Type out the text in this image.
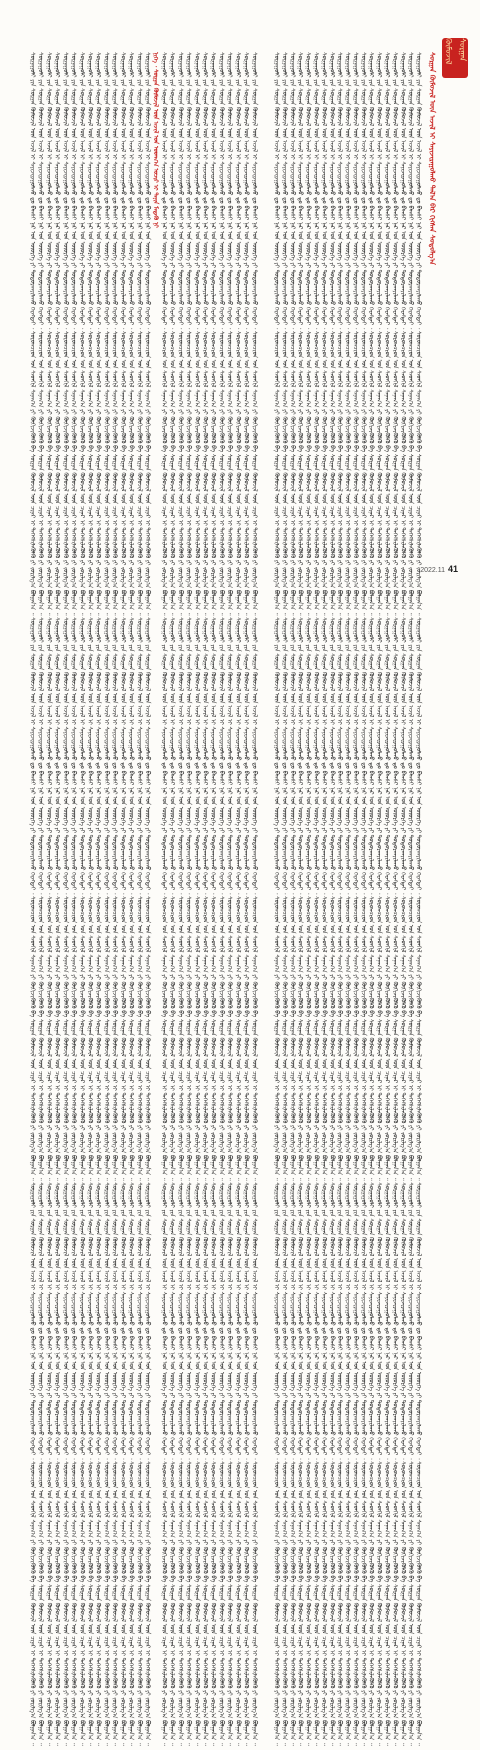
ᠰᠤᠷᠭᠠᠨ ᠬᠦᠮᠦᠵᠢᠯ
ᠰᠤᠷᠭᠠᠨ ᠬᠦᠮᠦᠵᠢᠯ ᠦᠨ ᠠᠵᠢᠯ ᠢ ᠰᠠᠶᠢᠵᠢᠷᠠᠭᠤᠯᠬᠤ ᠲᠠᠯ᠎ᠠ ᠪᠠᠷ ᠬᠢᠭᠰᠡᠨ ᠰᠤᠳᠤᠯᠭ᠎ᠠ
ᠰᠤᠷᠭᠠᠭᠤᠯᠢ ᠶᠢᠨ ᠰᠤᠷᠭᠠᠨ ᠬᠦᠮᠦᠵᠢᠯ ᠦᠨ ᠠᠵᠢᠯ ᠢ ᠰᠠᠶᠢᠵᠢᠷᠠᠭᠤᠯᠬᠤ ᠳᠤ ᠪᠠᠭᠰᠢ ᠨᠠᠷ ᠤᠨ ᠦᠦᠷᠭᠡ ᠶᠢ ᠲᠣᠳᠣᠷᠬᠠᠶᠢᠯᠠᠬᠤ ᠬᠡᠷᠡᠭᠲᠡᠢ ᠂ ᠰᠤᠷᠤᠭᠴᠢᠳ ᠤᠨ ᠰᠡᠳᠬᠢᠯ ᠰᠠᠨᠠᠭ᠎ᠠ ᠶᠢ ᠬᠥᠬᠢᠵᠢᠭᠦᠯᠬᠦ ᠪᠠ ᠰᠤᠷᠭᠠᠨ ᠬᠦᠮᠦᠵᠢᠯ ᠦᠨ ᠴᠢᠨᠠᠷ ᠢ ᠳᠡᠭᠡᠭᠰᠢᠯᠡᠭᠦᠯᠬᠦ ᠶᠢ ᠵᠣᠷᠢᠯᠭ᠎ᠠ ᠪᠣᠯᠭᠠᠨ᠎ᠠ ᠃ ᠰᠤᠷᠭᠠᠭᠤᠯᠢ ᠶᠢᠨ ᠰᠤᠷᠭᠠᠨ ᠬᠦᠮᠦᠵᠢᠯ ᠦᠨ ᠠᠵᠢᠯ ᠢ ᠰᠠᠶᠢᠵᠢᠷᠠᠭᠤᠯᠬᠤ ᠳᠤ ᠪᠠᠭᠰᠢ ᠨᠠᠷ ᠤᠨ ᠦᠦᠷᠭᠡ ᠶᠢ ᠲᠣᠳᠣᠷᠬᠠᠶᠢᠯᠠᠬᠤ ᠬᠡᠷᠡᠭᠲᠡᠢ ᠂ ᠰᠤᠷᠤᠭᠴᠢᠳ ᠤᠨ ᠰᠡᠳᠬᠢᠯ ᠰᠠᠨᠠᠭ᠎ᠠ ᠶᠢ ᠬᠥᠬᠢᠵᠢᠭᠦᠯᠬᠦ ᠪᠠ ᠰᠤᠷᠭᠠᠨ ᠬᠦᠮᠦᠵᠢᠯ ᠦᠨ ᠴᠢᠨᠠᠷ ᠢ ᠳᠡᠭᠡᠭᠰᠢᠯᠡᠭᠦᠯᠬᠦ ᠶᠢ ᠵᠣᠷᠢᠯᠭ᠎ᠠ ᠪᠣᠯᠭᠠᠨ᠎ᠠ ᠃ ᠰᠤᠷᠭᠠᠭᠤᠯᠢ ᠶᠢᠨ ᠰᠤᠷᠭᠠᠨ ᠬᠦᠮᠦᠵᠢᠯ ᠦᠨ ᠠᠵᠢᠯ ᠢ ᠰᠠᠶᠢᠵᠢᠷᠠᠭᠤᠯᠬᠤ ᠳᠤ ᠪᠠᠭᠰᠢ ᠨᠠᠷ ᠤᠨ ᠦᠦᠷᠭᠡ ᠶᠢ ᠲᠣᠳᠣᠷᠬᠠᠶᠢᠯᠠᠬᠤ ᠬᠡᠷᠡᠭᠲᠡᠢ ᠂ ᠰᠤᠷᠤᠭᠴᠢᠳ ᠤᠨ ᠰᠡᠳᠬᠢᠯ ᠰᠠᠨᠠᠭ᠎ᠠ ᠶᠢ ᠬᠥᠬᠢᠵᠢᠭᠦᠯᠬᠦ ᠪᠠ ᠰᠤᠷᠭᠠᠨ ᠬᠦᠮᠦᠵᠢᠯ ᠦᠨ ᠴᠢᠨᠠᠷ ᠢ ᠳᠡᠭᠡᠭᠰᠢᠯᠡᠭᠦᠯᠬᠦ ᠶᠢ ᠵᠣᠷᠢᠯᠭ᠎ᠠ ᠪᠣᠯᠭᠠᠨ᠎ᠠ ᠃ ᠰᠤᠷᠭᠠᠭᠤᠯᠢ ᠶᠢᠨ ᠰᠤᠷᠭᠠᠨ ᠬᠦᠮᠦᠵᠢᠯ ᠦᠨ ᠠᠵᠢᠯ ᠢ ᠰᠠᠶᠢᠵᠢᠷᠠᠭᠤᠯᠬᠤ ᠳᠤ ᠪᠠᠭᠰᠢ ᠨᠠᠷ ᠤᠨ ᠦᠦᠷᠭᠡ ᠶᠢ ᠲᠣᠳᠣᠷᠬᠠᠶᠢᠯᠠᠬᠤ ᠬᠡᠷᠡᠭᠲᠡᠢ ᠂ ᠰᠤᠷᠤᠭᠴᠢᠳ ᠤᠨ ᠰᠡᠳᠬᠢᠯ ᠰᠠᠨᠠᠭ᠎ᠠ ᠶᠢ ᠬᠥᠬᠢᠵᠢᠭᠦᠯᠬᠦ ᠪᠠ ᠰᠤᠷᠭᠠᠨ ᠬᠦᠮᠦᠵᠢᠯ ᠦᠨ ᠴᠢᠨᠠᠷ ᠢ ᠳᠡᠭᠡᠭᠰᠢᠯᠡᠭᠦᠯᠬᠦ ᠶᠢ ᠵᠣᠷᠢᠯᠭ᠎ᠠ ᠪᠣᠯᠭᠠᠨ᠎ᠠ ᠃ ᠰᠤᠷᠭᠠᠭᠤᠯᠢ ᠶᠢᠨ ᠰᠤᠷᠭᠠᠨ ᠬᠦᠮᠦᠵᠢᠯ ᠦᠨ ᠠᠵᠢᠯ ᠢ ᠰᠠᠶᠢᠵᠢᠷᠠᠭᠤᠯᠬᠤ ᠳᠤ ᠪᠠᠭᠰᠢ ᠨᠠᠷ ᠤᠨ ᠦᠦᠷᠭᠡ ᠶᠢ ᠲᠣᠳᠣᠷᠬᠠᠶᠢᠯᠠᠬᠤ ᠬᠡᠷᠡᠭᠲᠡᠢ ᠂ ᠰᠤᠷᠤᠭᠴᠢᠳ ᠤᠨ ᠰᠡᠳᠬᠢᠯ ᠰᠠᠨᠠᠭ᠎ᠠ ᠶᠢ ᠬᠥᠬᠢᠵᠢᠭᠦᠯᠬᠦ ᠪᠠ ᠰᠤᠷᠭᠠᠨ ᠬᠦᠮᠦᠵᠢᠯ ᠦᠨ ᠴᠢᠨᠠᠷ ᠢ ᠳᠡᠭᠡᠭᠰᠢᠯᠡᠭᠦᠯᠬᠦ ᠶᠢ ᠵᠣᠷᠢᠯᠭ᠎ᠠ ᠪᠣᠯᠭᠠᠨ᠎ᠠ ᠃ ᠰᠤᠷᠭᠠᠭᠤᠯᠢ ᠶᠢᠨ ᠰᠤᠷᠭᠠᠨ ᠬᠦᠮᠦᠵᠢᠯ ᠦᠨ ᠠᠵᠢᠯ ᠢ ᠰᠠᠶᠢᠵᠢᠷᠠᠭᠤᠯᠬᠤ ᠳᠤ ᠪᠠᠭᠰᠢ ᠨᠠᠷ ᠤᠨ ᠦᠦᠷᠭᠡ ᠶᠢ ᠲᠣᠳᠣᠷᠬᠠᠶᠢᠯᠠᠬᠤ ᠬᠡᠷᠡᠭᠲᠡᠢ ᠂ ᠰᠤᠷᠤᠭᠴᠢᠳ ᠤᠨ ᠰᠡᠳᠬᠢᠯ ᠰᠠᠨᠠᠭ᠎ᠠ ᠶᠢ ᠬᠥᠬᠢᠵᠢᠭᠦᠯᠬᠦ ᠪᠠ ᠰᠤᠷᠭᠠᠨ ᠬᠦᠮᠦᠵᠢᠯ ᠦᠨ ᠴᠢᠨᠠᠷ ᠢ ᠳᠡᠭᠡᠭᠰᠢᠯᠡᠭᠦᠯᠬᠦ ᠶᠢ ᠵᠣᠷᠢᠯᠭ᠎ᠠ ᠪᠣᠯᠭᠠᠨ᠎ᠠ ᠃ ᠰᠤᠷᠭᠠᠭᠤᠯᠢ ᠶᠢᠨ ᠰᠤᠷᠭᠠᠨ ᠬᠦᠮᠦᠵᠢᠯ ᠦᠨ ᠠᠵᠢᠯ ᠢ ᠰᠠᠶᠢᠵᠢᠷᠠᠭᠤᠯᠬᠤ ᠳᠤ ᠪᠠᠭᠰᠢ ᠨᠠᠷ ᠤᠨ ᠦᠦᠷᠭᠡ ᠶᠢ ᠲᠣᠳᠣᠷᠬᠠᠶᠢᠯᠠᠬᠤ ᠬᠡᠷᠡᠭᠲᠡᠢ ᠂ ᠰᠤᠷᠤᠭᠴᠢᠳ ᠤᠨ ᠰᠡᠳᠬᠢᠯ ᠰᠠᠨᠠᠭ᠎ᠠ ᠶᠢ ᠬᠥᠬᠢᠵᠢᠭᠦᠯᠬᠦ ᠪᠠ ᠰᠤᠷᠭᠠᠨ ᠬᠦᠮᠦᠵᠢᠯ ᠦᠨ ᠴᠢᠨᠠᠷ ᠢ ᠳᠡᠭᠡᠭᠰᠢᠯᠡᠭᠦᠯᠬᠦ ᠶᠢ ᠵᠣᠷᠢᠯᠭ᠎ᠠ ᠪᠣᠯᠭᠠᠨ᠎ᠠ ᠃ ᠰᠤᠷᠭᠠᠭᠤᠯᠢ ᠶᠢᠨ ᠰᠤᠷᠭᠠᠨ ᠬᠦᠮᠦᠵᠢᠯ ᠦᠨ ᠠᠵᠢᠯ ᠢ ᠰᠠᠶᠢᠵᠢᠷᠠᠭᠤᠯᠬᠤ ᠳᠤ ᠪᠠᠭᠰᠢ ᠨᠠᠷ ᠤᠨ ᠦᠦᠷᠭᠡ ᠶᠢ ᠲᠣᠳᠣᠷᠬᠠᠶᠢᠯᠠᠬᠤ ᠬᠡᠷᠡᠭᠲᠡᠢ ᠂ ᠰᠤᠷᠤᠭᠴᠢᠳ ᠤᠨ ᠰᠡᠳᠬᠢᠯ ᠰᠠᠨᠠᠭ᠎ᠠ ᠶᠢ ᠬᠥᠬᠢᠵᠢᠭᠦᠯᠬᠦ ᠪᠠ ᠰᠤᠷᠭᠠᠨ ᠬᠦᠮᠦᠵᠢᠯ ᠦᠨ ᠴᠢᠨᠠᠷ ᠢ ᠳᠡᠭᠡᠭᠰᠢᠯᠡᠭᠦᠯᠬᠦ ᠶᠢ ᠵᠣᠷᠢᠯᠭ᠎ᠠ ᠪᠣᠯᠭᠠᠨ᠎ᠠ ᠃ ᠰᠤᠷᠭᠠᠭᠤᠯᠢ ᠶᠢᠨ ᠰᠤᠷᠭᠠᠨ ᠬᠦᠮᠦᠵᠢᠯ ᠦᠨ ᠠᠵᠢᠯ ᠢ ᠰᠠᠶᠢᠵᠢᠷᠠᠭᠤᠯᠬᠤ ᠳᠤ ᠪᠠᠭᠰᠢ ᠨᠠᠷ ᠤᠨ ᠦᠦᠷᠭᠡ ᠶᠢ ᠲᠣᠳᠣᠷᠬᠠᠶᠢᠯᠠᠬᠤ ᠬᠡᠷᠡᠭᠲᠡᠢ ᠂ ᠰᠤᠷᠤᠭᠴᠢᠳ ᠤᠨ ᠰᠡᠳᠬᠢᠯ ᠰᠠᠨᠠᠭ᠎ᠠ ᠶᠢ ᠬᠥᠬᠢᠵᠢᠭᠦᠯᠬᠦ ᠪᠠ ᠰᠤᠷᠭᠠᠨ ᠬᠦᠮᠦᠵᠢᠯ ᠦᠨ ᠴᠢᠨᠠᠷ ᠢ ᠳᠡᠭᠡᠭᠰᠢᠯᠡᠭᠦᠯᠬᠦ ᠶᠢ ᠵᠣᠷᠢᠯᠭ᠎ᠠ ᠪᠣᠯᠭᠠᠨ᠎ᠠ ᠃ ᠰᠤᠷᠭᠠᠭᠤᠯᠢ ᠶᠢᠨ ᠰᠤᠷᠭᠠᠨ ᠬᠦᠮᠦᠵᠢᠯ ᠦᠨ ᠠᠵᠢᠯ ᠢ ᠰᠠᠶᠢᠵᠢᠷᠠᠭᠤᠯᠬᠤ ᠳᠤ ᠪᠠᠭᠰᠢ ᠨᠠᠷ ᠤᠨ ᠦᠦᠷᠭᠡ ᠶᠢ ᠲᠣᠳᠣᠷᠬᠠᠶᠢᠯᠠᠬᠤ ᠬᠡᠷᠡᠭᠲᠡᠢ ᠂ ᠰᠤᠷᠤᠭᠴᠢᠳ ᠤᠨ ᠰᠡᠳᠬᠢᠯ ᠰᠠᠨᠠᠭ᠎ᠠ ᠶᠢ ᠬᠥᠬᠢᠵᠢᠭᠦᠯᠬᠦ ᠪᠠ ᠰᠤᠷᠭᠠᠨ ᠬᠦᠮᠦᠵᠢᠯ ᠦᠨ ᠴᠢᠨᠠᠷ ᠢ ᠳᠡᠭᠡᠭᠰᠢᠯᠡᠭᠦᠯᠬᠦ ᠶᠢ ᠵᠣᠷᠢᠯᠭ᠎ᠠ ᠪᠣᠯᠭᠠᠨ᠎ᠠ ᠃ ᠰᠤᠷᠭᠠᠭᠤᠯᠢ ᠶᠢᠨ ᠰᠤᠷᠭᠠᠨ ᠬᠦᠮᠦᠵᠢᠯ ᠦᠨ ᠠᠵᠢᠯ ᠢ ᠰᠠᠶᠢᠵᠢᠷᠠᠭᠤᠯᠬᠤ ᠳᠤ ᠪᠠᠭᠰᠢ ᠨᠠᠷ ᠤᠨ ᠦᠦᠷᠭᠡ ᠶᠢ ᠲᠣᠳᠣᠷᠬᠠᠶᠢᠯᠠᠬᠤ ᠬᠡᠷᠡᠭᠲᠡᠢ ᠂ ᠰᠤᠷᠤᠭᠴᠢᠳ ᠤᠨ ᠰᠡᠳᠬᠢᠯ ᠰᠠᠨᠠᠭ᠎ᠠ ᠶᠢ ᠬᠥᠬᠢᠵᠢᠭᠦᠯᠬᠦ ᠪᠠ ᠰᠤᠷᠭᠠᠨ ᠬᠦᠮᠦᠵᠢᠯ ᠦᠨ ᠴᠢᠨᠠᠷ ᠢ ᠳᠡᠭᠡᠭᠰᠢᠯᠡᠭᠦᠯᠬᠦ ᠶᠢ ᠵᠣᠷᠢᠯᠭ᠎ᠠ ᠪᠣᠯᠭᠠᠨ᠎ᠠ ᠃ ᠰᠤᠷᠭᠠᠭᠤᠯᠢ ᠶᠢᠨ ᠰᠤᠷᠭᠠᠨ ᠬᠦᠮᠦᠵᠢᠯ ᠦᠨ ᠠᠵᠢᠯ ᠢ ᠰᠠᠶᠢᠵᠢᠷᠠᠭᠤᠯᠬᠤ ᠳᠤ ᠪᠠᠭᠰᠢ ᠨᠠᠷ ᠤᠨ ᠦᠦᠷᠭᠡ ᠶᠢ ᠲᠣᠳᠣᠷᠬᠠᠶᠢᠯᠠᠬᠤ ᠬᠡᠷᠡᠭᠲᠡᠢ ᠂ ᠰᠤᠷᠤᠭᠴᠢᠳ ᠤᠨ ᠰᠡᠳᠬᠢᠯ ᠰᠠᠨᠠᠭ᠎ᠠ ᠶᠢ ᠬᠥᠬᠢᠵᠢᠭᠦᠯᠬᠦ ᠪᠠ ᠰᠤᠷᠭᠠᠨ ᠬᠦᠮᠦᠵᠢᠯ ᠦᠨ ᠴᠢᠨᠠᠷ ᠢ ᠳᠡᠭᠡᠭᠰᠢᠯᠡᠭᠦᠯᠬᠦ ᠶᠢ ᠵᠣᠷᠢᠯᠭ᠎ᠠ ᠪᠣᠯᠭᠠᠨ᠎ᠠ ᠃ ᠰᠤᠷᠭᠠᠭᠤᠯᠢ ᠶᠢᠨ ᠰᠤᠷᠭᠠᠨ ᠬᠦᠮᠦᠵᠢᠯ ᠦᠨ ᠠᠵᠢᠯ ᠢ ᠰᠠᠶᠢᠵᠢᠷᠠᠭᠤᠯᠬᠤ ᠳᠤ ᠪᠠᠭᠰᠢ ᠨᠠᠷ ᠤᠨ ᠦᠦᠷᠭᠡ ᠶᠢ ᠲᠣᠳᠣᠷᠬᠠᠶᠢᠯᠠᠬᠤ ᠬᠡᠷᠡᠭᠲᠡᠢ ᠂ ᠰᠤᠷᠤᠭᠴᠢᠳ ᠤᠨ ᠰᠡᠳᠬᠢᠯ ᠰᠠᠨᠠᠭ᠎ᠠ ᠶᠢ ᠬᠥᠬᠢᠵᠢᠭᠦᠯᠬᠦ ᠪᠠ ᠰᠤᠷᠭᠠᠨ ᠬᠦᠮᠦᠵᠢᠯ ᠦᠨ ᠴᠢᠨᠠᠷ ᠢ ᠳᠡᠭᠡᠭᠰᠢᠯᠡᠭᠦᠯᠬᠦ ᠶᠢ ᠵᠣᠷᠢᠯᠭ᠎ᠠ ᠪᠣᠯᠭᠠᠨ᠎ᠠ ᠃ ᠰᠤᠷᠭᠠᠭᠤᠯᠢ ᠶᠢᠨ ᠰᠤᠷᠭᠠᠨ ᠬᠦᠮᠦᠵᠢᠯ ᠦᠨ ᠠᠵᠢᠯ ᠢ ᠰᠠᠶᠢᠵᠢᠷᠠᠭᠤᠯᠬᠤ ᠳᠤ ᠪᠠᠭᠰᠢ ᠨᠠᠷ ᠤᠨ ᠦᠦᠷᠭᠡ ᠶᠢ ᠲᠣᠳᠣᠷᠬᠠᠶᠢᠯᠠᠬᠤ ᠬᠡᠷᠡᠭᠲᠡᠢ ᠂ ᠰᠤᠷᠤᠭᠴᠢᠳ ᠤᠨ ᠰᠡᠳᠬᠢᠯ ᠰᠠᠨᠠᠭ᠎ᠠ ᠶᠢ ᠬᠥᠬᠢᠵᠢᠭᠦᠯᠬᠦ ᠪᠠ ᠰᠤᠷᠭᠠᠨ ᠬᠦᠮᠦᠵᠢᠯ ᠦᠨ ᠴᠢᠨᠠᠷ ᠢ ᠳᠡᠭᠡᠭᠰᠢᠯᠡᠭᠦᠯᠬᠦ ᠶᠢ ᠵᠣᠷᠢᠯᠭ᠎ᠠ ᠪᠣᠯᠭᠠᠨ᠎ᠠ ᠃ ᠰᠤᠷᠭᠠᠭᠤᠯᠢ ᠶᠢᠨ ᠰᠤᠷᠭᠠᠨ ᠬᠦᠮᠦᠵᠢᠯ ᠦᠨ ᠠᠵᠢᠯ ᠢ ᠰᠠᠶᠢᠵᠢᠷᠠᠭᠤᠯᠬᠤ ᠳᠤ ᠪᠠᠭᠰᠢ ᠨᠠᠷ ᠤᠨ ᠦᠦᠷᠭᠡ ᠶᠢ ᠲᠣᠳᠣᠷᠬᠠᠶᠢᠯᠠᠬᠤ ᠬᠡᠷᠡᠭᠲᠡᠢ ᠂ ᠰᠤᠷᠤᠭᠴᠢᠳ ᠤᠨ ᠰᠡᠳᠬᠢᠯ ᠰᠠᠨᠠᠭ᠎ᠠ ᠶᠢ ᠬᠥᠬᠢᠵᠢᠭᠦᠯᠬᠦ ᠪᠠ ᠰᠤᠷᠭᠠᠨ ᠬᠦᠮᠦᠵᠢᠯ ᠦᠨ ᠴᠢᠨᠠᠷ ᠢ ᠳᠡᠭᠡᠭᠰᠢᠯᠡᠭᠦᠯᠬᠦ ᠶᠢ ᠵᠣᠷᠢᠯᠭ᠎ᠠ ᠪᠣᠯᠭᠠᠨ᠎ᠠ ᠃ ᠰᠤᠷᠭᠠᠭᠤᠯᠢ ᠶᠢᠨ ᠰᠤᠷᠭᠠᠨ ᠬᠦᠮᠦᠵᠢᠯ ᠦᠨ ᠠᠵᠢᠯ ᠢ ᠰᠠᠶᠢᠵᠢᠷᠠᠭᠤᠯᠬᠤ ᠳᠤ ᠪᠠᠭᠰᠢ ᠨᠠᠷ ᠤᠨ ᠦᠦᠷᠭᠡ ᠶᠢ ᠲᠣᠳᠣᠷᠬᠠᠶᠢᠯᠠᠬᠤ ᠬᠡᠷᠡᠭᠲᠡᠢ ᠂ ᠰᠤᠷᠤᠭᠴᠢᠳ ᠤᠨ ᠰᠡᠳᠬᠢᠯ ᠰᠠᠨᠠᠭ᠎ᠠ ᠶᠢ ᠬᠥᠬᠢᠵᠢᠭᠦᠯᠬᠦ ᠪᠠ ᠰᠤᠷᠭᠠᠨ ᠬᠦᠮᠦᠵᠢᠯ ᠦᠨ ᠴᠢᠨᠠᠷ ᠢ ᠳᠡᠭᠡᠭᠰᠢᠯᠡᠭᠦᠯᠬᠦ ᠶᠢ ᠵᠣᠷᠢᠯᠭ᠎ᠠ ᠪᠣᠯᠭᠠᠨ᠎ᠠ ᠃ ᠰᠤᠷᠭᠠᠭᠤᠯᠢ ᠶᠢᠨ ᠰᠤᠷᠭᠠᠨ ᠬᠦᠮᠦᠵᠢᠯ ᠦᠨ ᠠᠵᠢᠯ ᠢ ᠰᠠᠶᠢᠵᠢᠷᠠᠭᠤᠯᠬᠤ ᠳᠤ ᠪᠠᠭᠰᠢ ᠨᠠᠷ ᠤᠨ ᠦᠦᠷᠭᠡ ᠶᠢ ᠲᠣᠳᠣᠷᠬᠠᠶᠢᠯᠠᠬᠤ ᠬᠡᠷᠡᠭᠲᠡᠢ ᠂ ᠰᠤᠷᠤᠭᠴᠢᠳ ᠤᠨ ᠰᠡᠳᠬᠢᠯ ᠰᠠᠨᠠᠭ᠎ᠠ ᠶᠢ ᠬᠥᠬᠢᠵᠢᠭᠦᠯᠬᠦ ᠪᠠ ᠰᠤᠷᠭᠠᠨ ᠬᠦᠮᠦᠵᠢᠯ ᠦᠨ ᠴᠢᠨᠠᠷ ᠢ ᠳᠡᠭᠡᠭᠰᠢᠯᠡᠭᠦᠯᠬᠦ ᠶᠢ ᠵᠣᠷᠢᠯᠭ᠎ᠠ ᠪᠣᠯᠭᠠᠨ᠎ᠠ ᠃ ᠰᠤᠷᠭᠠᠭᠤᠯᠢ ᠶᠢᠨ ᠰᠤᠷᠭᠠᠨ ᠬᠦᠮᠦᠵᠢᠯ ᠦᠨ ᠠᠵᠢᠯ ᠢ ᠰᠠᠶᠢᠵᠢᠷᠠᠭᠤᠯᠬᠤ ᠳᠤ ᠪᠠᠭᠰᠢ ᠨᠠᠷ ᠤᠨ ᠦᠦᠷᠭᠡ ᠶᠢ ᠲᠣᠳᠣᠷᠬᠠᠶᠢᠯᠠᠬᠤ ᠬᠡᠷᠡᠭᠲᠡᠢ ᠂ ᠰᠤᠷᠤᠭᠴᠢᠳ ᠤᠨ ᠰᠡᠳᠬᠢᠯ ᠰᠠᠨᠠᠭ᠎ᠠ ᠶᠢ ᠬᠥᠬᠢᠵᠢᠭᠦᠯᠬᠦ ᠪᠠ ᠰᠤᠷᠭᠠᠨ ᠬᠦᠮᠦᠵᠢᠯ ᠦᠨ ᠴᠢᠨᠠᠷ ᠢ ᠳᠡᠭᠡᠭᠰᠢᠯᠡᠭᠦᠯᠬᠦ ᠶᠢ ᠵᠣᠷᠢᠯᠭ᠎ᠠ ᠪᠣᠯᠭᠠᠨ᠎ᠠ ᠃ ᠰᠤᠷᠭᠠᠭᠤᠯᠢ ᠶᠢᠨ ᠰᠤᠷᠭᠠᠨ ᠬᠦᠮᠦᠵᠢᠯ ᠦᠨ ᠠᠵᠢᠯ ᠢ ᠰᠠᠶᠢᠵᠢᠷᠠᠭᠤᠯᠬᠤ ᠳᠤ ᠪᠠᠭᠰᠢ ᠨᠠᠷ ᠤᠨ ᠦᠦᠷᠭᠡ ᠶᠢ ᠲᠣᠳᠣᠷᠬᠠᠶᠢᠯᠠᠬᠤ ᠬᠡᠷᠡᠭᠲᠡᠢ ᠂ ᠰᠤᠷᠤᠭᠴᠢᠳ ᠤᠨ ᠰᠡᠳᠬᠢᠯ ᠰᠠᠨᠠᠭ᠎ᠠ ᠶᠢ ᠬᠥᠬᠢᠵᠢᠭᠦᠯᠬᠦ ᠪᠠ ᠰᠤᠷᠭᠠᠨ ᠬᠦᠮᠦᠵᠢᠯ ᠦᠨ ᠴᠢᠨᠠᠷ ᠢ ᠳᠡᠭᠡᠭᠰᠢᠯᠡᠭᠦᠯᠬᠦ ᠶᠢ ᠵᠣᠷᠢᠯᠭ᠎ᠠ ᠪᠣᠯᠭᠠᠨ᠎ᠠ ᠃ ᠰᠤᠷᠭᠠᠭᠤᠯᠢ ᠶᠢᠨ ᠰᠤᠷᠭᠠᠨ ᠬᠦᠮᠦᠵᠢᠯ ᠦᠨ ᠠᠵᠢᠯ ᠢ ᠰᠠᠶᠢᠵᠢᠷᠠᠭᠤᠯᠬᠤ ᠳᠤ ᠪᠠᠭᠰᠢ ᠨᠠᠷ ᠤᠨ ᠦᠦᠷᠭᠡ ᠶᠢ ᠲᠣᠳᠣᠷᠬᠠᠶᠢᠯᠠᠬᠤ ᠬᠡᠷᠡᠭᠲᠡᠢ ᠂ ᠰᠤᠷᠤᠭᠴᠢᠳ ᠤᠨ ᠰᠡᠳᠬᠢᠯ ᠰᠠᠨᠠᠭ᠎ᠠ ᠶᠢ ᠬᠥᠬᠢᠵᠢᠭᠦᠯᠬᠦ ᠪᠠ ᠰᠤᠷᠭᠠᠨ ᠬᠦᠮᠦᠵᠢᠯ ᠦᠨ ᠴᠢᠨᠠᠷ ᠢ ᠳᠡᠭᠡᠭᠰᠢᠯᠡᠭᠦᠯᠬᠦ ᠶᠢ ᠵᠣᠷᠢᠯᠭ᠎ᠠ ᠪᠣᠯᠭᠠᠨ᠎ᠠ ᠃ ᠰᠤᠷᠭᠠᠭᠤᠯᠢ ᠶᠢᠨ ᠰᠤᠷᠭᠠᠨ ᠬᠦᠮᠦᠵᠢᠯ ᠦᠨ ᠠᠵᠢᠯ ᠢ ᠰᠠᠶᠢᠵᠢᠷᠠᠭᠤᠯᠬᠤ ᠳᠤ ᠪᠠᠭᠰᠢ ᠨᠠᠷ ᠤᠨ ᠦᠦᠷᠭᠡ ᠶᠢ ᠲᠣᠳᠣᠷᠬᠠᠶᠢᠯᠠᠬᠤ ᠬᠡᠷᠡᠭᠲᠡᠢ ᠂ ᠰᠤᠷᠤᠭᠴᠢᠳ ᠤᠨ ᠰᠡᠳᠬᠢᠯ ᠰᠠᠨᠠᠭ᠎ᠠ ᠶᠢ ᠬᠥᠬᠢᠵᠢᠭᠦᠯᠬᠦ ᠪᠠ ᠰᠤᠷᠭᠠᠨ ᠬᠦᠮᠦᠵᠢᠯ ᠦᠨ ᠴᠢᠨᠠᠷ ᠢ ᠳᠡᠭᠡᠭᠰᠢᠯᠡᠭᠦᠯᠬᠦ ᠶᠢ ᠵᠣᠷᠢᠯᠭ᠎ᠠ ᠪᠣᠯᠭᠠᠨ᠎ᠠ ᠃ ᠰᠤᠷᠭᠠᠭᠤᠯᠢ ᠶᠢᠨ ᠰᠤᠷᠭᠠᠨ ᠬᠦᠮᠦᠵᠢᠯ ᠦᠨ ᠠᠵᠢᠯ ᠢ ᠰᠠᠶᠢᠵᠢᠷᠠᠭᠤᠯᠬᠤ ᠳᠤ ᠪᠠᠭᠰᠢ ᠨᠠᠷ ᠤᠨ ᠦᠦᠷᠭᠡ ᠶᠢ ᠲᠣᠳᠣᠷᠬᠠᠶᠢᠯᠠᠬᠤ ᠬᠡᠷᠡᠭᠲᠡᠢ ᠂ ᠰᠤᠷᠤᠭᠴᠢᠳ ᠤᠨ ᠰᠡᠳᠬᠢᠯ ᠰᠠᠨᠠᠭ᠎ᠠ ᠶᠢ ᠬᠥᠬᠢᠵᠢᠭᠦᠯᠬᠦ ᠪᠠ ᠰᠤᠷᠭᠠᠨ ᠬᠦᠮᠦᠵᠢᠯ ᠦᠨ ᠴᠢᠨᠠᠷ ᠢ ᠳᠡᠭᠡᠭᠰᠢᠯᠡᠭᠦᠯᠬᠦ ᠶᠢ ᠵᠣᠷᠢᠯᠭ᠎ᠠ ᠪᠣᠯᠭᠠᠨ᠎ᠠ ᠃ ᠰᠤᠷᠭᠠᠭᠤᠯᠢ ᠶᠢᠨ ᠰᠤᠷᠭᠠᠨ ᠬᠦᠮᠦᠵᠢᠯ ᠦᠨ ᠠᠵᠢᠯ ᠢ ᠰᠠᠶᠢᠵᠢᠷᠠᠭᠤᠯᠬᠤ ᠳᠤ ᠪᠠᠭᠰᠢ ᠨᠠᠷ ᠤᠨ ᠦᠦᠷᠭᠡ ᠶᠢ ᠲᠣᠳᠣᠷᠬᠠᠶᠢᠯᠠᠬᠤ ᠬᠡᠷᠡᠭᠲᠡᠢ ᠂ ᠰᠤᠷᠤᠭᠴᠢᠳ ᠤᠨ ᠰᠡᠳᠬᠢᠯ ᠰᠠᠨᠠᠭ᠎ᠠ ᠶᠢ ᠬᠥᠬᠢᠵᠢᠭᠦᠯᠬᠦ ᠪᠠ ᠰᠤᠷᠭᠠᠨ ᠬᠦᠮᠦᠵᠢᠯ ᠦᠨ ᠴᠢᠨᠠᠷ ᠢ ᠳᠡᠭᠡᠭᠰᠢᠯᠡᠭᠦᠯᠬᠦ ᠶᠢ ᠵᠣᠷᠢᠯᠭ᠎ᠠ ᠪᠣᠯᠭᠠᠨ᠎ᠠ ᠃ ᠰᠤᠷᠭᠠᠭᠤᠯᠢ ᠶᠢᠨ ᠰᠤᠷᠭᠠᠨ ᠬᠦᠮᠦᠵᠢᠯ ᠦᠨ ᠠᠵᠢᠯ ᠢ ᠰᠠᠶᠢᠵᠢᠷᠠᠭᠤᠯᠬᠤ ᠳᠤ ᠪᠠᠭᠰᠢ ᠨᠠᠷ ᠤᠨ ᠦᠦᠷᠭᠡ ᠶᠢ ᠲᠣᠳᠣᠷᠬᠠᠶᠢᠯᠠᠬᠤ ᠬᠡᠷᠡᠭᠲᠡᠢ ᠂ ᠰᠤᠷᠤᠭᠴᠢᠳ ᠤᠨ ᠰᠡᠳᠬᠢᠯ ᠰᠠᠨᠠᠭ᠎ᠠ ᠶᠢ ᠬᠥᠬᠢᠵᠢᠭᠦᠯᠬᠦ ᠪᠠ ᠰᠤᠷᠭᠠᠨ ᠬᠦᠮᠦᠵᠢᠯ ᠦᠨ ᠴᠢᠨᠠᠷ ᠢ ᠳᠡᠭᠡᠭᠰᠢᠯᠡᠭᠦᠯᠬᠦ ᠶᠢ ᠵᠣᠷᠢᠯᠭ᠎ᠠ ᠪᠣᠯᠭᠠᠨ᠎ᠠ ᠃ ᠰᠤᠷᠭᠠᠭᠤᠯᠢ ᠶᠢᠨ ᠰᠤᠷᠭᠠᠨ ᠬᠦᠮᠦᠵᠢᠯ ᠦᠨ ᠠᠵᠢᠯ ᠢ ᠰᠠᠶᠢᠵᠢᠷᠠᠭᠤᠯᠬᠤ ᠳᠤ ᠪᠠᠭᠰᠢ ᠨᠠᠷ ᠤᠨ ᠦᠦᠷᠭᠡ ᠶᠢ ᠲᠣᠳᠣᠷᠬᠠᠶᠢᠯᠠᠬᠤ ᠬᠡᠷᠡᠭᠲᠡᠢ ᠂ ᠰᠤᠷᠤᠭᠴᠢᠳ ᠤᠨ ᠰᠡᠳᠬᠢᠯ ᠰᠠᠨᠠᠭ᠎ᠠ ᠶᠢ ᠬᠥᠬᠢᠵᠢᠭᠦᠯᠬᠦ ᠪᠠ ᠰᠤᠷᠭᠠᠨ ᠬᠦᠮᠦᠵᠢᠯ ᠦᠨ ᠴᠢᠨᠠᠷ ᠢ ᠳᠡᠭᠡᠭᠰᠢᠯᠡᠭᠦᠯᠬᠦ ᠶᠢ ᠵᠣᠷᠢᠯᠭ᠎ᠠ ᠪᠣᠯᠭᠠᠨ᠎ᠠ ᠃ ᠰᠤᠷᠭᠠᠭᠤᠯᠢ ᠶᠢᠨ ᠰᠤᠷᠭᠠᠨ ᠬᠦᠮᠦᠵᠢᠯ ᠦᠨ ᠠᠵᠢᠯ ᠢ ᠰᠠᠶᠢᠵᠢᠷᠠᠭᠤᠯᠬᠤ ᠳᠤ ᠪᠠᠭᠰᠢ ᠨᠠᠷ ᠤᠨ ᠦᠦᠷᠭᠡ ᠶᠢ ᠲᠣᠳᠣᠷᠬᠠᠶᠢᠯᠠᠬᠤ ᠬᠡᠷᠡᠭᠲᠡᠢ ᠂ ᠰᠤᠷᠤᠭᠴᠢᠳ ᠤᠨ ᠰᠡᠳᠬᠢᠯ ᠰᠠᠨᠠᠭ᠎ᠠ ᠶᠢ ᠬᠥᠬᠢᠵᠢᠭᠦᠯᠬᠦ ᠪᠠ ᠰᠤᠷᠭᠠᠨ ᠬᠦᠮᠦᠵᠢᠯ ᠦᠨ ᠴᠢᠨᠠᠷ ᠢ ᠳᠡᠭᠡᠭᠰᠢᠯᠡᠭᠦᠯᠬᠦ ᠶᠢ ᠵᠣᠷᠢᠯᠭ᠎ᠠ ᠪᠣᠯᠭᠠᠨ᠎ᠠ ᠃ ᠰᠤᠷᠭᠠᠭᠤᠯᠢ ᠶᠢᠨ ᠰᠤᠷᠭᠠᠨ ᠬᠦᠮᠦᠵᠢᠯ ᠦᠨ ᠠᠵᠢᠯ ᠢ ᠰᠠᠶᠢᠵᠢᠷᠠᠭᠤᠯᠬᠤ ᠳᠤ ᠪᠠᠭᠰᠢ ᠨᠠᠷ ᠤᠨ ᠦᠦᠷᠭᠡ ᠶᠢ ᠲᠣᠳᠣᠷᠬᠠᠶᠢᠯᠠᠬᠤ ᠬᠡᠷᠡᠭᠲᠡᠢ ᠂ ᠰᠤᠷᠤᠭᠴᠢᠳ ᠤᠨ ᠰᠡᠳᠬᠢᠯ ᠰᠠᠨᠠᠭ᠎ᠠ ᠶᠢ ᠬᠥᠬᠢᠵᠢᠭᠦᠯᠬᠦ ᠪᠠ ᠰᠤᠷᠭᠠᠨ ᠬᠦᠮᠦᠵᠢᠯ ᠦᠨ ᠴᠢᠨᠠᠷ ᠢ ᠳᠡᠭᠡᠭᠰᠢᠯᠡᠭᠦᠯᠬᠦ ᠶᠢ ᠵᠣᠷᠢᠯᠭ᠎ᠠ ᠪᠣᠯᠭᠠᠨ᠎ᠠ ᠃ ᠰᠤᠷᠭᠠᠭᠤᠯᠢ ᠶᠢᠨ ᠰᠤᠷᠭᠠᠨ ᠬᠦᠮᠦᠵᠢᠯ ᠦᠨ ᠠᠵᠢᠯ ᠢ ᠰᠠᠶᠢᠵᠢᠷᠠᠭᠤᠯᠬᠤ ᠳᠤ ᠪᠠᠭᠰᠢ ᠨᠠᠷ ᠤᠨ ᠦᠦᠷᠭᠡ ᠶᠢ ᠲᠣᠳᠣᠷᠬᠠᠶᠢᠯᠠᠬᠤ ᠬᠡᠷᠡᠭᠲᠡᠢ ᠂ ᠰᠤᠷᠤᠭᠴᠢᠳ ᠤᠨ ᠰᠡᠳᠬᠢᠯ ᠰᠠᠨᠠᠭ᠎ᠠ ᠶᠢ ᠬᠥᠬᠢᠵᠢᠭᠦᠯᠬᠦ ᠪᠠ ᠰᠤᠷᠭᠠᠨ ᠬᠦᠮᠦᠵᠢᠯ ᠦᠨ ᠴᠢᠨᠠᠷ ᠢ ᠳᠡᠭᠡᠭᠰᠢᠯᠡᠭᠦᠯᠬᠦ ᠶᠢ ᠵᠣᠷᠢᠯᠭ᠎ᠠ ᠪᠣᠯᠭᠠᠨ᠎ᠠ ᠃ ᠰᠤᠷᠭᠠᠭᠤᠯᠢ ᠶᠢᠨ ᠰᠤᠷᠭᠠᠨ ᠬᠦᠮᠦᠵᠢᠯ ᠦᠨ ᠠᠵᠢᠯ ᠢ ᠰᠠᠶᠢᠵᠢᠷᠠᠭᠤᠯᠬᠤ ᠳᠤ ᠪᠠᠭᠰᠢ ᠨᠠᠷ ᠤᠨ ᠦᠦᠷᠭᠡ ᠶᠢ ᠲᠣᠳᠣᠷᠬᠠᠶᠢᠯᠠᠬᠤ ᠬᠡᠷᠡᠭᠲᠡᠢ ᠂ ᠰᠤᠷᠤᠭᠴᠢᠳ ᠤᠨ ᠰᠡᠳᠬᠢᠯ ᠰᠠᠨᠠᠭ᠎ᠠ ᠶᠢ ᠬᠥᠬᠢᠵᠢᠭᠦᠯᠬᠦ ᠪᠠ ᠰᠤᠷᠭᠠᠨ ᠬᠦᠮᠦᠵᠢᠯ ᠦᠨ ᠴᠢᠨᠠᠷ ᠢ ᠳᠡᠭᠡᠭᠰᠢᠯᠡᠭᠦᠯᠬᠦ ᠶᠢ ᠵᠣᠷᠢᠯᠭ᠎ᠠ ᠪᠣᠯᠭᠠᠨ᠎ᠠ ᠃ ᠰᠤᠷᠭᠠᠭᠤᠯᠢ ᠶᠢᠨ ᠰᠤᠷᠭᠠᠨ ᠬᠦᠮᠦᠵᠢᠯ ᠦᠨ ᠠᠵᠢᠯ ᠢ ᠰᠠᠶᠢᠵᠢᠷᠠᠭᠤᠯᠬᠤ ᠳᠤ ᠪᠠᠭᠰᠢ ᠨᠠᠷ ᠤᠨ ᠦᠦᠷᠭᠡ ᠶᠢ ᠲᠣᠳᠣᠷᠬᠠᠶᠢᠯᠠᠬᠤ ᠬᠡᠷᠡᠭᠲᠡᠢ ᠂ ᠰᠤᠷᠤᠭᠴᠢᠳ ᠤᠨ ᠰᠡᠳᠬᠢᠯ ᠰᠠᠨᠠᠭ᠎ᠠ ᠶᠢ ᠬᠥᠬᠢᠵᠢᠭᠦᠯᠬᠦ ᠪᠠ ᠰᠤᠷᠭᠠᠨ ᠬᠦᠮᠦᠵᠢᠯ ᠦᠨ ᠴᠢᠨᠠᠷ ᠢ ᠳᠡᠭᠡᠭᠰᠢᠯᠡᠭᠦᠯᠬᠦ ᠶᠢ ᠵᠣᠷᠢᠯᠭ᠎ᠠ ᠪᠣᠯᠭᠠᠨ᠎ᠠ ᠃ ᠰᠤᠷᠭᠠᠭᠤᠯᠢ ᠶᠢᠨ ᠰᠤᠷᠭᠠᠨ ᠬᠦᠮᠦᠵᠢᠯ ᠦᠨ ᠠᠵᠢᠯ ᠢ ᠰᠠᠶᠢᠵᠢᠷᠠᠭᠤᠯᠬᠤ ᠳᠤ ᠪᠠᠭᠰᠢ ᠨᠠᠷ ᠤᠨ ᠦᠦᠷᠭᠡ ᠶᠢ ᠲᠣᠳᠣᠷᠬᠠᠶᠢᠯᠠᠬᠤ ᠬᠡᠷᠡᠭᠲᠡᠢ ᠂ ᠰᠤᠷᠤᠭᠴᠢᠳ ᠤᠨ ᠰᠡᠳᠬᠢᠯ ᠰᠠᠨᠠᠭ᠎ᠠ ᠶᠢ ᠬᠥᠬᠢᠵᠢᠭᠦᠯᠬᠦ ᠪᠠ ᠰᠤᠷᠭᠠᠨ ᠬᠦᠮᠦᠵᠢᠯ ᠦᠨ ᠴᠢᠨᠠᠷ ᠢ ᠳᠡᠭᠡᠭᠰᠢᠯᠡᠭᠦᠯᠬᠦ ᠶᠢ ᠵᠣᠷᠢᠯᠭ᠎ᠠ ᠪᠣᠯᠭᠠᠨ᠎ᠠ ᠃ ᠰᠤᠷᠭᠠᠭᠤᠯᠢ ᠶᠢᠨ ᠰᠤᠷᠭᠠᠨ ᠬᠦᠮᠦᠵᠢᠯ ᠦᠨ ᠠᠵᠢᠯ ᠢ ᠰᠠᠶᠢᠵᠢᠷᠠᠭᠤᠯᠬᠤ ᠳᠤ ᠪᠠᠭᠰᠢ ᠨᠠᠷ ᠤᠨ ᠦᠦᠷᠭᠡ ᠶᠢ ᠲᠣᠳᠣᠷᠬᠠᠶᠢᠯᠠᠬᠤ ᠬᠡᠷᠡᠭᠲᠡᠢ ᠂ ᠰᠤᠷᠤᠭᠴᠢᠳ ᠤᠨ ᠰᠡᠳᠬᠢᠯ ᠰᠠᠨᠠᠭ᠎ᠠ ᠶᠢ ᠬᠥᠬᠢᠵᠢᠭᠦᠯᠬᠦ ᠪᠠ ᠰᠤᠷᠭᠠᠨ ᠬᠦᠮᠦᠵᠢᠯ ᠦᠨ ᠴᠢᠨᠠᠷ ᠢ ᠳᠡᠭᠡᠭᠰᠢᠯᠡᠭᠦᠯᠬᠦ ᠶᠢ ᠵᠣᠷᠢᠯᠭ᠎ᠠ ᠪᠣᠯᠭᠠᠨ᠎ᠠ ᠃ ᠰᠤᠷᠭᠠᠭᠤᠯᠢ ᠶᠢᠨ ᠰᠤᠷᠭᠠᠨ ᠬᠦᠮᠦᠵᠢᠯ ᠦᠨ ᠠᠵᠢᠯ ᠢ ᠰᠠᠶᠢᠵᠢᠷᠠᠭᠤᠯᠬᠤ ᠳᠤ ᠪᠠᠭᠰᠢ ᠨᠠᠷ ᠤᠨ ᠦᠦᠷᠭᠡ ᠶᠢ ᠲᠣᠳᠣᠷᠬᠠᠶᠢᠯᠠᠬᠤ ᠬᠡᠷᠡᠭᠲᠡᠢ ᠂ ᠰᠤᠷᠤᠭᠴᠢᠳ ᠤᠨ ᠰᠡᠳᠬᠢᠯ ᠰᠠᠨᠠᠭ᠎ᠠ ᠶᠢ ᠬᠥᠬᠢᠵᠢᠭᠦᠯᠬᠦ ᠪᠠ ᠰᠤᠷᠭᠠᠨ ᠬᠦᠮᠦᠵᠢᠯ ᠦᠨ ᠴᠢᠨᠠᠷ ᠢ ᠳᠡᠭᠡᠭᠰᠢᠯᠡᠭᠦᠯᠬᠦ ᠶᠢ ᠵᠣᠷᠢᠯᠭ᠎ᠠ ᠪᠣᠯᠭᠠᠨ᠎ᠠ ᠃ ᠰᠤᠷᠭᠠᠭᠤᠯᠢ ᠶᠢᠨ ᠰᠤᠷᠭᠠᠨ ᠬᠦᠮᠦᠵᠢᠯ ᠦᠨ ᠠᠵᠢᠯ ᠢ ᠰᠠᠶᠢᠵᠢᠷᠠᠭᠤᠯᠬᠤ ᠳᠤ ᠪᠠᠭᠰᠢ ᠨᠠᠷ ᠤᠨ ᠦᠦᠷᠭᠡ ᠶᠢ ᠲᠣᠳᠣᠷᠬᠠᠶᠢᠯᠠᠬᠤ ᠬᠡᠷᠡᠭᠲᠡᠢ ᠂ ᠰᠤᠷᠤᠭᠴᠢᠳ ᠤᠨ ᠰᠡᠳᠬᠢᠯ ᠰᠠᠨᠠᠭ᠎ᠠ ᠶᠢ ᠬᠥᠬᠢᠵᠢᠭᠦᠯᠬᠦ ᠪᠠ ᠰᠤᠷᠭᠠᠨ ᠬᠦᠮᠦᠵᠢᠯ ᠦᠨ ᠴᠢᠨᠠᠷ ᠢ ᠳᠡᠭᠡᠭᠰᠢᠯᠡᠭᠦᠯᠬᠦ ᠶᠢ ᠵᠣᠷᠢᠯᠭ᠎ᠠ ᠪᠣᠯᠭᠠᠨ᠎ᠠ ᠃ ᠰᠤᠷᠭᠠᠭᠤᠯᠢ ᠶᠢᠨ ᠰᠤᠷᠭᠠᠨ ᠬᠦᠮᠦᠵᠢᠯ ᠦᠨ ᠠᠵᠢᠯ ᠢ ᠰᠠᠶᠢᠵᠢᠷᠠᠭᠤᠯᠬᠤ ᠳᠤ ᠪᠠᠭᠰᠢ ᠨᠠᠷ ᠤᠨ ᠦᠦᠷᠭᠡ ᠶᠢ ᠲᠣᠳᠣᠷᠬᠠᠶᠢᠯᠠᠬᠤ ᠬᠡᠷᠡᠭᠲᠡᠢ ᠂ ᠰᠤᠷᠤᠭᠴᠢᠳ ᠤᠨ ᠰᠡᠳᠬᠢᠯ ᠰᠠᠨᠠᠭ᠎ᠠ ᠶᠢ ᠬᠥᠬᠢᠵᠢᠭᠦᠯᠬᠦ ᠪᠠ ᠰᠤᠷᠭᠠᠨ ᠬᠦᠮᠦᠵᠢᠯ ᠦᠨ ᠴᠢᠨᠠᠷ ᠢ ᠳᠡᠭᠡᠭᠰᠢᠯᠡᠭᠦᠯᠬᠦ ᠶᠢ ᠵᠣᠷᠢᠯᠭ᠎ᠠ ᠪᠣᠯᠭᠠᠨ᠎ᠠ ᠃ ᠰᠤᠷᠭᠠᠭᠤᠯᠢ ᠶᠢᠨ ᠰᠤᠷᠭᠠᠨ ᠬᠦᠮᠦᠵᠢᠯ ᠦᠨ ᠠᠵᠢᠯ ᠢ ᠰᠠᠶᠢᠵᠢᠷᠠᠭᠤᠯᠬᠤ ᠳᠤ ᠪᠠᠭᠰᠢ ᠨᠠᠷ ᠤᠨ ᠦᠦᠷᠭᠡ ᠶᠢ ᠲᠣᠳᠣᠷᠬᠠᠶᠢᠯᠠᠬᠤ ᠬᠡᠷᠡᠭᠲᠡᠢ ᠂ ᠰᠤᠷᠤᠭᠴᠢᠳ ᠤᠨ ᠰᠡᠳᠬᠢᠯ ᠰᠠᠨᠠᠭ᠎ᠠ ᠶᠢ ᠬᠥᠬᠢᠵᠢᠭᠦᠯᠬᠦ ᠪᠠ ᠰᠤᠷᠭᠠᠨ ᠬᠦᠮᠦᠵᠢᠯ ᠦᠨ ᠴᠢᠨᠠᠷ ᠢ ᠳᠡᠭᠡᠭᠰᠢᠯᠡᠭᠦᠯᠬᠦ ᠶᠢ ᠵᠣᠷᠢᠯᠭ᠎ᠠ ᠪᠣᠯᠭᠠᠨ᠎ᠠ ᠃ ᠰᠤᠷᠭᠠᠭᠤᠯᠢ ᠶᠢᠨ ᠰᠤᠷᠭᠠᠨ ᠬᠦᠮᠦᠵᠢᠯ ᠦᠨ ᠠᠵᠢᠯ ᠢ ᠰᠠᠶᠢᠵᠢᠷᠠᠭᠤᠯᠬᠤ ᠳᠤ ᠪᠠᠭᠰᠢ ᠨᠠᠷ ᠤᠨ ᠦᠦᠷᠭᠡ ᠶᠢ ᠲᠣᠳᠣᠷᠬᠠᠶᠢᠯᠠᠬᠤ ᠬᠡᠷᠡᠭᠲᠡᠢ ᠂ ᠰᠤᠷᠤᠭᠴᠢᠳ ᠤᠨ ᠰᠡᠳᠬᠢᠯ ᠰᠠᠨᠠᠭ᠎ᠠ ᠶᠢ ᠬᠥᠬᠢᠵᠢᠭᠦᠯᠬᠦ ᠪᠠ ᠰᠤᠷᠭᠠᠨ ᠬᠦᠮᠦᠵᠢᠯ ᠦᠨ ᠴᠢᠨᠠᠷ ᠢ ᠳᠡᠭᠡᠭᠰᠢᠯᠡᠭᠦᠯᠬᠦ ᠶᠢ ᠵᠣᠷᠢᠯᠭ᠎ᠠ ᠪᠣᠯᠭᠠᠨ᠎ᠠ ᠃ ᠰᠤᠷᠭᠠᠭᠤᠯᠢ ᠶᠢᠨ ᠰᠤᠷᠭᠠᠨ ᠬᠦᠮᠦᠵᠢᠯ ᠦᠨ ᠠᠵᠢᠯ ᠢ ᠰᠠᠶᠢᠵᠢᠷᠠᠭᠤᠯᠬᠤ ᠳᠤ ᠪᠠᠭᠰᠢ ᠨᠠᠷ ᠤᠨ ᠦᠦᠷᠭᠡ ᠶᠢ ᠲᠣᠳᠣᠷᠬᠠᠶᠢᠯᠠᠬᠤ ᠬᠡᠷᠡᠭᠲᠡᠢ ᠂ ᠰᠤᠷᠤᠭᠴᠢᠳ ᠤᠨ ᠰᠡᠳᠬᠢᠯ ᠰᠠᠨᠠᠭ᠎ᠠ ᠶᠢ ᠬᠥᠬᠢᠵᠢᠭᠦᠯᠬᠦ ᠪᠠ ᠰᠤᠷᠭᠠᠨ ᠬᠦᠮᠦᠵᠢᠯ ᠦᠨ ᠴᠢᠨᠠᠷ ᠢ ᠳᠡᠭᠡᠭᠰᠢᠯᠡᠭᠦᠯᠬᠦ ᠶᠢ ᠵᠣᠷᠢᠯᠭ᠎ᠠ ᠪᠣᠯᠭᠠᠨ᠎ᠠ ᠃ ᠰᠤᠷᠭᠠᠭᠤᠯᠢ ᠶᠢᠨ ᠰᠤᠷᠭᠠᠨ ᠬᠦᠮᠦᠵᠢᠯ ᠦᠨ ᠠᠵᠢᠯ ᠢ ᠰᠠᠶᠢᠵᠢᠷᠠᠭᠤᠯᠬᠤ ᠳᠤ ᠪᠠᠭᠰᠢ ᠨᠠᠷ ᠤᠨ ᠦᠦᠷᠭᠡ ᠶᠢ ᠲᠣᠳᠣᠷᠬᠠᠶᠢᠯᠠᠬᠤ ᠬᠡᠷᠡᠭᠲᠡᠢ ᠂ ᠰᠤᠷᠤᠭᠴᠢᠳ ᠤᠨ ᠰᠡᠳᠬᠢᠯ ᠰᠠᠨᠠᠭ᠎ᠠ ᠶᠢ ᠬᠥᠬᠢᠵᠢᠭᠦᠯᠬᠦ ᠪᠠ ᠰᠤᠷᠭᠠᠨ ᠬᠦᠮᠦᠵᠢᠯ ᠦᠨ ᠴᠢᠨᠠᠷ ᠢ ᠳᠡᠭᠡᠭᠰᠢᠯᠡᠭᠦᠯᠬᠦ ᠶᠢ ᠵᠣᠷᠢᠯᠭ᠎ᠠ ᠪᠣᠯᠭᠠᠨ᠎ᠠ ᠃ ᠰᠤᠷᠭᠠᠭᠤᠯᠢ ᠶᠢᠨ ᠰᠤᠷᠭᠠᠨ ᠬᠦᠮᠦᠵᠢᠯ ᠦᠨ ᠠᠵᠢᠯ ᠢ ᠰᠠᠶᠢᠵᠢᠷᠠᠭᠤᠯᠬᠤ ᠳᠤ ᠪᠠᠭᠰᠢ ᠨᠠᠷ ᠤᠨ ᠦᠦᠷᠭᠡ ᠶᠢ ᠲᠣᠳᠣᠷᠬᠠᠶᠢᠯᠠᠬᠤ ᠬᠡᠷᠡᠭᠲᠡᠢ ᠂ ᠰᠤᠷᠤᠭᠴᠢᠳ ᠤᠨ ᠰᠡᠳᠬᠢᠯ ᠰᠠᠨᠠᠭ᠎ᠠ ᠶᠢ ᠬᠥᠬᠢᠵᠢᠭᠦᠯᠬᠦ ᠪᠠ ᠰᠤᠷᠭᠠᠨ ᠬᠦᠮᠦᠵᠢᠯ ᠦᠨ ᠴᠢᠨᠠᠷ ᠢ ᠳᠡᠭᠡᠭᠰᠢᠯᠡᠭᠦᠯᠬᠦ ᠶᠢ ᠵᠣᠷᠢᠯᠭ᠎ᠠ ᠪᠣᠯᠭᠠᠨ᠎ᠠ ᠃ ᠰᠤᠷᠭᠠᠭᠤᠯᠢ ᠶᠢᠨ ᠰᠤᠷᠭᠠᠨ ᠬᠦᠮᠦᠵᠢᠯ ᠦᠨ ᠠᠵᠢᠯ ᠢ ᠰᠠᠶᠢᠵᠢᠷᠠᠭᠤᠯᠬᠤ ᠳᠤ ᠪᠠᠭᠰᠢ ᠨᠠᠷ ᠤᠨ ᠦᠦᠷᠭᠡ ᠶᠢ ᠲᠣᠳᠣᠷᠬᠠᠶᠢᠯᠠᠬᠤ ᠬᠡᠷᠡᠭᠲᠡᠢ ᠂ ᠰᠤᠷᠤᠭᠴᠢᠳ ᠤᠨ ᠰᠡᠳᠬᠢᠯ ᠰᠠᠨᠠᠭ᠎ᠠ ᠶᠢ ᠬᠥᠬᠢᠵᠢᠭᠦᠯᠬᠦ ᠪᠠ ᠰᠤᠷᠭᠠᠨ ᠬᠦᠮᠦᠵᠢᠯ ᠦᠨ ᠴᠢᠨᠠᠷ ᠢ ᠳᠡᠭᠡᠭᠰᠢᠯᠡᠭᠦᠯᠬᠦ ᠶᠢ ᠵᠣᠷᠢᠯᠭ᠎ᠠ ᠪᠣᠯᠭᠠᠨ᠎ᠠ ᠃ ᠰᠤᠷᠭᠠᠭᠤᠯᠢ ᠶᠢᠨ ᠰᠤᠷᠭᠠᠨ ᠬᠦᠮᠦᠵᠢᠯ ᠦᠨ ᠠᠵᠢᠯ ᠢ ᠰᠠᠶᠢᠵᠢᠷᠠᠭᠤᠯᠬᠤ ᠳᠤ ᠪᠠᠭᠰᠢ ᠨᠠᠷ ᠤᠨ ᠦᠦᠷᠭᠡ ᠶᠢ ᠲᠣᠳᠣᠷᠬᠠᠶᠢᠯᠠᠬᠤ ᠬᠡᠷᠡᠭᠲᠡᠢ ᠂ ᠰᠤᠷᠤᠭᠴᠢᠳ ᠤᠨ ᠰᠡᠳᠬᠢᠯ ᠰᠠᠨᠠᠭ᠎ᠠ ᠶᠢ ᠬᠥᠬᠢᠵᠢᠭᠦᠯᠬᠦ ᠪᠠ ᠰᠤᠷᠭᠠᠨ ᠬᠦᠮᠦᠵᠢᠯ ᠦᠨ ᠴᠢᠨᠠᠷ ᠢ ᠳᠡᠭᠡᠭᠰᠢᠯᠡᠭᠦᠯᠬᠦ ᠶᠢ ᠵᠣᠷᠢᠯᠭ᠎ᠠ ᠪᠣᠯᠭᠠᠨ᠎ᠠ ᠃ ᠰᠤᠷᠭᠠᠭᠤᠯᠢ ᠶᠢᠨ ᠰᠤᠷᠭᠠᠨ ᠬᠦᠮᠦᠵᠢᠯ ᠦᠨ ᠠᠵᠢᠯ ᠢ ᠰᠠᠶᠢᠵᠢᠷᠠᠭᠤᠯᠬᠤ ᠳᠤ ᠪᠠᠭᠰᠢ ᠨᠠᠷ ᠤᠨ ᠦᠦᠷᠭᠡ ᠶᠢ ᠲᠣᠳᠣᠷᠬᠠᠶᠢᠯᠠᠬᠤ ᠬᠡᠷᠡᠭᠲᠡᠢ ᠂ ᠰᠤᠷᠤᠭᠴᠢᠳ ᠤᠨ ᠰᠡᠳᠬᠢᠯ ᠰᠠᠨᠠᠭ᠎ᠠ ᠶᠢ ᠬᠥᠬᠢᠵᠢᠭᠦᠯᠬᠦ ᠪᠠ ᠰᠤᠷᠭᠠᠨ ᠬᠦᠮᠦᠵᠢᠯ ᠦᠨ ᠴᠢᠨᠠᠷ ᠢ ᠳᠡᠭᠡᠭᠰᠢᠯᠡᠭᠦᠯᠬᠦ ᠶᠢ ᠵᠣᠷᠢᠯᠭ᠎ᠠ ᠪᠣᠯᠭᠠᠨ᠎ᠠ ᠃ ᠰᠤᠷᠭᠠᠭᠤᠯᠢ ᠶᠢᠨ ᠰᠤᠷᠭᠠᠨ ᠬᠦᠮᠦᠵᠢᠯ ᠦᠨ ᠠᠵᠢᠯ ᠢ ᠰᠠᠶᠢᠵᠢᠷᠠᠭᠤᠯᠬᠤ ᠳᠤ ᠪᠠᠭᠰᠢ ᠨᠠᠷ ᠤᠨ ᠦᠦᠷᠭᠡ ᠶᠢ ᠲᠣᠳᠣᠷᠬᠠᠶᠢᠯᠠᠬᠤ ᠬᠡᠷᠡᠭᠲᠡᠢ ᠂ ᠰᠤᠷᠤᠭᠴᠢᠳ ᠤᠨ ᠰᠡᠳᠬᠢᠯ ᠰᠠᠨᠠᠭ᠎ᠠ ᠶᠢ ᠬᠥᠬᠢᠵᠢᠭᠦᠯᠬᠦ ᠪᠠ ᠰᠤᠷᠭᠠᠨ ᠬᠦᠮᠦᠵᠢᠯ ᠦᠨ ᠴᠢᠨᠠᠷ ᠢ ᠳᠡᠭᠡᠭᠰᠢᠯᠡᠭᠦᠯᠬᠦ ᠶᠢ ᠵᠣᠷᠢᠯᠭ᠎ᠠ ᠪᠣᠯᠭᠠᠨ᠎ᠠ ᠃ ᠰᠤᠷᠭᠠᠭᠤᠯᠢ ᠶᠢᠨ ᠰᠤᠷᠭᠠᠨ ᠬᠦᠮᠦᠵᠢᠯ ᠦᠨ ᠠᠵᠢᠯ ᠢ ᠰᠠᠶᠢᠵᠢᠷᠠᠭᠤᠯᠬᠤ ᠳᠤ ᠪᠠᠭᠰᠢ ᠨᠠᠷ ᠤᠨ ᠦᠦᠷᠭᠡ ᠶᠢ ᠲᠣᠳᠣᠷᠬᠠᠶᠢᠯᠠᠬᠤ ᠬᠡᠷᠡᠭᠲᠡᠢ ᠂ ᠰᠤᠷᠤᠭᠴᠢᠳ ᠤᠨ ᠰᠡᠳᠬᠢᠯ ᠰᠠᠨᠠᠭ᠎ᠠ ᠶᠢ ᠬᠥᠬᠢᠵᠢᠭᠦᠯᠬᠦ ᠪᠠ ᠰᠤᠷᠭᠠᠨ ᠬᠦᠮᠦᠵᠢᠯ ᠦᠨ ᠴᠢᠨᠠᠷ ᠢ ᠳᠡᠭᠡᠭᠰᠢᠯᠡᠭᠦᠯᠬᠦ ᠶᠢ ᠵᠣᠷᠢᠯᠭ᠎ᠠ ᠪᠣᠯᠭᠠᠨ᠎ᠠ ᠃ ᠰᠤᠷᠭᠠᠭᠤᠯᠢ ᠶᠢᠨ ᠰᠤᠷᠭᠠᠨ ᠬᠦᠮᠦᠵᠢᠯ ᠦᠨ ᠠᠵᠢᠯ ᠢ ᠰᠠᠶᠢᠵᠢᠷᠠᠭᠤᠯᠬᠤ ᠳᠤ ᠪᠠᠭᠰᠢ ᠨᠠᠷ ᠤᠨ ᠦᠦᠷᠭᠡ ᠶᠢ ᠲᠣᠳᠣᠷᠬᠠᠶᠢᠯᠠᠬᠤ ᠬᠡᠷᠡᠭᠲᠡᠢ ᠂ ᠰᠤᠷᠤᠭᠴᠢᠳ ᠤᠨ ᠰᠡᠳᠬᠢᠯ ᠰᠠᠨᠠᠭ᠎ᠠ ᠶᠢ ᠬᠥᠬᠢᠵᠢᠭᠦᠯᠬᠦ ᠪᠠ ᠰᠤᠷᠭᠠᠨ ᠬᠦᠮᠦᠵᠢᠯ ᠦᠨ ᠴᠢᠨᠠᠷ ᠢ ᠳᠡᠭᠡᠭᠰᠢᠯᠡᠭᠦᠯᠬᠦ ᠶᠢ ᠵᠣᠷᠢᠯᠭ᠎ᠠ ᠪᠣᠯᠭᠠᠨ᠎ᠠ ᠃ ᠰᠤᠷᠭᠠᠭᠤᠯᠢ ᠶᠢᠨ ᠰᠤᠷᠭᠠᠨ ᠬᠦᠮᠦᠵᠢᠯ ᠦᠨ ᠠᠵᠢᠯ ᠢ ᠰᠠᠶᠢᠵᠢᠷᠠᠭᠤᠯᠬᠤ ᠳᠤ ᠪᠠᠭᠰᠢ ᠨᠠᠷ ᠤᠨ ᠦᠦᠷᠭᠡ ᠶᠢ ᠲᠣᠳᠣᠷᠬᠠᠶᠢᠯᠠᠬᠤ ᠬᠡᠷᠡᠭᠲᠡᠢ ᠂ ᠰᠤᠷᠤᠭᠴᠢᠳ ᠤᠨ ᠰᠡᠳᠬᠢᠯ ᠰᠠᠨᠠᠭ᠎ᠠ ᠶᠢ ᠬᠥᠬᠢᠵᠢᠭᠦᠯᠬᠦ ᠪᠠ ᠰᠤᠷᠭᠠᠨ ᠬᠦᠮᠦᠵᠢᠯ ᠦᠨ ᠴᠢᠨᠠᠷ ᠢ ᠳᠡᠭᠡᠭᠰᠢᠯᠡᠭᠦᠯᠬᠦ ᠶᠢ ᠵᠣᠷᠢᠯᠭ᠎ᠠ ᠪᠣᠯᠭᠠᠨ᠎ᠠ ᠃ ᠰᠤᠷᠭᠠᠭᠤᠯᠢ ᠶᠢᠨ ᠰᠤᠷᠭᠠᠨ ᠬᠦᠮᠦᠵᠢᠯ ᠦᠨ ᠠᠵᠢᠯ ᠢ ᠰᠠᠶᠢᠵᠢᠷᠠᠭᠤᠯᠬᠤ ᠳᠤ ᠪᠠᠭᠰᠢ ᠨᠠᠷ ᠤᠨ ᠦᠦᠷᠭᠡ ᠶᠢ ᠲᠣᠳᠣᠷᠬᠠᠶᠢᠯᠠᠬᠤ ᠬᠡᠷᠡᠭᠲᠡᠢ ᠂ ᠰᠤᠷᠤᠭᠴᠢᠳ ᠤᠨ ᠰᠡᠳᠬᠢᠯ ᠰᠠᠨᠠᠭ᠎ᠠ ᠶᠢ ᠬᠥᠬᠢᠵᠢᠭᠦᠯᠬᠦ ᠪᠠ ᠰᠤᠷᠭᠠᠨ ᠬᠦᠮᠦᠵᠢᠯ ᠦᠨ ᠴᠢᠨᠠᠷ ᠢ ᠳᠡᠭᠡᠭᠰᠢᠯᠡᠭᠦᠯᠬᠦ ᠶᠢ ᠵᠣᠷᠢᠯᠭ᠎ᠠ ᠪᠣᠯᠭᠠᠨ᠎ᠠ ᠃ ᠰᠤᠷᠭᠠᠭᠤᠯᠢ ᠶᠢᠨ ᠰᠤᠷᠭᠠᠨ ᠬᠦᠮᠦᠵᠢᠯ ᠦᠨ ᠠᠵᠢᠯ ᠢ ᠰᠠᠶᠢᠵᠢᠷᠠᠭᠤᠯᠬᠤ ᠳᠤ ᠪᠠᠭᠰᠢ ᠨᠠᠷ ᠤᠨ ᠦᠦᠷᠭᠡ ᠶᠢ ᠲᠣᠳᠣᠷᠬᠠᠶᠢᠯᠠᠬᠤ ᠬᠡᠷᠡᠭᠲᠡᠢ ᠂ ᠰᠤᠷᠤᠭᠴᠢᠳ ᠤᠨ ᠰᠡᠳᠬᠢᠯ ᠰᠠᠨᠠᠭ᠎ᠠ ᠶᠢ ᠬᠥᠬᠢᠵᠢᠭᠦᠯᠬᠦ ᠪᠠ ᠰᠤᠷᠭᠠᠨ ᠬᠦᠮᠦᠵᠢᠯ ᠦᠨ ᠴᠢᠨᠠᠷ ᠢ ᠳᠡᠭᠡᠭᠰᠢᠯᠡᠭᠦᠯᠬᠦ ᠶᠢ ᠵᠣᠷᠢᠯᠭ᠎ᠠ ᠪᠣᠯᠭᠠᠨ᠎ᠠ ᠃ ᠰᠤᠷᠭᠠᠭᠤᠯᠢ ᠶᠢᠨ ᠰᠤᠷᠭᠠᠨ ᠬᠦᠮᠦᠵᠢᠯ ᠦᠨ ᠠᠵᠢᠯ ᠢ ᠰᠠᠶᠢᠵᠢᠷᠠᠭᠤᠯᠬᠤ ᠳᠤ ᠪᠠᠭᠰᠢ ᠨᠠᠷ ᠤᠨ ᠦᠦᠷᠭᠡ ᠶᠢ ᠲᠣᠳᠣᠷᠬᠠᠶᠢᠯᠠᠬᠤ ᠬᠡᠷᠡᠭᠲᠡᠢ ᠂ ᠰᠤᠷᠤᠭᠴᠢᠳ ᠤᠨ ᠰᠡᠳᠬᠢᠯ ᠰᠠᠨᠠᠭ᠎ᠠ ᠶᠢ ᠬᠥᠬᠢᠵᠢᠭᠦᠯᠬᠦ ᠪᠠ ᠰᠤᠷᠭᠠᠨ ᠬᠦᠮᠦᠵᠢᠯ ᠦᠨ ᠴᠢᠨᠠᠷ ᠢ ᠳᠡᠭᠡᠭᠰᠢᠯᠡᠭᠦᠯᠬᠦ ᠶᠢ ᠵᠣᠷᠢᠯᠭ᠎ᠠ ᠪᠣᠯᠭᠠᠨ᠎ᠠ ᠃ ᠰᠤᠷᠭᠠᠭᠤᠯᠢ ᠶᠢᠨ ᠰᠤᠷᠭᠠᠨ ᠬᠦᠮᠦᠵᠢᠯ ᠦᠨ ᠠᠵᠢᠯ ᠢ ᠰᠠᠶᠢᠵᠢᠷᠠᠭᠤᠯᠬᠤ ᠳᠤ ᠪᠠᠭᠰᠢ ᠨᠠᠷ ᠤᠨ ᠦᠦᠷᠭᠡ ᠶᠢ ᠲᠣᠳᠣᠷᠬᠠᠶᠢᠯᠠᠬᠤ ᠬᠡᠷᠡᠭᠲᠡᠢ ᠂ ᠰᠤᠷᠤᠭᠴᠢᠳ ᠤᠨ ᠰᠡᠳᠬᠢᠯ ᠰᠠᠨᠠᠭ᠎ᠠ ᠶᠢ ᠬᠥᠬᠢᠵᠢᠭᠦᠯᠬᠦ ᠪᠠ ᠰᠤᠷᠭᠠᠨ ᠬᠦᠮᠦᠵᠢᠯ ᠦᠨ ᠴᠢᠨᠠᠷ ᠢ ᠳᠡᠭᠡᠭᠰᠢᠯᠡᠭᠦᠯᠬᠦ ᠶᠢ ᠵᠣᠷᠢᠯᠭ᠎ᠠ ᠪᠣᠯᠭᠠᠨ᠎ᠠ ᠃ ᠰᠤᠷᠭᠠᠭᠤᠯᠢ ᠶᠢᠨ ᠰᠤᠷᠭᠠᠨ ᠬᠦᠮᠦᠵᠢᠯ ᠦᠨ ᠠᠵᠢᠯ ᠢ ᠰᠠᠶᠢᠵᠢᠷᠠᠭᠤᠯᠬᠤ ᠳᠤ ᠪᠠᠭᠰᠢ ᠨᠠᠷ ᠤᠨ ᠦᠦᠷᠭᠡ ᠶᠢ ᠲᠣᠳᠣᠷᠬᠠᠶᠢᠯᠠᠬᠤ ᠬᠡᠷᠡᠭᠲᠡᠢ ᠂ ᠰᠤᠷᠤᠭᠴᠢᠳ ᠤᠨ ᠰᠡᠳᠬᠢᠯ ᠰᠠᠨᠠᠭ᠎ᠠ ᠶᠢ ᠬᠥᠬᠢᠵᠢᠭᠦᠯᠬᠦ ᠪᠠ ᠰᠤᠷᠭᠠᠨ ᠬᠦᠮᠦᠵᠢᠯ ᠦᠨ ᠴᠢᠨᠠᠷ ᠢ ᠳᠡᠭᠡᠭᠰᠢᠯᠡᠭᠦᠯᠬᠦ ᠶᠢ ᠵᠣᠷᠢᠯᠭ᠎ᠠ ᠪᠣᠯᠭᠠᠨ᠎ᠠ ᠃ ᠰᠤᠷᠭᠠᠭᠤᠯᠢ ᠶᠢᠨ ᠰᠤᠷᠭᠠᠨ ᠬᠦᠮᠦᠵᠢᠯ ᠦᠨ ᠠᠵᠢᠯ ᠢ ᠰᠠᠶᠢᠵᠢᠷᠠᠭᠤᠯᠬᠤ ᠳᠤ ᠪᠠᠭᠰᠢ ᠨᠠᠷ ᠤᠨ ᠦᠦᠷᠭᠡ ᠶᠢ ᠲᠣᠳᠣᠷᠬᠠᠶᠢᠯᠠᠬᠤ ᠬᠡᠷᠡᠭᠲᠡᠢ ᠂ ᠰᠤᠷᠤᠭᠴᠢᠳ ᠤᠨ ᠰᠡᠳᠬᠢᠯ ᠰᠠᠨᠠᠭ᠎ᠠ ᠶᠢ ᠬᠥᠬᠢᠵᠢᠭᠦᠯᠬᠦ ᠪᠠ ᠰᠤᠷᠭᠠᠨ ᠬᠦᠮᠦᠵᠢᠯ ᠦᠨ ᠴᠢᠨᠠᠷ ᠢ ᠳᠡᠭᠡᠭᠰᠢᠯᠡᠭᠦᠯᠬᠦ ᠶᠢ ᠵᠣᠷᠢᠯᠭ᠎ᠠ ᠪᠣᠯᠭᠠᠨ᠎ᠠ ᠃ ᠰᠤᠷᠭᠠᠭᠤᠯᠢ ᠶᠢᠨ ᠰᠤᠷᠭᠠᠨ ᠬᠦᠮᠦᠵᠢᠯ ᠦᠨ ᠠᠵᠢᠯ ᠢ ᠰᠠᠶᠢᠵᠢᠷᠠᠭᠤᠯᠬᠤ ᠳᠤ ᠪᠠᠭᠰᠢ ᠨᠠᠷ ᠤᠨ ᠦᠦᠷᠭᠡ ᠶᠢ ᠲᠣᠳᠣᠷᠬᠠᠶᠢᠯᠠᠬᠤ ᠬᠡᠷᠡᠭᠲᠡᠢ ᠂ ᠰᠤᠷᠤᠭᠴᠢᠳ ᠤᠨ ᠰᠡᠳᠬᠢᠯ ᠰᠠᠨᠠᠭ᠎ᠠ ᠶᠢ ᠬᠥᠬᠢᠵᠢᠭᠦᠯᠬᠦ ᠪᠠ ᠰᠤᠷᠭᠠᠨ ᠬᠦᠮᠦᠵᠢᠯ ᠦᠨ ᠴᠢᠨᠠᠷ ᠢ ᠳᠡᠭᠡᠭᠰᠢᠯᠡᠭᠦᠯᠬᠦ ᠶᠢ ᠵᠣᠷᠢᠯᠭ᠎ᠠ ᠪᠣᠯᠭᠠᠨ᠎ᠠ ᠃ ᠰᠤᠷᠭᠠᠭᠤᠯᠢ ᠶᠢᠨ ᠰᠤᠷᠭᠠᠨ ᠬᠦᠮᠦᠵᠢᠯ ᠦᠨ ᠠᠵᠢᠯ ᠢ ᠰᠠᠶᠢᠵᠢᠷᠠᠭᠤᠯᠬᠤ ᠳᠤ ᠪᠠᠭᠰᠢ ᠨᠠᠷ ᠤᠨ ᠦᠦᠷᠭᠡ ᠶᠢ ᠲᠣᠳᠣᠷᠬᠠᠶᠢᠯᠠᠬᠤ ᠬᠡᠷᠡᠭᠲᠡᠢ ᠂ ᠰᠤᠷᠤᠭᠴᠢᠳ ᠤᠨ ᠰᠡᠳᠬᠢᠯ ᠰᠠᠨᠠᠭ᠎ᠠ ᠶᠢ ᠬᠥᠬᠢᠵᠢᠭᠦᠯᠬᠦ ᠪᠠ ᠰᠤᠷᠭᠠᠨ ᠬᠦᠮᠦᠵᠢᠯ ᠦᠨ ᠴᠢᠨᠠᠷ ᠢ ᠳᠡᠭᠡᠭᠰᠢᠯᠡᠭᠦᠯᠬᠦ ᠶᠢ ᠵᠣᠷᠢᠯᠭ᠎ᠠ ᠪᠣᠯᠭᠠᠨ᠎ᠠ ᠃ ᠰᠤᠷᠭᠠᠭᠤᠯᠢ ᠶᠢᠨ ᠰᠤᠷᠭᠠᠨ ᠬᠦᠮᠦᠵᠢᠯ ᠦᠨ ᠠᠵᠢᠯ ᠢ ᠰᠠᠶᠢᠵᠢᠷᠠᠭᠤᠯᠬᠤ ᠳᠤ ᠪᠠᠭᠰᠢ ᠨᠠᠷ ᠤᠨ ᠦᠦᠷᠭᠡ ᠶᠢ ᠲᠣᠳᠣᠷᠬᠠᠶᠢᠯᠠᠬᠤ ᠬᠡᠷᠡᠭᠲᠡᠢ ᠂ ᠰᠤᠷᠤᠭᠴᠢᠳ ᠤᠨ ᠰᠡᠳᠬᠢᠯ ᠰᠠᠨᠠᠭ᠎ᠠ ᠶᠢ ᠬᠥᠬᠢᠵᠢᠭᠦᠯᠬᠦ ᠪᠠ ᠰᠤᠷᠭᠠᠨ ᠬᠦᠮᠦᠵᠢᠯ ᠦᠨ ᠴᠢᠨᠠᠷ ᠢ ᠳᠡᠭᠡᠭᠰᠢᠯᠡᠭᠦᠯᠬᠦ ᠶᠢ ᠵᠣᠷᠢᠯᠭ᠎ᠠ ᠪᠣᠯᠭᠠᠨ᠎ᠠ ᠃ ᠰᠤᠷᠭᠠᠭᠤᠯᠢ ᠶᠢᠨ ᠰᠤᠷᠭᠠᠨ ᠬᠦᠮᠦᠵᠢᠯ ᠦᠨ ᠠᠵᠢᠯ ᠢ ᠰᠠᠶᠢᠵᠢᠷᠠᠭᠤᠯᠬᠤ ᠳᠤ ᠪᠠᠭᠰᠢ ᠨᠠᠷ ᠤᠨ ᠦᠦᠷᠭᠡ ᠶᠢ ᠲᠣᠳᠣᠷᠬᠠᠶᠢᠯᠠᠬᠤ ᠬᠡᠷᠡᠭᠲᠡᠢ ᠂ ᠰᠤᠷᠤᠭᠴᠢᠳ ᠤᠨ ᠰᠡᠳᠬᠢᠯ ᠰᠠᠨᠠᠭ᠎ᠠ ᠶᠢ ᠬᠥᠬᠢᠵᠢᠭᠦᠯᠬᠦ ᠪᠠ ᠰᠤᠷᠭᠠᠨ ᠬᠦᠮᠦᠵᠢᠯ ᠦᠨ ᠴᠢᠨᠠᠷ ᠢ ᠳᠡᠭᠡᠭᠰᠢᠯᠡᠭᠦᠯᠬᠦ ᠶᠢ ᠵᠣᠷᠢᠯᠭ᠎ᠠ ᠪᠣᠯᠭᠠᠨ᠎ᠠ ᠃
ᠰᠤᠷᠭᠠᠭᠤᠯᠢ ᠶᠢᠨ ᠰᠤᠷᠭᠠᠨ ᠬᠦᠮᠦᠵᠢᠯ ᠦᠨ ᠠᠵᠢᠯ ᠢ ᠰᠠᠶᠢᠵᠢᠷᠠᠭᠤᠯᠬᠤ ᠳᠤ ᠪᠠᠭᠰᠢ ᠨᠠᠷ ᠤᠨ ᠦᠦᠷᠭᠡ ᠶᠢ ᠲᠣᠳᠣᠷᠬᠠᠶᠢᠯᠠᠬᠤ ᠬᠡᠷᠡᠭᠲᠡᠢ ᠂ ᠰᠤᠷᠤᠭᠴᠢᠳ ᠤᠨ ᠰᠡᠳᠬᠢᠯ ᠰᠠᠨᠠᠭ᠎ᠠ ᠶᠢ ᠬᠥᠬᠢᠵᠢᠭᠦᠯᠬᠦ ᠪᠠ ᠰᠤᠷᠭᠠᠨ ᠬᠦᠮᠦᠵᠢᠯ ᠦᠨ ᠴᠢᠨᠠᠷ ᠢ ᠳᠡᠭᠡᠭᠰᠢᠯᠡᠭᠦᠯᠬᠦ ᠶᠢ ᠵᠣᠷᠢᠯᠭ᠎ᠠ ᠪᠣᠯᠭᠠᠨ᠎ᠠ ᠃ ᠰᠤᠷᠭᠠᠭᠤᠯᠢ ᠶᠢᠨ ᠰᠤᠷᠭᠠᠨ ᠬᠦᠮᠦᠵᠢᠯ ᠦᠨ ᠠᠵᠢᠯ ᠢ ᠰᠠᠶᠢᠵᠢᠷᠠᠭᠤᠯᠬᠤ ᠳᠤ ᠪᠠᠭᠰᠢ ᠨᠠᠷ ᠤᠨ ᠦᠦᠷᠭᠡ ᠶᠢ ᠲᠣᠳᠣᠷᠬᠠᠶᠢᠯᠠᠬᠤ ᠬᠡᠷᠡᠭᠲᠡᠢ ᠂ ᠰᠤᠷᠤᠭᠴᠢᠳ ᠤᠨ ᠰᠡᠳᠬᠢᠯ ᠰᠠᠨᠠᠭ᠎ᠠ ᠶᠢ ᠬᠥᠬᠢᠵᠢᠭᠦᠯᠬᠦ ᠪᠠ ᠰᠤᠷᠭᠠᠨ ᠬᠦᠮᠦᠵᠢᠯ ᠦᠨ ᠴᠢᠨᠠᠷ ᠢ ᠳᠡᠭᠡᠭᠰᠢᠯᠡᠭᠦᠯᠬᠦ ᠶᠢ ᠵᠣᠷᠢᠯᠭ᠎ᠠ ᠪᠣᠯᠭᠠᠨ᠎ᠠ ᠃ ᠰᠤᠷᠭᠠᠭᠤᠯᠢ ᠶᠢᠨ ᠰᠤᠷᠭᠠᠨ ᠬᠦᠮᠦᠵᠢᠯ ᠦᠨ ᠠᠵᠢᠯ ᠢ ᠰᠠᠶᠢᠵᠢᠷᠠᠭᠤᠯᠬᠤ ᠳᠤ ᠪᠠᠭᠰᠢ ᠨᠠᠷ ᠤᠨ ᠦᠦᠷᠭᠡ ᠶᠢ ᠲᠣᠳᠣᠷᠬᠠᠶᠢᠯᠠᠬᠤ ᠬᠡᠷᠡᠭᠲᠡᠢ ᠂ ᠰᠤᠷᠤᠭᠴᠢᠳ ᠤᠨ ᠰᠡᠳᠬᠢᠯ ᠰᠠᠨᠠᠭ᠎ᠠ ᠶᠢ ᠬᠥᠬᠢᠵᠢᠭᠦᠯᠬᠦ ᠪᠠ ᠰᠤᠷᠭᠠᠨ ᠬᠦᠮᠦᠵᠢᠯ ᠦᠨ ᠴᠢᠨᠠᠷ ᠢ ᠳᠡᠭᠡᠭᠰᠢᠯᠡᠭᠦᠯᠬᠦ ᠶᠢ ᠵᠣᠷᠢᠯᠭ᠎ᠠ ᠪᠣᠯᠭᠠᠨ᠎ᠠ ᠃ ᠰᠤᠷᠭᠠᠭᠤᠯᠢ ᠶᠢᠨ ᠰᠤᠷᠭᠠᠨ ᠬᠦᠮᠦᠵᠢᠯ ᠦᠨ ᠠᠵᠢᠯ ᠢ ᠰᠠᠶᠢᠵᠢᠷᠠᠭᠤᠯᠬᠤ ᠳᠤ ᠪᠠᠭᠰᠢ ᠨᠠᠷ ᠤᠨ ᠦᠦᠷᠭᠡ ᠶᠢ ᠲᠣᠳᠣᠷᠬᠠᠶᠢᠯᠠᠬᠤ ᠬᠡᠷᠡᠭᠲᠡᠢ ᠂ ᠰᠤᠷᠤᠭᠴᠢᠳ ᠤᠨ ᠰᠡᠳᠬᠢᠯ ᠰᠠᠨᠠᠭ᠎ᠠ ᠶᠢ ᠬᠥᠬᠢᠵᠢᠭᠦᠯᠬᠦ ᠪᠠ ᠰᠤᠷᠭᠠᠨ ᠬᠦᠮᠦᠵᠢᠯ ᠦᠨ ᠴᠢᠨᠠᠷ ᠢ ᠳᠡᠭᠡᠭᠰᠢᠯᠡᠭᠦᠯᠬᠦ ᠶᠢ ᠵᠣᠷᠢᠯᠭ᠎ᠠ ᠪᠣᠯᠭᠠᠨ᠎ᠠ ᠃ ᠰᠤᠷᠭᠠᠭᠤᠯᠢ ᠶᠢᠨ ᠰᠤᠷᠭᠠᠨ ᠬᠦᠮᠦᠵᠢᠯ ᠦᠨ ᠠᠵᠢᠯ ᠢ ᠰᠠᠶᠢᠵᠢᠷᠠᠭᠤᠯᠬᠤ ᠳᠤ ᠪᠠᠭᠰᠢ ᠨᠠᠷ ᠤᠨ ᠦᠦᠷᠭᠡ ᠶᠢ ᠲᠣᠳᠣᠷᠬᠠᠶᠢᠯᠠᠬᠤ ᠬᠡᠷᠡᠭᠲᠡᠢ ᠂ ᠰᠤᠷᠤᠭᠴᠢᠳ ᠤᠨ ᠰᠡᠳᠬᠢᠯ ᠰᠠᠨᠠᠭ᠎ᠠ ᠶᠢ ᠬᠥᠬᠢᠵᠢᠭᠦᠯᠬᠦ ᠪᠠ ᠰᠤᠷᠭᠠᠨ ᠬᠦᠮᠦᠵᠢᠯ ᠦᠨ ᠴᠢᠨᠠᠷ ᠢ ᠳᠡᠭᠡᠭᠰᠢᠯᠡᠭᠦᠯᠬᠦ ᠶᠢ ᠵᠣᠷᠢᠯᠭ᠎ᠠ ᠪᠣᠯᠭᠠᠨ᠎ᠠ ᠃ ᠰᠤᠷᠭᠠᠭᠤᠯᠢ ᠶᠢᠨ ᠰᠤᠷᠭᠠᠨ ᠬᠦᠮᠦᠵᠢᠯ ᠦᠨ ᠠᠵᠢᠯ ᠢ ᠰᠠᠶᠢᠵᠢᠷᠠᠭᠤᠯᠬᠤ ᠳᠤ ᠪᠠᠭᠰᠢ ᠨᠠᠷ ᠤᠨ ᠦᠦᠷᠭᠡ ᠶᠢ ᠲᠣᠳᠣᠷᠬᠠᠶᠢᠯᠠᠬᠤ ᠬᠡᠷᠡᠭᠲᠡᠢ ᠂ ᠰᠤᠷᠤᠭᠴᠢᠳ ᠤᠨ ᠰᠡᠳᠬᠢᠯ ᠰᠠᠨᠠᠭ᠎ᠠ ᠶᠢ ᠬᠥᠬᠢᠵᠢᠭᠦᠯᠬᠦ ᠪᠠ ᠰᠤᠷᠭᠠᠨ ᠬᠦᠮᠦᠵᠢᠯ ᠦᠨ ᠴᠢᠨᠠᠷ ᠢ ᠳᠡᠭᠡᠭᠰᠢᠯᠡᠭᠦᠯᠬᠦ ᠶᠢ ᠵᠣᠷᠢᠯᠭ᠎ᠠ ᠪᠣᠯᠭᠠᠨ᠎ᠠ ᠃ ᠰᠤᠷᠭᠠᠭᠤᠯᠢ ᠶᠢᠨ ᠰᠤᠷᠭᠠᠨ ᠬᠦᠮᠦᠵᠢᠯ ᠦᠨ ᠠᠵᠢᠯ ᠢ ᠰᠠᠶᠢᠵᠢᠷᠠᠭᠤᠯᠬᠤ ᠳᠤ ᠪᠠᠭᠰᠢ ᠨᠠᠷ ᠤᠨ ᠦᠦᠷᠭᠡ ᠶᠢ ᠲᠣᠳᠣᠷᠬᠠᠶᠢᠯᠠᠬᠤ ᠬᠡᠷᠡᠭᠲᠡᠢ ᠂ ᠰᠤᠷᠤᠭᠴᠢᠳ ᠤᠨ ᠰᠡᠳᠬᠢᠯ ᠰᠠᠨᠠᠭ᠎ᠠ ᠶᠢ ᠬᠥᠬᠢᠵᠢᠭᠦᠯᠬᠦ ᠪᠠ ᠰᠤᠷᠭᠠᠨ ᠬᠦᠮᠦᠵᠢᠯ ᠦᠨ ᠴᠢᠨᠠᠷ ᠢ ᠳᠡᠭᠡᠭᠰᠢᠯᠡᠭᠦᠯᠬᠦ ᠶᠢ ᠵᠣᠷᠢᠯᠭ᠎ᠠ ᠪᠣᠯᠭᠠᠨ᠎ᠠ ᠃ ᠰᠤᠷᠭᠠᠭᠤᠯᠢ ᠶᠢᠨ ᠰᠤᠷᠭᠠᠨ ᠬᠦᠮᠦᠵᠢᠯ ᠦᠨ ᠠᠵᠢᠯ ᠢ ᠰᠠᠶᠢᠵᠢᠷᠠᠭᠤᠯᠬᠤ ᠳᠤ ᠪᠠᠭᠰᠢ ᠨᠠᠷ ᠤᠨ ᠦᠦᠷᠭᠡ ᠶᠢ ᠲᠣᠳᠣᠷᠬᠠᠶᠢᠯᠠᠬᠤ ᠬᠡᠷᠡᠭᠲᠡᠢ ᠂ ᠰᠤᠷᠤᠭᠴᠢᠳ ᠤᠨ ᠰᠡᠳᠬᠢᠯ ᠰᠠᠨᠠᠭ᠎ᠠ ᠶᠢ ᠬᠥᠬᠢᠵᠢᠭᠦᠯᠬᠦ ᠪᠠ ᠰᠤᠷᠭᠠᠨ ᠬᠦᠮᠦᠵᠢᠯ ᠦᠨ ᠴᠢᠨᠠᠷ ᠢ ᠳᠡᠭᠡᠭᠰᠢᠯᠡᠭᠦᠯᠬᠦ ᠶᠢ ᠵᠣᠷᠢᠯᠭ᠎ᠠ ᠪᠣᠯᠭᠠᠨ᠎ᠠ ᠃ ᠰᠤᠷᠭᠠᠭᠤᠯᠢ ᠶᠢᠨ ᠰᠤᠷᠭᠠᠨ ᠬᠦᠮᠦᠵᠢᠯ ᠦᠨ ᠠᠵᠢᠯ ᠢ ᠰᠠᠶᠢᠵᠢᠷᠠᠭᠤᠯᠬᠤ ᠳᠤ ᠪᠠᠭᠰᠢ ᠨᠠᠷ ᠤᠨ ᠦᠦᠷᠭᠡ ᠶᠢ ᠲᠣᠳᠣᠷᠬᠠᠶᠢᠯᠠᠬᠤ ᠬᠡᠷᠡᠭᠲᠡᠢ ᠂ ᠰᠤᠷᠤᠭᠴᠢᠳ ᠤᠨ ᠰᠡᠳᠬᠢᠯ ᠰᠠᠨᠠᠭ᠎ᠠ ᠶᠢ ᠬᠥᠬᠢᠵᠢᠭᠦᠯᠬᠦ ᠪᠠ ᠰᠤᠷᠭᠠᠨ ᠬᠦᠮᠦᠵᠢᠯ ᠦᠨ ᠴᠢᠨᠠᠷ ᠢ ᠳᠡᠭᠡᠭᠰᠢᠯᠡᠭᠦᠯᠬᠦ ᠶᠢ ᠵᠣᠷᠢᠯᠭ᠎ᠠ ᠪᠣᠯᠭᠠᠨ᠎ᠠ ᠃ ᠰᠤᠷᠭᠠᠭᠤᠯᠢ ᠶᠢᠨ ᠰᠤᠷᠭᠠᠨ ᠬᠦᠮᠦᠵᠢᠯ ᠦᠨ ᠠᠵᠢᠯ ᠢ ᠰᠠᠶᠢᠵᠢᠷᠠᠭᠤᠯᠬᠤ ᠳᠤ ᠪᠠᠭᠰᠢ ᠨᠠᠷ ᠤᠨ ᠦᠦᠷᠭᠡ ᠶᠢ ᠲᠣᠳᠣᠷᠬᠠᠶᠢᠯᠠᠬᠤ ᠬᠡᠷᠡᠭᠲᠡᠢ ᠂ ᠰᠤᠷᠤᠭᠴᠢᠳ ᠤᠨ ᠰᠡᠳᠬᠢᠯ ᠰᠠᠨᠠᠭ᠎ᠠ ᠶᠢ ᠬᠥᠬᠢᠵᠢᠭᠦᠯᠬᠦ ᠪᠠ ᠰᠤᠷᠭᠠᠨ ᠬᠦᠮᠦᠵᠢᠯ ᠦᠨ ᠴᠢᠨᠠᠷ ᠢ ᠳᠡᠭᠡᠭᠰᠢᠯᠡᠭᠦᠯᠬᠦ ᠶᠢ ᠵᠣᠷᠢᠯᠭ᠎ᠠ ᠪᠣᠯᠭᠠᠨ᠎ᠠ ᠃ ᠰᠤᠷᠭᠠᠭᠤᠯᠢ ᠶᠢᠨ ᠰᠤᠷᠭᠠᠨ ᠬᠦᠮᠦᠵᠢᠯ ᠦᠨ ᠠᠵᠢᠯ ᠢ ᠰᠠᠶᠢᠵᠢᠷᠠᠭᠤᠯᠬᠤ ᠳᠤ ᠪᠠᠭᠰᠢ ᠨᠠᠷ ᠤᠨ ᠦᠦᠷᠭᠡ ᠶᠢ ᠲᠣᠳᠣᠷᠬᠠᠶᠢᠯᠠᠬᠤ ᠬᠡᠷᠡᠭᠲᠡᠢ ᠂ ᠰᠤᠷᠤᠭᠴᠢᠳ ᠤᠨ ᠰᠡᠳᠬᠢᠯ ᠰᠠᠨᠠᠭ᠎ᠠ ᠶᠢ ᠬᠥᠬᠢᠵᠢᠭᠦᠯᠬᠦ ᠪᠠ ᠰᠤᠷᠭᠠᠨ ᠬᠦᠮᠦᠵᠢᠯ ᠦᠨ ᠴᠢᠨᠠᠷ ᠢ ᠳᠡᠭᠡᠭᠰᠢᠯᠡᠭᠦᠯᠬᠦ ᠶᠢ ᠵᠣᠷᠢᠯᠭ᠎ᠠ ᠪᠣᠯᠭᠠᠨ᠎ᠠ ᠃ ᠰᠤᠷᠭᠠᠭᠤᠯᠢ ᠶᠢᠨ ᠰᠤᠷᠭᠠᠨ ᠬᠦᠮᠦᠵᠢᠯ ᠦᠨ ᠠᠵᠢᠯ ᠢ ᠰᠠᠶᠢᠵᠢᠷᠠᠭᠤᠯᠬᠤ ᠳᠤ ᠪᠠᠭᠰᠢ ᠨᠠᠷ ᠤᠨ ᠦᠦᠷᠭᠡ ᠶᠢ ᠲᠣᠳᠣᠷᠬᠠᠶᠢᠯᠠᠬᠤ ᠬᠡᠷᠡᠭᠲᠡᠢ ᠂ ᠰᠤᠷᠤᠭᠴᠢᠳ ᠤᠨ ᠰᠡᠳᠬᠢᠯ ᠰᠠᠨᠠᠭ᠎ᠠ ᠶᠢ ᠬᠥᠬᠢᠵᠢᠭᠦᠯᠬᠦ ᠪᠠ ᠰᠤᠷᠭᠠᠨ ᠬᠦᠮᠦᠵᠢᠯ ᠦᠨ ᠴᠢᠨᠠᠷ ᠢ ᠳᠡᠭᠡᠭᠰᠢᠯᠡᠭᠦᠯᠬᠦ ᠶᠢ ᠵᠣᠷᠢᠯᠭ᠎ᠠ ᠪᠣᠯᠭᠠᠨ᠎ᠠ ᠃ ᠰᠤᠷᠭᠠᠭᠤᠯᠢ ᠶᠢᠨ ᠰᠤᠷᠭᠠᠨ ᠬᠦᠮᠦᠵᠢᠯ ᠦᠨ ᠠᠵᠢᠯ ᠢ ᠰᠠᠶᠢᠵᠢᠷᠠᠭᠤᠯᠬᠤ ᠳᠤ ᠪᠠᠭᠰᠢ ᠨᠠᠷ ᠤᠨ ᠦᠦᠷᠭᠡ ᠶᠢ ᠲᠣᠳᠣᠷᠬᠠᠶᠢᠯᠠᠬᠤ ᠬᠡᠷᠡᠭᠲᠡᠢ ᠂ ᠰᠤᠷᠤᠭᠴᠢᠳ ᠤᠨ ᠰᠡᠳᠬᠢᠯ ᠰᠠᠨᠠᠭ᠎ᠠ ᠶᠢ ᠬᠥᠬᠢᠵᠢᠭᠦᠯᠬᠦ ᠪᠠ ᠰᠤᠷᠭᠠᠨ ᠬᠦᠮᠦᠵᠢᠯ ᠦᠨ ᠴᠢᠨᠠᠷ ᠢ ᠳᠡᠭᠡᠭᠰᠢᠯᠡᠭᠦᠯᠬᠦ ᠶᠢ ᠵᠣᠷᠢᠯᠭ᠎ᠠ ᠪᠣᠯᠭᠠᠨ᠎ᠠ ᠃ ᠰᠤᠷᠭᠠᠭᠤᠯᠢ ᠶᠢᠨ ᠰᠤᠷᠭᠠᠨ ᠬᠦᠮᠦᠵᠢᠯ ᠦᠨ ᠠᠵᠢᠯ ᠢ ᠰᠠᠶᠢᠵᠢᠷᠠᠭᠤᠯᠬᠤ ᠳᠤ ᠪᠠᠭᠰᠢ ᠨᠠᠷ ᠤᠨ ᠦᠦᠷᠭᠡ ᠶᠢ ᠲᠣᠳᠣᠷᠬᠠᠶᠢᠯᠠᠬᠤ ᠬᠡᠷᠡᠭᠲᠡᠢ ᠂ ᠰᠤᠷᠤᠭᠴᠢᠳ ᠤᠨ ᠰᠡᠳᠬᠢᠯ ᠰᠠᠨᠠᠭ᠎ᠠ ᠶᠢ ᠬᠥᠬᠢᠵᠢᠭᠦᠯᠬᠦ ᠪᠠ ᠰᠤᠷᠭᠠᠨ ᠬᠦᠮᠦᠵᠢᠯ ᠦᠨ ᠴᠢᠨᠠᠷ ᠢ ᠳᠡᠭᠡᠭᠰᠢᠯᠡᠭᠦᠯᠬᠦ ᠶᠢ ᠵᠣᠷᠢᠯᠭ᠎ᠠ ᠪᠣᠯᠭᠠᠨ᠎ᠠ ᠃ ᠰᠤᠷᠭᠠᠭᠤᠯᠢ ᠶᠢᠨ ᠰᠤᠷᠭᠠᠨ ᠬᠦᠮᠦᠵᠢᠯ ᠦᠨ ᠠᠵᠢᠯ ᠢ ᠰᠠᠶᠢᠵᠢᠷᠠᠭᠤᠯᠬᠤ ᠳᠤ ᠪᠠᠭᠰᠢ ᠨᠠᠷ ᠤᠨ ᠦᠦᠷᠭᠡ ᠶᠢ ᠲᠣᠳᠣᠷᠬᠠᠶᠢᠯᠠᠬᠤ ᠬᠡᠷᠡᠭᠲᠡᠢ ᠂ ᠰᠤᠷᠤᠭᠴᠢᠳ ᠤᠨ ᠰᠡᠳᠬᠢᠯ ᠰᠠᠨᠠᠭ᠎ᠠ ᠶᠢ ᠬᠥᠬᠢᠵᠢᠭᠦᠯᠬᠦ ᠪᠠ ᠰᠤᠷᠭᠠᠨ ᠬᠦᠮᠦᠵᠢᠯ ᠦᠨ ᠴᠢᠨᠠᠷ ᠢ ᠳᠡᠭᠡᠭᠰᠢᠯᠡᠭᠦᠯᠬᠦ ᠶᠢ ᠵᠣᠷᠢᠯᠭ᠎ᠠ ᠪᠣᠯᠭᠠᠨ᠎ᠠ ᠃ ᠰᠤᠷᠭᠠᠭᠤᠯᠢ ᠶᠢᠨ ᠰᠤᠷᠭᠠᠨ ᠬᠦᠮᠦᠵᠢᠯ ᠦᠨ ᠠᠵᠢᠯ ᠢ ᠰᠠᠶᠢᠵᠢᠷᠠᠭᠤᠯᠬᠤ ᠳᠤ ᠪᠠᠭᠰᠢ ᠨᠠᠷ ᠤᠨ ᠦᠦᠷᠭᠡ ᠶᠢ ᠲᠣᠳᠣᠷᠬᠠᠶᠢᠯᠠᠬᠤ ᠬᠡᠷᠡᠭᠲᠡᠢ ᠂ ᠰᠤᠷᠤᠭᠴᠢᠳ ᠤᠨ ᠰᠡᠳᠬᠢᠯ ᠰᠠᠨᠠᠭ᠎ᠠ ᠶᠢ ᠬᠥᠬᠢᠵᠢᠭᠦᠯᠬᠦ ᠪᠠ ᠰᠤᠷᠭᠠᠨ ᠬᠦᠮᠦᠵᠢᠯ ᠦᠨ ᠴᠢᠨᠠᠷ ᠢ ᠳᠡᠭᠡᠭᠰᠢᠯᠡᠭᠦᠯᠬᠦ ᠶᠢ ᠵᠣᠷᠢᠯᠭ᠎ᠠ ᠪᠣᠯᠭᠠᠨ᠎ᠠ ᠃ ᠰᠤᠷᠭᠠᠭᠤᠯᠢ ᠶᠢᠨ ᠰᠤᠷᠭᠠᠨ ᠬᠦᠮᠦᠵᠢᠯ ᠦᠨ ᠠᠵᠢᠯ ᠢ ᠰᠠᠶᠢᠵᠢᠷᠠᠭᠤᠯᠬᠤ ᠳᠤ ᠪᠠᠭᠰᠢ ᠨᠠᠷ ᠤᠨ ᠦᠦᠷᠭᠡ ᠶᠢ ᠲᠣᠳᠣᠷᠬᠠᠶᠢᠯᠠᠬᠤ ᠬᠡᠷᠡᠭᠲᠡᠢ ᠂ ᠰᠤᠷᠤᠭᠴᠢᠳ ᠤᠨ ᠰᠡᠳᠬᠢᠯ ᠰᠠᠨᠠᠭ᠎ᠠ ᠶᠢ ᠬᠥᠬᠢᠵᠢᠭᠦᠯᠬᠦ ᠪᠠ ᠰᠤᠷᠭᠠᠨ ᠬᠦᠮᠦᠵᠢᠯ ᠦᠨ ᠴᠢᠨᠠᠷ ᠢ ᠳᠡᠭᠡᠭᠰᠢᠯᠡᠭᠦᠯᠬᠦ ᠶᠢ ᠵᠣᠷᠢᠯᠭ᠎ᠠ ᠪᠣᠯᠭᠠᠨ᠎ᠠ ᠃ ᠰᠤᠷᠭᠠᠭᠤᠯᠢ ᠶᠢᠨ ᠰᠤᠷᠭᠠᠨ ᠬᠦᠮᠦᠵᠢᠯ ᠦᠨ ᠠᠵᠢᠯ ᠢ ᠰᠠᠶᠢᠵᠢᠷᠠᠭᠤᠯᠬᠤ ᠳᠤ ᠪᠠᠭᠰᠢ ᠨᠠᠷ ᠤᠨ ᠦᠦᠷᠭᠡ ᠶᠢ ᠲᠣᠳᠣᠷᠬᠠᠶᠢᠯᠠᠬᠤ ᠬᠡᠷᠡᠭᠲᠡᠢ ᠂ ᠰᠤᠷᠤᠭᠴᠢᠳ ᠤᠨ ᠰᠡᠳᠬᠢᠯ ᠰᠠᠨᠠᠭ᠎ᠠ ᠶᠢ ᠬᠥᠬᠢᠵᠢᠭᠦᠯᠬᠦ ᠪᠠ ᠰᠤᠷᠭᠠᠨ ᠬᠦᠮᠦᠵᠢᠯ ᠦᠨ ᠴᠢᠨᠠᠷ ᠢ ᠳᠡᠭᠡᠭᠰᠢᠯᠡᠭᠦᠯᠬᠦ ᠶᠢ ᠵᠣᠷᠢᠯᠭ᠎ᠠ ᠪᠣᠯᠭᠠᠨ᠎ᠠ ᠃ ᠰᠤᠷᠭᠠᠭᠤᠯᠢ ᠶᠢᠨ ᠰᠤᠷᠭᠠᠨ ᠬᠦᠮᠦᠵᠢᠯ ᠦᠨ ᠠᠵᠢᠯ ᠢ ᠰᠠᠶᠢᠵᠢᠷᠠᠭᠤᠯᠬᠤ ᠳᠤ ᠪᠠᠭᠰᠢ ᠨᠠᠷ ᠤᠨ ᠦᠦᠷᠭᠡ ᠶᠢ ᠲᠣᠳᠣᠷᠬᠠᠶᠢᠯᠠᠬᠤ ᠬᠡᠷᠡᠭᠲᠡᠢ ᠂ ᠰᠤᠷᠤᠭᠴᠢᠳ ᠤᠨ ᠰᠡᠳᠬᠢᠯ ᠰᠠᠨᠠᠭ᠎ᠠ ᠶᠢ ᠬᠥᠬᠢᠵᠢᠭᠦᠯᠬᠦ ᠪᠠ ᠰᠤᠷᠭᠠᠨ ᠬᠦᠮᠦᠵᠢᠯ ᠦᠨ ᠴᠢᠨᠠᠷ ᠢ ᠳᠡᠭᠡᠭᠰᠢᠯᠡᠭᠦᠯᠬᠦ ᠶᠢ ᠵᠣᠷᠢᠯᠭ᠎ᠠ ᠪᠣᠯᠭᠠᠨ᠎ᠠ ᠃ ᠰᠤᠷᠭᠠᠭᠤᠯᠢ ᠶᠢᠨ ᠰᠤᠷᠭᠠᠨ ᠬᠦᠮᠦᠵᠢᠯ ᠦᠨ ᠠᠵᠢᠯ ᠢ ᠰᠠᠶᠢᠵᠢᠷᠠᠭᠤᠯᠬᠤ ᠳᠤ ᠪᠠᠭᠰᠢ ᠨᠠᠷ ᠤᠨ ᠦᠦᠷᠭᠡ ᠶᠢ ᠲᠣᠳᠣᠷᠬᠠᠶᠢᠯᠠᠬᠤ ᠬᠡᠷᠡᠭᠲᠡᠢ ᠂ ᠰᠤᠷᠤᠭᠴᠢᠳ ᠤᠨ ᠰᠡᠳᠬᠢᠯ ᠰᠠᠨᠠᠭ᠎ᠠ ᠶᠢ ᠬᠥᠬᠢᠵᠢᠭᠦᠯᠬᠦ ᠪᠠ ᠰᠤᠷᠭᠠᠨ ᠬᠦᠮᠦᠵᠢᠯ ᠦᠨ ᠴᠢᠨᠠᠷ ᠢ ᠳᠡᠭᠡᠭᠰᠢᠯᠡᠭᠦᠯᠬᠦ ᠶᠢ ᠵᠣᠷᠢᠯᠭ᠎ᠠ ᠪᠣᠯᠭᠠᠨ᠎ᠠ ᠃ ᠰᠤᠷᠭᠠᠭᠤᠯᠢ ᠶᠢᠨ ᠰᠤᠷᠭᠠᠨ ᠬᠦᠮᠦᠵᠢᠯ ᠦᠨ ᠠᠵᠢᠯ ᠢ ᠰᠠᠶᠢᠵᠢᠷᠠᠭᠤᠯᠬᠤ ᠳᠤ ᠪᠠᠭᠰᠢ ᠨᠠᠷ ᠤᠨ ᠦᠦᠷᠭᠡ ᠶᠢ ᠲᠣᠳᠣᠷᠬᠠᠶᠢᠯᠠᠬᠤ ᠬᠡᠷᠡᠭᠲᠡᠢ ᠂ ᠰᠤᠷᠤᠭᠴᠢᠳ ᠤᠨ ᠰᠡᠳᠬᠢᠯ ᠰᠠᠨᠠᠭ᠎ᠠ ᠶᠢ ᠬᠥᠬᠢᠵᠢᠭᠦᠯᠬᠦ ᠪᠠ ᠰᠤᠷᠭᠠᠨ ᠬᠦᠮᠦᠵᠢᠯ ᠦᠨ ᠴᠢᠨᠠᠷ ᠢ ᠳᠡᠭᠡᠭᠰᠢᠯᠡᠭᠦᠯᠬᠦ ᠶᠢ ᠵᠣᠷᠢᠯᠭ᠎ᠠ ᠪᠣᠯᠭᠠᠨ᠎ᠠ ᠃ ᠰᠤᠷᠭᠠᠭᠤᠯᠢ ᠶᠢᠨ ᠰᠤᠷᠭᠠᠨ ᠬᠦᠮᠦᠵᠢᠯ ᠦᠨ ᠠᠵᠢᠯ ᠢ ᠰᠠᠶᠢᠵᠢᠷᠠᠭᠤᠯᠬᠤ ᠳᠤ ᠪᠠᠭᠰᠢ ᠨᠠᠷ ᠤᠨ ᠦᠦᠷᠭᠡ ᠶᠢ ᠲᠣᠳᠣᠷᠬᠠᠶᠢᠯᠠᠬᠤ ᠬᠡᠷᠡᠭᠲᠡᠢ ᠂ ᠰᠤᠷᠤᠭᠴᠢᠳ ᠤᠨ ᠰᠡᠳᠬᠢᠯ ᠰᠠᠨᠠᠭ᠎ᠠ ᠶᠢ ᠬᠥᠬᠢᠵᠢᠭᠦᠯᠬᠦ ᠪᠠ ᠰᠤᠷᠭᠠᠨ ᠬᠦᠮᠦᠵᠢᠯ ᠦᠨ ᠴᠢᠨᠠᠷ ᠢ ᠳᠡᠭᠡᠭᠰᠢᠯᠡᠭᠦᠯᠬᠦ ᠶᠢ ᠵᠣᠷᠢᠯᠭ᠎ᠠ ᠪᠣᠯᠭᠠᠨ᠎ᠠ ᠃ ᠰᠤᠷᠭᠠᠭᠤᠯᠢ ᠶᠢᠨ ᠰᠤᠷᠭᠠᠨ ᠬᠦᠮᠦᠵᠢᠯ ᠦᠨ ᠠᠵᠢᠯ ᠢ ᠰᠠᠶᠢᠵᠢᠷᠠᠭᠤᠯᠬᠤ ᠳᠤ ᠪᠠᠭᠰᠢ ᠨᠠᠷ ᠤᠨ ᠦᠦᠷᠭᠡ ᠶᠢ ᠲᠣᠳᠣᠷᠬᠠᠶᠢᠯᠠᠬᠤ ᠬᠡᠷᠡᠭᠲᠡᠢ ᠂ ᠰᠤᠷᠤᠭᠴᠢᠳ ᠤᠨ ᠰᠡᠳᠬᠢᠯ ᠰᠠᠨᠠᠭ᠎ᠠ ᠶᠢ ᠬᠥᠬᠢᠵᠢᠭᠦᠯᠬᠦ ᠪᠠ ᠰᠤᠷᠭᠠᠨ ᠬᠦᠮᠦᠵᠢᠯ ᠦᠨ ᠴᠢᠨᠠᠷ ᠢ ᠳᠡᠭᠡᠭᠰᠢᠯᠡᠭᠦᠯᠬᠦ ᠶᠢ ᠵᠣᠷᠢᠯᠭ᠎ᠠ ᠪᠣᠯᠭᠠᠨ᠎ᠠ ᠃ ᠰᠤᠷᠭᠠᠭᠤᠯᠢ ᠶᠢᠨ ᠰᠤᠷᠭᠠᠨ ᠬᠦᠮᠦᠵᠢᠯ ᠦᠨ ᠠᠵᠢᠯ ᠢ ᠰᠠᠶᠢᠵᠢᠷᠠᠭᠤᠯᠬᠤ ᠳᠤ ᠪᠠᠭᠰᠢ ᠨᠠᠷ ᠤᠨ ᠦᠦᠷᠭᠡ ᠶᠢ ᠲᠣᠳᠣᠷᠬᠠᠶᠢᠯᠠᠬᠤ ᠬᠡᠷᠡᠭᠲᠡᠢ ᠂ ᠰᠤᠷᠤᠭᠴᠢᠳ ᠤᠨ ᠰᠡᠳᠬᠢᠯ ᠰᠠᠨᠠᠭ᠎ᠠ ᠶᠢ ᠬᠥᠬᠢᠵᠢᠭᠦᠯᠬᠦ ᠪᠠ ᠰᠤᠷᠭᠠᠨ ᠬᠦᠮᠦᠵᠢᠯ ᠦᠨ ᠴᠢᠨᠠᠷ ᠢ ᠳᠡᠭᠡᠭᠰᠢᠯᠡᠭᠦᠯᠬᠦ ᠶᠢ ᠵᠣᠷᠢᠯᠭ᠎ᠠ ᠪᠣᠯᠭᠠᠨ᠎ᠠ ᠃ ᠰᠤᠷᠭᠠᠭᠤᠯᠢ ᠶᠢᠨ ᠰᠤᠷᠭᠠᠨ ᠬᠦᠮᠦᠵᠢᠯ ᠦᠨ ᠠᠵᠢᠯ ᠢ ᠰᠠᠶᠢᠵᠢᠷᠠᠭᠤᠯᠬᠤ ᠳᠤ ᠪᠠᠭᠰᠢ ᠨᠠᠷ ᠤᠨ ᠦᠦᠷᠭᠡ ᠶᠢ ᠲᠣᠳᠣᠷᠬᠠᠶᠢᠯᠠᠬᠤ ᠬᠡᠷᠡᠭᠲᠡᠢ ᠂ ᠰᠤᠷᠤᠭᠴᠢᠳ ᠤᠨ ᠰᠡᠳᠬᠢᠯ ᠰᠠᠨᠠᠭ᠎ᠠ ᠶᠢ ᠬᠥᠬᠢᠵᠢᠭᠦᠯᠬᠦ ᠪᠠ ᠰᠤᠷᠭᠠᠨ ᠬᠦᠮᠦᠵᠢᠯ ᠦᠨ ᠴᠢᠨᠠᠷ ᠢ ᠳᠡᠭᠡᠭᠰᠢᠯᠡᠭᠦᠯᠬᠦ ᠶᠢ ᠵᠣᠷᠢᠯᠭ᠎ᠠ ᠪᠣᠯᠭᠠᠨ᠎ᠠ ᠃ ᠰᠤᠷᠭᠠᠭᠤᠯᠢ ᠶᠢᠨ ᠰᠤᠷᠭᠠᠨ ᠬᠦᠮᠦᠵᠢᠯ ᠦᠨ ᠠᠵᠢᠯ ᠢ ᠰᠠᠶᠢᠵᠢᠷᠠᠭᠤᠯᠬᠤ ᠳᠤ ᠪᠠᠭᠰᠢ ᠨᠠᠷ ᠤᠨ ᠦᠦᠷᠭᠡ ᠶᠢ ᠲᠣᠳᠣᠷᠬᠠᠶᠢᠯᠠᠬᠤ ᠬᠡᠷᠡᠭᠲᠡᠢ ᠂ ᠰᠤᠷᠤᠭᠴᠢᠳ ᠤᠨ ᠰᠡᠳᠬᠢᠯ ᠰᠠᠨᠠᠭ᠎ᠠ ᠶᠢ ᠬᠥᠬᠢᠵᠢᠭᠦᠯᠬᠦ ᠪᠠ ᠰᠤᠷᠭᠠᠨ ᠬᠦᠮᠦᠵᠢᠯ ᠦᠨ ᠴᠢᠨᠠᠷ ᠢ ᠳᠡᠭᠡᠭᠰᠢᠯᠡᠭᠦᠯᠬᠦ ᠶᠢ ᠵᠣᠷᠢᠯᠭ᠎ᠠ ᠪᠣᠯᠭᠠᠨ᠎ᠠ ᠃ ᠰᠤᠷᠭᠠᠭᠤᠯᠢ ᠶᠢᠨ ᠰᠤᠷᠭᠠᠨ ᠬᠦᠮᠦᠵᠢᠯ ᠦᠨ ᠠᠵᠢᠯ ᠢ ᠰᠠᠶᠢᠵᠢᠷᠠᠭᠤᠯᠬᠤ ᠳᠤ ᠪᠠᠭᠰᠢ ᠨᠠᠷ ᠤᠨ ᠦᠦᠷᠭᠡ ᠶᠢ ᠲᠣᠳᠣᠷᠬᠠᠶᠢᠯᠠᠬᠤ ᠬᠡᠷᠡᠭᠲᠡᠢ ᠂ ᠰᠤᠷᠤᠭᠴᠢᠳ ᠤᠨ ᠰᠡᠳᠬᠢᠯ ᠰᠠᠨᠠᠭ᠎ᠠ ᠶᠢ ᠬᠥᠬᠢᠵᠢᠭᠦᠯᠬᠦ ᠪᠠ ᠰᠤᠷᠭᠠᠨ ᠬᠦᠮᠦᠵᠢᠯ ᠦᠨ ᠴᠢᠨᠠᠷ ᠢ ᠳᠡᠭᠡᠭᠰᠢᠯᠡᠭᠦᠯᠬᠦ ᠶᠢ ᠵᠣᠷᠢᠯᠭ᠎ᠠ ᠪᠣᠯᠭᠠᠨ᠎ᠠ ᠃ ᠰᠤᠷᠭᠠᠭᠤᠯᠢ ᠶᠢᠨ ᠰᠤᠷᠭᠠᠨ ᠬᠦᠮᠦᠵᠢᠯ ᠦᠨ ᠠᠵᠢᠯ ᠢ ᠰᠠᠶᠢᠵᠢᠷᠠᠭᠤᠯᠬᠤ ᠳᠤ ᠪᠠᠭᠰᠢ ᠨᠠᠷ ᠤᠨ ᠦᠦᠷᠭᠡ ᠶᠢ ᠲᠣᠳᠣᠷᠬᠠᠶᠢᠯᠠᠬᠤ ᠬᠡᠷᠡᠭᠲᠡᠢ ᠂ ᠰᠤᠷᠤᠭᠴᠢᠳ ᠤᠨ ᠰᠡᠳᠬᠢᠯ ᠰᠠᠨᠠᠭ᠎ᠠ ᠶᠢ ᠬᠥᠬᠢᠵᠢᠭᠦᠯᠬᠦ ᠪᠠ ᠰᠤᠷᠭᠠᠨ ᠬᠦᠮᠦᠵᠢᠯ ᠦᠨ ᠴᠢᠨᠠᠷ ᠢ ᠳᠡᠭᠡᠭᠰᠢᠯᠡᠭᠦᠯᠬᠦ ᠶᠢ ᠵᠣᠷᠢᠯᠭ᠎ᠠ ᠪᠣᠯᠭᠠᠨ᠎ᠠ ᠃ ᠰᠤᠷᠭᠠᠭᠤᠯᠢ ᠶᠢᠨ ᠰᠤᠷᠭᠠᠨ ᠬᠦᠮᠦᠵᠢᠯ ᠦᠨ ᠠᠵᠢᠯ ᠢ ᠰᠠᠶᠢᠵᠢᠷᠠᠭᠤᠯᠬᠤ ᠳᠤ ᠪᠠᠭᠰᠢ ᠨᠠᠷ ᠤᠨ ᠦᠦᠷᠭᠡ ᠶᠢ ᠲᠣᠳᠣᠷᠬᠠᠶᠢᠯᠠᠬᠤ ᠬᠡᠷᠡᠭᠲᠡᠢ ᠂ ᠰᠤᠷᠤᠭᠴᠢᠳ ᠤᠨ ᠰᠡᠳᠬᠢᠯ ᠰᠠᠨᠠᠭ᠎ᠠ ᠶᠢ ᠬᠥᠬᠢᠵᠢᠭᠦᠯᠬᠦ ᠪᠠ ᠰᠤᠷᠭᠠᠨ ᠬᠦᠮᠦᠵᠢᠯ ᠦᠨ ᠴᠢᠨᠠᠷ ᠢ ᠳᠡᠭᠡᠭᠰᠢᠯᠡᠭᠦᠯᠬᠦ ᠶᠢ ᠵᠣᠷᠢᠯᠭ᠎ᠠ ᠪᠣᠯᠭᠠᠨ᠎ᠠ ᠃ ᠰᠤᠷᠭᠠᠭᠤᠯᠢ ᠶᠢᠨ ᠰᠤᠷᠭᠠᠨ ᠬᠦᠮᠦᠵᠢᠯ ᠦᠨ ᠠᠵᠢᠯ ᠢ ᠰᠠᠶᠢᠵᠢᠷᠠᠭᠤᠯᠬᠤ ᠳᠤ ᠪᠠᠭᠰᠢ ᠨᠠᠷ ᠤᠨ ᠦᠦᠷᠭᠡ ᠶᠢ ᠲᠣᠳᠣᠷᠬᠠᠶᠢᠯᠠᠬᠤ ᠬᠡᠷᠡᠭᠲᠡᠢ ᠂ ᠰᠤᠷᠤᠭᠴᠢᠳ ᠤᠨ ᠰᠡᠳᠬᠢᠯ ᠰᠠᠨᠠᠭ᠎ᠠ ᠶᠢ ᠬᠥᠬᠢᠵᠢᠭᠦᠯᠬᠦ ᠪᠠ ᠰᠤᠷᠭᠠᠨ ᠬᠦᠮᠦᠵᠢᠯ ᠦᠨ ᠴᠢᠨᠠᠷ ᠢ ᠳᠡᠭᠡᠭᠰᠢᠯᠡᠭᠦᠯᠬᠦ ᠶᠢ ᠵᠣᠷᠢᠯᠭ᠎ᠠ ᠪᠣᠯᠭᠠᠨ᠎ᠠ ᠃ ᠰᠤᠷᠭᠠᠭᠤᠯᠢ ᠶᠢᠨ ᠰᠤᠷᠭᠠᠨ ᠬᠦᠮᠦᠵᠢᠯ ᠦᠨ ᠠᠵᠢᠯ ᠢ ᠰᠠᠶᠢᠵᠢᠷᠠᠭᠤᠯᠬᠤ ᠳᠤ ᠪᠠᠭᠰᠢ ᠨᠠᠷ ᠤᠨ ᠦᠦᠷᠭᠡ ᠶᠢ ᠲᠣᠳᠣᠷᠬᠠᠶᠢᠯᠠᠬᠤ ᠬᠡᠷᠡᠭᠲᠡᠢ ᠂ ᠰᠤᠷᠤᠭᠴᠢᠳ ᠤᠨ ᠰᠡᠳᠬᠢᠯ ᠰᠠᠨᠠᠭ᠎ᠠ ᠶᠢ ᠬᠥᠬᠢᠵᠢᠭᠦᠯᠬᠦ ᠪᠠ ᠰᠤᠷᠭᠠᠨ ᠬᠦᠮᠦᠵᠢᠯ ᠦᠨ ᠴᠢᠨᠠᠷ ᠢ ᠳᠡᠭᠡᠭᠰᠢᠯᠡᠭᠦᠯᠬᠦ ᠶᠢ ᠵᠣᠷᠢᠯᠭ᠎ᠠ ᠪᠣᠯᠭᠠᠨ᠎ᠠ ᠃ ᠰᠤᠷᠭᠠᠭᠤᠯᠢ ᠶᠢᠨ ᠰᠤᠷᠭᠠᠨ ᠬᠦᠮᠦᠵᠢᠯ ᠦᠨ ᠠᠵᠢᠯ ᠢ ᠰᠠᠶᠢᠵᠢᠷᠠᠭᠤᠯᠬᠤ ᠳᠤ ᠪᠠᠭᠰᠢ ᠨᠠᠷ ᠤᠨ ᠦᠦᠷᠭᠡ ᠶᠢ ᠲᠣᠳᠣᠷᠬᠠᠶᠢᠯᠠᠬᠤ ᠬᠡᠷᠡᠭᠲᠡᠢ ᠂ ᠰᠤᠷᠤᠭᠴᠢᠳ ᠤᠨ ᠰᠡᠳᠬᠢᠯ ᠰᠠᠨᠠᠭ᠎ᠠ ᠶᠢ ᠬᠥᠬᠢᠵᠢᠭᠦᠯᠬᠦ ᠪᠠ ᠰᠤᠷᠭᠠᠨ ᠬᠦᠮᠦᠵᠢᠯ ᠦᠨ ᠴᠢᠨᠠᠷ ᠢ ᠳᠡᠭᠡᠭᠰᠢᠯᠡᠭᠦᠯᠬᠦ ᠶᠢ ᠵᠣᠷᠢᠯᠭ᠎ᠠ ᠪᠣᠯᠭᠠᠨ᠎ᠠ ᠃ ᠰᠤᠷᠭᠠᠭᠤᠯᠢ ᠶᠢᠨ ᠰᠤᠷᠭᠠᠨ ᠬᠦᠮᠦᠵᠢᠯ ᠦᠨ ᠠᠵᠢᠯ ᠢ ᠰᠠᠶᠢᠵᠢᠷᠠᠭᠤᠯᠬᠤ ᠳᠤ ᠪᠠᠭᠰᠢ ᠨᠠᠷ ᠤᠨ ᠦᠦᠷᠭᠡ ᠶᠢ ᠲᠣᠳᠣᠷᠬᠠᠶᠢᠯᠠᠬᠤ ᠬᠡᠷᠡᠭᠲᠡᠢ ᠂ ᠰᠤᠷᠤᠭᠴᠢᠳ ᠤᠨ ᠰᠡᠳᠬᠢᠯ ᠰᠠᠨᠠᠭ᠎ᠠ ᠶᠢ ᠬᠥᠬᠢᠵᠢᠭᠦᠯᠬᠦ ᠪᠠ ᠰᠤᠷᠭᠠᠨ ᠬᠦᠮᠦᠵᠢᠯ ᠦᠨ ᠴᠢᠨᠠᠷ ᠢ ᠳᠡᠭᠡᠭᠰᠢᠯᠡᠭᠦᠯᠬᠦ ᠶᠢ ᠵᠣᠷᠢᠯᠭ᠎ᠠ ᠪᠣᠯᠭᠠᠨ᠎ᠠ ᠃ ᠰᠤᠷᠭᠠᠭᠤᠯᠢ ᠶᠢᠨ ᠰᠤᠷᠭᠠᠨ ᠬᠦᠮᠦᠵᠢᠯ ᠦᠨ ᠠᠵᠢᠯ ᠢ ᠰᠠᠶᠢᠵᠢᠷᠠᠭᠤᠯᠬᠤ ᠳᠤ ᠪᠠᠭᠰᠢ ᠨᠠᠷ ᠤᠨ ᠦᠦᠷᠭᠡ ᠶᠢ ᠲᠣᠳᠣᠷᠬᠠᠶᠢᠯᠠᠬᠤ ᠬᠡᠷᠡᠭᠲᠡᠢ ᠂ ᠰᠤᠷᠤᠭᠴᠢᠳ ᠤᠨ ᠰᠡᠳᠬᠢᠯ ᠰᠠᠨᠠᠭ᠎ᠠ ᠶᠢ ᠬᠥᠬᠢᠵᠢᠭᠦᠯᠬᠦ ᠪᠠ ᠰᠤᠷᠭᠠᠨ ᠬᠦᠮᠦᠵᠢᠯ ᠦᠨ ᠴᠢᠨᠠᠷ ᠢ ᠳᠡᠭᠡᠭᠰᠢᠯᠡᠭᠦᠯᠬᠦ ᠶᠢ ᠵᠣᠷᠢᠯᠭ᠎ᠠ ᠪᠣᠯᠭᠠᠨ᠎ᠠ ᠃ ᠰᠤᠷᠭᠠᠭᠤᠯᠢ ᠶᠢᠨ ᠰᠤᠷᠭᠠᠨ ᠬᠦᠮᠦᠵᠢᠯ ᠦᠨ ᠠᠵᠢᠯ ᠢ ᠰᠠᠶᠢᠵᠢᠷᠠᠭᠤᠯᠬᠤ ᠳᠤ ᠪᠠᠭᠰᠢ ᠨᠠᠷ ᠤᠨ ᠦᠦᠷᠭᠡ ᠶᠢ ᠲᠣᠳᠣᠷᠬᠠᠶᠢᠯᠠᠬᠤ ᠬᠡᠷᠡᠭᠲᠡᠢ ᠂ ᠰᠤᠷᠤᠭᠴᠢᠳ ᠤᠨ ᠰᠡᠳᠬᠢᠯ ᠰᠠᠨᠠᠭ᠎ᠠ ᠶᠢ ᠬᠥᠬᠢᠵᠢᠭᠦᠯᠬᠦ ᠪᠠ ᠰᠤᠷᠭᠠᠨ ᠬᠦᠮᠦᠵᠢᠯ ᠦᠨ ᠴᠢᠨᠠᠷ ᠢ ᠳᠡᠭᠡᠭᠰᠢᠯᠡᠭᠦᠯᠬᠦ ᠶᠢ ᠵᠣᠷᠢᠯᠭ᠎ᠠ ᠪᠣᠯᠭᠠᠨ᠎ᠠ ᠃ ᠰᠤᠷᠭᠠᠭᠤᠯᠢ ᠶᠢᠨ ᠰᠤᠷᠭᠠᠨ ᠬᠦᠮᠦᠵᠢᠯ ᠦᠨ ᠠᠵᠢᠯ ᠢ ᠰᠠᠶᠢᠵᠢᠷᠠᠭᠤᠯᠬᠤ ᠳᠤ ᠪᠠᠭᠰᠢ ᠨᠠᠷ ᠤᠨ ᠦᠦᠷᠭᠡ ᠶᠢ ᠲᠣᠳᠣᠷᠬᠠᠶᠢᠯᠠᠬᠤ ᠬᠡᠷᠡᠭᠲᠡᠢ ᠂ ᠰᠤᠷᠤᠭᠴᠢᠳ ᠤᠨ ᠰᠡᠳᠬᠢᠯ ᠰᠠᠨᠠᠭ᠎ᠠ ᠶᠢ ᠬᠥᠬᠢᠵᠢᠭᠦᠯᠬᠦ ᠪᠠ ᠰᠤᠷᠭᠠᠨ ᠬᠦᠮᠦᠵᠢᠯ ᠦᠨ ᠴᠢᠨᠠᠷ ᠢ ᠳᠡᠭᠡᠭᠰᠢᠯᠡᠭᠦᠯᠬᠦ ᠶᠢ ᠵᠣᠷᠢᠯᠭ᠎ᠠ ᠪᠣᠯᠭᠠᠨ᠎ᠠ ᠃ ᠰᠤᠷᠭᠠᠭᠤᠯᠢ ᠶᠢᠨ ᠰᠤᠷᠭᠠᠨ ᠬᠦᠮᠦᠵᠢᠯ ᠦᠨ ᠠᠵᠢᠯ ᠢ ᠰᠠᠶᠢᠵᠢᠷᠠᠭᠤᠯᠬᠤ ᠳᠤ ᠪᠠᠭᠰᠢ ᠨᠠᠷ ᠤᠨ ᠦᠦᠷᠭᠡ ᠶᠢ ᠲᠣᠳᠣᠷᠬᠠᠶᠢᠯᠠᠬᠤ ᠬᠡᠷᠡᠭᠲᠡᠢ ᠂ ᠰᠤᠷᠤᠭᠴᠢᠳ ᠤᠨ ᠰᠡᠳᠬᠢᠯ ᠰᠠᠨᠠᠭ᠎ᠠ ᠶᠢ ᠬᠥᠬᠢᠵᠢᠭᠦᠯᠬᠦ ᠪᠠ ᠰᠤᠷᠭᠠᠨ ᠬᠦᠮᠦᠵᠢᠯ ᠦᠨ ᠴᠢᠨᠠᠷ ᠢ ᠳᠡᠭᠡᠭᠰᠢᠯᠡᠭᠦᠯᠬᠦ ᠶᠢ ᠵᠣᠷᠢᠯᠭ᠎ᠠ ᠪᠣᠯᠭᠠᠨ᠎ᠠ ᠃ ᠰᠤᠷᠭᠠᠭᠤᠯᠢ ᠶᠢᠨ ᠰᠤᠷᠭᠠᠨ ᠬᠦᠮᠦᠵᠢᠯ ᠦᠨ ᠠᠵᠢᠯ ᠢ ᠰᠠᠶᠢᠵᠢᠷᠠᠭᠤᠯᠬᠤ ᠳᠤ ᠪᠠᠭᠰᠢ ᠨᠠᠷ ᠤᠨ ᠦᠦᠷᠭᠡ ᠶᠢ ᠲᠣᠳᠣᠷᠬᠠᠶᠢᠯᠠᠬᠤ ᠬᠡᠷᠡᠭᠲᠡᠢ ᠂ ᠰᠤᠷᠤᠭᠴᠢᠳ ᠤᠨ ᠰᠡᠳᠬᠢᠯ ᠰᠠᠨᠠᠭ᠎ᠠ ᠶᠢ ᠬᠥᠬᠢᠵᠢᠭᠦᠯᠬᠦ ᠪᠠ ᠰᠤᠷᠭᠠᠨ ᠬᠦᠮᠦᠵᠢᠯ ᠦᠨ ᠴᠢᠨᠠᠷ ᠢ ᠳᠡᠭᠡᠭᠰᠢᠯᠡᠭᠦᠯᠬᠦ ᠶᠢ ᠵᠣᠷᠢᠯᠭ᠎ᠠ ᠪᠣᠯᠭᠠᠨ᠎ᠠ ᠃ ᠰᠤᠷᠭᠠᠭᠤᠯᠢ ᠶᠢᠨ ᠰᠤᠷᠭᠠᠨ ᠬᠦᠮᠦᠵᠢᠯ ᠦᠨ ᠠᠵᠢᠯ ᠢ ᠰᠠᠶᠢᠵᠢᠷᠠᠭᠤᠯᠬᠤ ᠳᠤ ᠪᠠᠭᠰᠢ ᠨᠠᠷ ᠤᠨ ᠦᠦᠷᠭᠡ ᠶᠢ ᠲᠣᠳᠣᠷᠬᠠᠶᠢᠯᠠᠬᠤ ᠬᠡᠷᠡᠭᠲᠡᠢ ᠂ ᠰᠤᠷᠤᠭᠴᠢᠳ ᠤᠨ ᠰᠡᠳᠬᠢᠯ ᠰᠠᠨᠠᠭ᠎ᠠ ᠶᠢ ᠬᠥᠬᠢᠵᠢᠭᠦᠯᠬᠦ ᠪᠠ ᠰᠤᠷᠭᠠᠨ ᠬᠦᠮᠦᠵᠢᠯ ᠦᠨ ᠴᠢᠨᠠᠷ ᠢ ᠳᠡᠭᠡᠭᠰᠢᠯᠡᠭᠦᠯᠬᠦ ᠶᠢ ᠵᠣᠷᠢᠯᠭ᠎ᠠ ᠪᠣᠯᠭᠠᠨ᠎ᠠ ᠃ ᠰᠤᠷᠭᠠᠭᠤᠯᠢ ᠶᠢᠨ ᠰᠤᠷᠭᠠᠨ ᠬᠦᠮᠦᠵᠢᠯ ᠦᠨ ᠠᠵᠢᠯ ᠢ ᠰᠠᠶᠢᠵᠢᠷᠠᠭᠤᠯᠬᠤ ᠳᠤ ᠪᠠᠭᠰᠢ ᠨᠠᠷ ᠤᠨ ᠦᠦᠷᠭᠡ ᠶᠢ ᠲᠣᠳᠣᠷᠬᠠᠶᠢᠯᠠᠬᠤ ᠬᠡᠷᠡᠭᠲᠡᠢ ᠂ ᠰᠤᠷᠤᠭᠴᠢᠳ ᠤᠨ ᠰᠡᠳᠬᠢᠯ ᠰᠠᠨᠠᠭ᠎ᠠ ᠶᠢ ᠬᠥᠬᠢᠵᠢᠭᠦᠯᠬᠦ ᠪᠠ ᠰᠤᠷᠭᠠᠨ ᠬᠦᠮᠦᠵᠢᠯ ᠦᠨ ᠴᠢᠨᠠᠷ ᠢ ᠳᠡᠭᠡᠭᠰᠢᠯᠡᠭᠦᠯᠬᠦ ᠶᠢ ᠵᠣᠷᠢᠯᠭ᠎ᠠ ᠪᠣᠯᠭᠠᠨ᠎ᠠ ᠃ ᠰᠤᠷᠭᠠᠭᠤᠯᠢ ᠶᠢᠨ ᠰᠤᠷᠭᠠᠨ ᠬᠦᠮᠦᠵᠢᠯ ᠦᠨ ᠠᠵᠢᠯ ᠢ ᠰᠠᠶᠢᠵᠢᠷᠠᠭᠤᠯᠬᠤ ᠳᠤ ᠪᠠᠭᠰᠢ ᠨᠠᠷ ᠤᠨ ᠦᠦᠷᠭᠡ ᠶᠢ ᠲᠣᠳᠣᠷᠬᠠᠶᠢᠯᠠᠬᠤ ᠬᠡᠷᠡᠭᠲᠡᠢ ᠂ ᠰᠤᠷᠤᠭᠴᠢᠳ ᠤᠨ ᠰᠡᠳᠬᠢᠯ ᠰᠠᠨᠠᠭ᠎ᠠ ᠶᠢ ᠬᠥᠬᠢᠵᠢᠭᠦᠯᠬᠦ ᠪᠠ ᠰᠤᠷᠭᠠᠨ ᠬᠦᠮᠦᠵᠢᠯ ᠦᠨ ᠴᠢᠨᠠᠷ ᠢ ᠳᠡᠭᠡᠭᠰᠢᠯᠡᠭᠦᠯᠬᠦ ᠶᠢ ᠵᠣᠷᠢᠯᠭ᠎ᠠ ᠪᠣᠯᠭᠠᠨ᠎ᠠ ᠃ ᠰᠤᠷᠭᠠᠭᠤᠯᠢ ᠶᠢᠨ ᠰᠤᠷᠭᠠᠨ ᠬᠦᠮᠦᠵᠢᠯ ᠦᠨ ᠠᠵᠢᠯ ᠢ ᠰᠠᠶᠢᠵᠢᠷᠠᠭᠤᠯᠬᠤ ᠳᠤ ᠪᠠᠭᠰᠢ ᠨᠠᠷ ᠤᠨ ᠦᠦᠷᠭᠡ ᠶᠢ ᠲᠣᠳᠣᠷᠬᠠᠶᠢᠯᠠᠬᠤ ᠬᠡᠷᠡᠭᠲᠡᠢ ᠂ ᠰᠤᠷᠤᠭᠴᠢᠳ ᠤᠨ ᠰᠡᠳᠬᠢᠯ ᠰᠠᠨᠠᠭ᠎ᠠ ᠶᠢ ᠬᠥᠬᠢᠵᠢᠭᠦᠯᠬᠦ ᠪᠠ ᠰᠤᠷᠭᠠᠨ ᠬᠦᠮᠦᠵᠢᠯ ᠦᠨ ᠴᠢᠨᠠᠷ ᠢ ᠳᠡᠭᠡᠭᠰᠢᠯᠡᠭᠦᠯᠬᠦ ᠶᠢ ᠵᠣᠷᠢᠯᠭ᠎ᠠ ᠪᠣᠯᠭᠠᠨ᠎ᠠ ᠃ ᠰᠤᠷᠭᠠᠭᠤᠯᠢ ᠶᠢᠨ ᠰᠤᠷᠭᠠᠨ ᠬᠦᠮᠦᠵᠢᠯ ᠦᠨ ᠠᠵᠢᠯ ᠢ ᠰᠠᠶᠢᠵᠢᠷᠠᠭᠤᠯᠬᠤ ᠳᠤ ᠪᠠᠭᠰᠢ ᠨᠠᠷ ᠤᠨ ᠦᠦᠷᠭᠡ ᠶᠢ ᠲᠣᠳᠣᠷᠬᠠᠶᠢᠯᠠᠬᠤ ᠬᠡᠷᠡᠭᠲᠡᠢ ᠂ ᠰᠤᠷᠤᠭᠴᠢᠳ ᠤᠨ ᠰᠡᠳᠬᠢᠯ ᠰᠠᠨᠠᠭ᠎ᠠ ᠶᠢ ᠬᠥᠬᠢᠵᠢᠭᠦᠯᠬᠦ ᠪᠠ ᠰᠤᠷᠭᠠᠨ ᠬᠦᠮᠦᠵᠢᠯ ᠦᠨ ᠴᠢᠨᠠᠷ ᠢ ᠳᠡᠭᠡᠭᠰᠢᠯᠡᠭᠦᠯᠬᠦ ᠶᠢ ᠵᠣᠷᠢᠯᠭ᠎ᠠ ᠪᠣᠯᠭᠠᠨ᠎ᠠ ᠃ ᠰᠤᠷᠭᠠᠭᠤᠯᠢ ᠶᠢᠨ ᠰᠤᠷᠭᠠᠨ ᠬᠦᠮᠦᠵᠢᠯ ᠦᠨ ᠠᠵᠢᠯ ᠢ ᠰᠠᠶᠢᠵᠢᠷᠠᠭᠤᠯᠬᠤ ᠳᠤ ᠪᠠᠭᠰᠢ ᠨᠠᠷ ᠤᠨ ᠦᠦᠷᠭᠡ ᠶᠢ ᠲᠣᠳᠣᠷᠬᠠᠶᠢᠯᠠᠬᠤ ᠬᠡᠷᠡᠭᠲᠡᠢ ᠂ ᠰᠤᠷᠤᠭᠴᠢᠳ ᠤᠨ ᠰᠡᠳᠬᠢᠯ ᠰᠠᠨᠠᠭ᠎ᠠ ᠶᠢ ᠬᠥᠬᠢᠵᠢᠭᠦᠯᠬᠦ ᠪᠠ ᠰᠤᠷᠭᠠᠨ ᠬᠦᠮᠦᠵᠢᠯ ᠦᠨ ᠴᠢᠨᠠᠷ ᠢ ᠳᠡᠭᠡᠭᠰᠢᠯᠡᠭᠦᠯᠬᠦ ᠶᠢ ᠵᠣᠷᠢᠯᠭ᠎ᠠ ᠪᠣᠯᠭᠠᠨ᠎ᠠ ᠃ ᠰᠤᠷᠭᠠᠭᠤᠯᠢ ᠶᠢᠨ ᠰᠤᠷᠭᠠᠨ ᠬᠦᠮᠦᠵᠢᠯ ᠦᠨ ᠠᠵᠢᠯ ᠢ ᠰᠠᠶᠢᠵᠢᠷᠠᠭᠤᠯᠬᠤ ᠳᠤ ᠪᠠᠭᠰᠢ ᠨᠠᠷ ᠤᠨ ᠦᠦᠷᠭᠡ ᠶᠢ ᠲᠣᠳᠣᠷᠬᠠᠶᠢᠯᠠᠬᠤ ᠬᠡᠷᠡᠭᠲᠡᠢ ᠂ ᠰᠤᠷᠤᠭᠴᠢᠳ ᠤᠨ ᠰᠡᠳᠬᠢᠯ ᠰᠠᠨᠠᠭ᠎ᠠ ᠶᠢ ᠬᠥᠬᠢᠵᠢᠭᠦᠯᠬᠦ ᠪᠠ ᠰᠤᠷᠭᠠᠨ ᠬᠦᠮᠦᠵᠢᠯ ᠦᠨ ᠴᠢᠨᠠᠷ ᠢ ᠳᠡᠭᠡᠭᠰᠢᠯᠡᠭᠦᠯᠬᠦ ᠶᠢ ᠵᠣᠷᠢᠯᠭ᠎ᠠ ᠪᠣᠯᠭᠠᠨ᠎ᠠ ᠃ ᠨᠢᠭᠡ ᠂ ᠰᠤᠷᠭᠠᠨ ᠬᠦᠮᠦᠵᠢᠯ ᠦᠨ ᠠᠵᠢᠯ ᠤᠨ ᠤᠳᠬ᠎ᠠ ᠤᠴᠢᠷ ᠢ ᠲᠠᠨᠢᠨ ᠮᠡᠳᠡᠬᠦ ᠨᠢ ᠰᠤᠷᠭᠠᠭᠤᠯᠢ ᠶᠢᠨ ᠰᠤᠷᠭᠠᠨ ᠬᠦᠮᠦᠵᠢᠯ ᠦᠨ ᠠᠵᠢᠯ ᠢ ᠰᠠᠶᠢᠵᠢᠷᠠᠭᠤᠯᠬᠤ ᠳᠤ ᠪᠠᠭᠰᠢ ᠨᠠᠷ ᠤᠨ ᠦᠦᠷᠭᠡ ᠶᠢ ᠲᠣᠳᠣᠷᠬᠠᠶᠢᠯᠠᠬᠤ ᠬᠡᠷᠡᠭᠲᠡᠢ ᠂ ᠰᠤᠷᠤᠭᠴᠢᠳ ᠤᠨ ᠰᠡᠳᠬᠢᠯ ᠰᠠᠨᠠᠭ᠎ᠠ ᠶᠢ ᠬᠥᠬᠢᠵᠢᠭᠦᠯᠬᠦ ᠪᠠ ᠰᠤᠷᠭᠠᠨ ᠬᠦᠮᠦᠵᠢᠯ ᠦᠨ ᠴᠢᠨᠠᠷ ᠢ ᠳᠡᠭᠡᠭᠰᠢᠯᠡᠭᠦᠯᠬᠦ ᠶᠢ ᠵᠣᠷᠢᠯᠭ᠎ᠠ ᠪᠣᠯᠭᠠᠨ᠎ᠠ ᠃ ᠰᠤᠷᠭᠠᠭᠤᠯᠢ ᠶᠢᠨ ᠰᠤᠷᠭᠠᠨ ᠬᠦᠮᠦᠵᠢᠯ ᠦᠨ ᠠᠵᠢᠯ ᠢ ᠰᠠᠶᠢᠵᠢᠷᠠᠭᠤᠯᠬᠤ ᠳᠤ ᠪᠠᠭᠰᠢ ᠨᠠᠷ ᠤᠨ ᠦᠦᠷᠭᠡ ᠶᠢ ᠲᠣᠳᠣᠷᠬᠠᠶᠢᠯᠠᠬᠤ ᠬᠡᠷᠡᠭᠲᠡᠢ ᠂ ᠰᠤᠷᠤᠭᠴᠢᠳ ᠤᠨ ᠰᠡᠳᠬᠢᠯ ᠰᠠᠨᠠᠭ᠎ᠠ ᠶᠢ ᠬᠥᠬᠢᠵᠢᠭᠦᠯᠬᠦ ᠪᠠ ᠰᠤᠷᠭᠠᠨ ᠬᠦᠮᠦᠵᠢᠯ ᠦᠨ ᠴᠢᠨᠠᠷ ᠢ ᠳᠡᠭᠡᠭᠰᠢᠯᠡᠭᠦᠯᠬᠦ ᠶᠢ ᠵᠣᠷᠢᠯᠭ᠎ᠠ ᠪᠣᠯᠭᠠᠨ᠎ᠠ ᠃ ᠰᠤᠷᠭᠠᠭᠤᠯᠢ ᠶᠢᠨ ᠰᠤᠷᠭᠠᠨ ᠬᠦᠮᠦᠵᠢᠯ ᠦᠨ ᠠᠵᠢᠯ ᠢ ᠰᠠᠶᠢᠵᠢᠷᠠᠭᠤᠯᠬᠤ ᠳᠤ ᠪᠠᠭᠰᠢ ᠨᠠᠷ ᠤᠨ ᠦᠦᠷᠭᠡ ᠶᠢ ᠲᠣᠳᠣᠷᠬᠠᠶᠢᠯᠠᠬᠤ ᠬᠡᠷᠡᠭᠲᠡᠢ ᠂ ᠰᠤᠷᠤᠭᠴᠢᠳ ᠤᠨ ᠰᠡᠳᠬᠢᠯ ᠰᠠᠨᠠᠭ᠎ᠠ ᠶᠢ ᠬᠥᠬᠢᠵᠢᠭᠦᠯᠬᠦ ᠪᠠ ᠰᠤᠷᠭᠠᠨ ᠬᠦᠮᠦᠵᠢᠯ ᠦᠨ ᠴᠢᠨᠠᠷ ᠢ ᠳᠡᠭᠡᠭᠰᠢᠯᠡᠭᠦᠯᠬᠦ ᠶᠢ ᠵᠣᠷᠢᠯᠭ᠎ᠠ ᠪᠣᠯᠭᠠᠨ᠎ᠠ ᠃ ᠰᠤᠷᠭᠠᠭᠤᠯᠢ ᠶᠢᠨ ᠰᠤᠷᠭᠠᠨ ᠬᠦᠮᠦᠵᠢᠯ ᠦᠨ ᠠᠵᠢᠯ ᠢ ᠰᠠᠶᠢᠵᠢᠷᠠᠭᠤᠯᠬᠤ ᠳᠤ ᠪᠠᠭᠰᠢ ᠨᠠᠷ ᠤᠨ ᠦᠦᠷᠭᠡ ᠶᠢ ᠲᠣᠳᠣᠷᠬᠠᠶᠢᠯᠠᠬᠤ ᠬᠡᠷᠡᠭᠲᠡᠢ ᠂ ᠰᠤᠷᠤᠭᠴᠢᠳ ᠤᠨ ᠰᠡᠳᠬᠢᠯ ᠰᠠᠨᠠᠭ᠎ᠠ ᠶᠢ ᠬᠥᠬᠢᠵᠢᠭᠦᠯᠬᠦ ᠪᠠ ᠰᠤᠷᠭᠠᠨ ᠬᠦᠮᠦᠵᠢᠯ ᠦᠨ ᠴᠢᠨᠠᠷ ᠢ ᠳᠡᠭᠡᠭᠰᠢᠯᠡᠭᠦᠯᠬᠦ ᠶᠢ ᠵᠣᠷᠢᠯᠭ᠎ᠠ ᠪᠣᠯᠭᠠᠨ᠎ᠠ ᠃ ᠰᠤᠷᠭᠠᠭᠤᠯᠢ ᠶᠢᠨ ᠰᠤᠷᠭᠠᠨ ᠬᠦᠮᠦᠵᠢᠯ ᠦᠨ ᠠᠵᠢᠯ ᠢ ᠰᠠᠶᠢᠵᠢᠷᠠᠭᠤᠯᠬᠤ ᠳᠤ ᠪᠠᠭᠰᠢ ᠨᠠᠷ ᠤᠨ ᠦᠦᠷᠭᠡ ᠶᠢ ᠲᠣᠳᠣᠷᠬᠠᠶᠢᠯᠠᠬᠤ ᠬᠡᠷᠡᠭᠲᠡᠢ ᠂ ᠰᠤᠷᠤᠭᠴᠢᠳ ᠤᠨ ᠰᠡᠳᠬᠢᠯ ᠰᠠᠨᠠᠭ᠎ᠠ ᠶᠢ ᠬᠥᠬᠢᠵᠢᠭᠦᠯᠬᠦ ᠪᠠ ᠰᠤᠷᠭᠠᠨ ᠬᠦᠮᠦᠵᠢᠯ ᠦᠨ ᠴᠢᠨᠠᠷ ᠢ ᠳᠡᠭᠡᠭᠰᠢᠯᠡᠭᠦᠯᠬᠦ ᠶᠢ ᠵᠣᠷᠢᠯᠭ᠎ᠠ ᠪᠣᠯᠭᠠᠨ᠎ᠠ ᠃ ᠰᠤᠷᠭᠠᠭᠤᠯᠢ ᠶᠢᠨ ᠰᠤᠷᠭᠠᠨ ᠬᠦᠮᠦᠵᠢᠯ ᠦᠨ ᠠᠵᠢᠯ ᠢ ᠰᠠᠶᠢᠵᠢᠷᠠᠭᠤᠯᠬᠤ ᠳᠤ ᠪᠠᠭᠰᠢ ᠨᠠᠷ ᠤᠨ ᠦᠦᠷᠭᠡ ᠶᠢ ᠲᠣᠳᠣᠷᠬᠠᠶᠢᠯᠠᠬᠤ ᠬᠡᠷᠡᠭᠲᠡᠢ ᠂ ᠰᠤᠷᠤᠭᠴᠢᠳ ᠤᠨ ᠰᠡᠳᠬᠢᠯ ᠰᠠᠨᠠᠭ᠎ᠠ ᠶᠢ ᠬᠥᠬᠢᠵᠢᠭᠦᠯᠬᠦ ᠪᠠ ᠰᠤᠷᠭᠠᠨ ᠬᠦᠮᠦᠵᠢᠯ ᠦᠨ ᠴᠢᠨᠠᠷ ᠢ ᠳᠡᠭᠡᠭᠰᠢᠯᠡᠭᠦᠯᠬᠦ ᠶᠢ ᠵᠣᠷᠢᠯᠭ᠎ᠠ ᠪᠣᠯᠭᠠᠨ᠎ᠠ ᠃ ᠰᠤᠷᠭᠠᠭᠤᠯᠢ ᠶᠢᠨ ᠰᠤᠷᠭᠠᠨ ᠬᠦᠮᠦᠵᠢᠯ ᠦᠨ ᠠᠵᠢᠯ ᠢ ᠰᠠᠶᠢᠵᠢᠷᠠᠭᠤᠯᠬᠤ ᠳᠤ ᠪᠠᠭᠰᠢ ᠨᠠᠷ ᠤᠨ ᠦᠦᠷᠭᠡ ᠶᠢ ᠲᠣᠳᠣᠷᠬᠠᠶᠢᠯᠠᠬᠤ ᠬᠡᠷᠡᠭᠲᠡᠢ ᠂ ᠰᠤᠷᠤᠭᠴᠢᠳ ᠤᠨ ᠰᠡᠳᠬᠢᠯ ᠰᠠᠨᠠᠭ᠎ᠠ ᠶᠢ ᠬᠥᠬᠢᠵᠢᠭᠦᠯᠬᠦ ᠪᠠ ᠰᠤᠷᠭᠠᠨ ᠬᠦᠮᠦᠵᠢᠯ ᠦᠨ ᠴᠢᠨᠠᠷ ᠢ ᠳᠡᠭᠡᠭᠰᠢᠯᠡᠭᠦᠯᠬᠦ ᠶᠢ ᠵᠣᠷᠢᠯᠭ᠎ᠠ ᠪᠣᠯᠭᠠᠨ᠎ᠠ ᠃ ᠰᠤᠷᠭᠠᠭᠤᠯᠢ ᠶᠢᠨ ᠰᠤᠷᠭᠠᠨ ᠬᠦᠮᠦᠵᠢᠯ ᠦᠨ ᠠᠵᠢᠯ ᠢ ᠰᠠᠶᠢᠵᠢᠷᠠᠭᠤᠯᠬᠤ ᠳᠤ ᠪᠠᠭᠰᠢ ᠨᠠᠷ ᠤᠨ ᠦᠦᠷᠭᠡ ᠶᠢ ᠲᠣᠳᠣᠷᠬᠠᠶᠢᠯᠠᠬᠤ ᠬᠡᠷᠡᠭᠲᠡᠢ ᠂ ᠰᠤᠷᠤᠭᠴᠢᠳ ᠤᠨ ᠰᠡᠳᠬᠢᠯ ᠰᠠᠨᠠᠭ᠎ᠠ ᠶᠢ ᠬᠥᠬᠢᠵᠢᠭᠦᠯᠬᠦ ᠪᠠ ᠰᠤᠷᠭᠠᠨ ᠬᠦᠮᠦᠵᠢᠯ ᠦᠨ ᠴᠢᠨᠠᠷ ᠢ ᠳᠡᠭᠡᠭᠰᠢᠯᠡᠭᠦᠯᠬᠦ ᠶᠢ ᠵᠣᠷᠢᠯᠭ᠎ᠠ ᠪᠣᠯᠭᠠᠨ᠎ᠠ ᠃ ᠰᠤᠷᠭᠠᠭᠤᠯᠢ ᠶᠢᠨ ᠰᠤᠷᠭᠠᠨ ᠬᠦᠮᠦᠵᠢᠯ ᠦᠨ ᠠᠵᠢᠯ ᠢ ᠰᠠᠶᠢᠵᠢᠷᠠᠭᠤᠯᠬᠤ ᠳᠤ ᠪᠠᠭᠰᠢ ᠨᠠᠷ ᠤᠨ ᠦᠦᠷᠭᠡ ᠶᠢ ᠲᠣᠳᠣᠷᠬᠠᠶᠢᠯᠠᠬᠤ ᠬᠡᠷᠡᠭᠲᠡᠢ ᠂ ᠰᠤᠷᠤᠭᠴᠢᠳ ᠤᠨ ᠰᠡᠳᠬᠢᠯ ᠰᠠᠨᠠᠭ᠎ᠠ ᠶᠢ ᠬᠥᠬᠢᠵᠢᠭᠦᠯᠬᠦ ᠪᠠ ᠰᠤᠷᠭᠠᠨ ᠬᠦᠮᠦᠵᠢᠯ ᠦᠨ ᠴᠢᠨᠠᠷ ᠢ ᠳᠡᠭᠡᠭᠰᠢᠯᠡᠭᠦᠯᠬᠦ ᠶᠢ ᠵᠣᠷᠢᠯᠭ᠎ᠠ ᠪᠣᠯᠭᠠᠨ᠎ᠠ ᠃ ᠰᠤᠷᠭᠠᠭᠤᠯᠢ ᠶᠢᠨ ᠰᠤᠷᠭᠠᠨ ᠬᠦᠮᠦᠵᠢᠯ ᠦᠨ ᠠᠵᠢᠯ ᠢ ᠰᠠᠶᠢᠵᠢᠷᠠᠭᠤᠯᠬᠤ ᠳᠤ ᠪᠠᠭᠰᠢ ᠨᠠᠷ ᠤᠨ ᠦᠦᠷᠭᠡ ᠶᠢ ᠲᠣᠳᠣᠷᠬᠠᠶᠢᠯᠠᠬᠤ ᠬᠡᠷᠡᠭᠲᠡᠢ ᠂ ᠰᠤᠷᠤᠭᠴᠢᠳ ᠤᠨ ᠰᠡᠳᠬᠢᠯ ᠰᠠᠨᠠᠭ᠎ᠠ ᠶᠢ ᠬᠥᠬᠢᠵᠢᠭᠦᠯᠬᠦ ᠪᠠ ᠰᠤᠷᠭᠠᠨ ᠬᠦᠮᠦᠵᠢᠯ ᠦᠨ ᠴᠢᠨᠠᠷ ᠢ ᠳᠡᠭᠡᠭᠰᠢᠯᠡᠭᠦᠯᠬᠦ ᠶᠢ ᠵᠣᠷᠢᠯᠭ᠎ᠠ ᠪᠣᠯᠭᠠᠨ᠎ᠠ ᠃ ᠰᠤᠷᠭᠠᠭᠤᠯᠢ ᠶᠢᠨ ᠰᠤᠷᠭᠠᠨ ᠬᠦᠮᠦᠵᠢᠯ ᠦᠨ ᠠᠵᠢᠯ ᠢ ᠰᠠᠶᠢᠵᠢᠷᠠᠭᠤᠯᠬᠤ ᠳᠤ ᠪᠠᠭᠰᠢ ᠨᠠᠷ ᠤᠨ ᠦᠦᠷᠭᠡ ᠶᠢ ᠲᠣᠳᠣᠷᠬᠠᠶᠢᠯᠠᠬᠤ ᠬᠡᠷᠡᠭᠲᠡᠢ ᠂ ᠰᠤᠷᠤᠭᠴᠢᠳ ᠤᠨ ᠰᠡᠳᠬᠢᠯ ᠰᠠᠨᠠᠭ᠎ᠠ ᠶᠢ ᠬᠥᠬᠢᠵᠢᠭᠦᠯᠬᠦ ᠪᠠ ᠰᠤᠷᠭᠠᠨ ᠬᠦᠮᠦᠵᠢᠯ ᠦᠨ ᠴᠢᠨᠠᠷ ᠢ ᠳᠡᠭᠡᠭᠰᠢᠯᠡᠭᠦᠯᠬᠦ ᠶᠢ ᠵᠣᠷᠢᠯᠭ᠎ᠠ ᠪᠣᠯᠭᠠᠨ᠎ᠠ ᠃ ᠰᠤᠷᠭᠠᠭᠤᠯᠢ ᠶᠢᠨ ᠰᠤᠷᠭᠠᠨ ᠬᠦᠮᠦᠵᠢᠯ ᠦᠨ ᠠᠵᠢᠯ ᠢ ᠰᠠᠶᠢᠵᠢᠷᠠᠭᠤᠯᠬᠤ ᠳᠤ ᠪᠠᠭᠰᠢ ᠨᠠᠷ ᠤᠨ ᠦᠦᠷᠭᠡ ᠶᠢ ᠲᠣᠳᠣᠷᠬᠠᠶᠢᠯᠠᠬᠤ ᠬᠡᠷᠡᠭᠲᠡᠢ ᠂ ᠰᠤᠷᠤᠭᠴᠢᠳ ᠤᠨ ᠰᠡᠳᠬᠢᠯ ᠰᠠᠨᠠᠭ᠎ᠠ ᠶᠢ ᠬᠥᠬᠢᠵᠢᠭᠦᠯᠬᠦ ᠪᠠ ᠰᠤᠷᠭᠠᠨ ᠬᠦᠮᠦᠵᠢᠯ ᠦᠨ ᠴᠢᠨᠠᠷ ᠢ ᠳᠡᠭᠡᠭᠰᠢᠯᠡᠭᠦᠯᠬᠦ ᠶᠢ ᠵᠣᠷᠢᠯᠭ᠎ᠠ ᠪᠣᠯᠭᠠᠨ᠎ᠠ ᠃ ᠰᠤᠷᠭᠠᠭᠤᠯᠢ ᠶᠢᠨ ᠰᠤᠷᠭᠠᠨ ᠬᠦᠮᠦᠵᠢᠯ ᠦᠨ ᠠᠵᠢᠯ ᠢ ᠰᠠᠶᠢᠵᠢᠷᠠᠭᠤᠯᠬᠤ ᠳᠤ ᠪᠠᠭᠰᠢ ᠨᠠᠷ ᠤᠨ ᠦᠦᠷᠭᠡ ᠶᠢ ᠲᠣᠳᠣᠷᠬᠠᠶᠢᠯᠠᠬᠤ ᠬᠡᠷᠡᠭᠲᠡᠢ ᠂ ᠰᠤᠷᠤᠭᠴᠢᠳ ᠤᠨ ᠰᠡᠳᠬᠢᠯ ᠰᠠᠨᠠᠭ᠎ᠠ ᠶᠢ ᠬᠥᠬᠢᠵᠢᠭᠦᠯᠬᠦ ᠪᠠ ᠰᠤᠷᠭᠠᠨ ᠬᠦᠮᠦᠵᠢᠯ ᠦᠨ ᠴᠢᠨᠠᠷ ᠢ ᠳᠡᠭᠡᠭᠰᠢᠯᠡᠭᠦᠯᠬᠦ ᠶᠢ ᠵᠣᠷᠢᠯᠭ᠎ᠠ ᠪᠣᠯᠭᠠᠨ᠎ᠠ ᠃ ᠰᠤᠷᠭᠠᠭᠤᠯᠢ ᠶᠢᠨ ᠰᠤᠷᠭᠠᠨ ᠬᠦᠮᠦᠵᠢᠯ ᠦᠨ ᠠᠵᠢᠯ ᠢ ᠰᠠᠶᠢᠵᠢᠷᠠᠭᠤᠯᠬᠤ ᠳᠤ ᠪᠠᠭᠰᠢ ᠨᠠᠷ ᠤᠨ ᠦᠦᠷᠭᠡ ᠶᠢ ᠲᠣᠳᠣᠷᠬᠠᠶᠢᠯᠠᠬᠤ ᠬᠡᠷᠡᠭᠲᠡᠢ ᠂ ᠰᠤᠷᠤᠭᠴᠢᠳ ᠤᠨ ᠰᠡᠳᠬᠢᠯ ᠰᠠᠨᠠᠭ᠎ᠠ ᠶᠢ ᠬᠥᠬᠢᠵᠢᠭᠦᠯᠬᠦ ᠪᠠ ᠰᠤᠷᠭᠠᠨ ᠬᠦᠮᠦᠵᠢᠯ ᠦᠨ ᠴᠢᠨᠠᠷ ᠢ ᠳᠡᠭᠡᠭᠰᠢᠯᠡᠭᠦᠯᠬᠦ ᠶᠢ ᠵᠣᠷᠢᠯᠭ᠎ᠠ ᠪᠣᠯᠭᠠᠨ᠎ᠠ ᠃ ᠰᠤᠷᠭᠠᠭᠤᠯᠢ ᠶᠢᠨ ᠰᠤᠷᠭᠠᠨ ᠬᠦᠮᠦᠵᠢᠯ ᠦᠨ ᠠᠵᠢᠯ ᠢ ᠰᠠᠶᠢᠵᠢᠷᠠᠭᠤᠯᠬᠤ ᠳᠤ ᠪᠠᠭᠰᠢ ᠨᠠᠷ ᠤᠨ ᠦᠦᠷᠭᠡ ᠶᠢ ᠲᠣᠳᠣᠷᠬᠠᠶᠢᠯᠠᠬᠤ ᠬᠡᠷᠡᠭᠲᠡᠢ ᠂ ᠰᠤᠷᠤᠭᠴᠢᠳ ᠤᠨ ᠰᠡᠳᠬᠢᠯ ᠰᠠᠨᠠᠭ᠎ᠠ ᠶᠢ ᠬᠥᠬᠢᠵᠢᠭᠦᠯᠬᠦ ᠪᠠ ᠰᠤᠷᠭᠠᠨ ᠬᠦᠮᠦᠵᠢᠯ ᠦᠨ ᠴᠢᠨᠠᠷ ᠢ ᠳᠡᠭᠡᠭᠰᠢᠯᠡᠭᠦᠯᠬᠦ ᠶᠢ ᠵᠣᠷᠢᠯᠭ᠎ᠠ ᠪᠣᠯᠭᠠᠨ᠎ᠠ ᠃ ᠰᠤᠷᠭᠠᠭᠤᠯᠢ ᠶᠢᠨ ᠰᠤᠷᠭᠠᠨ ᠬᠦᠮᠦᠵᠢᠯ ᠦᠨ ᠠᠵᠢᠯ ᠢ ᠰᠠᠶᠢᠵᠢᠷᠠᠭᠤᠯᠬᠤ ᠳᠤ ᠪᠠᠭᠰᠢ ᠨᠠᠷ ᠤᠨ ᠦᠦᠷᠭᠡ ᠶᠢ ᠲᠣᠳᠣᠷᠬᠠᠶᠢᠯᠠᠬᠤ ᠬᠡᠷᠡᠭᠲᠡᠢ ᠂ ᠰᠤᠷᠤᠭᠴᠢᠳ ᠤᠨ ᠰᠡᠳᠬᠢᠯ ᠰᠠᠨᠠᠭ᠎ᠠ ᠶᠢ ᠬᠥᠬᠢᠵᠢᠭᠦᠯᠬᠦ ᠪᠠ ᠰᠤᠷᠭᠠᠨ ᠬᠦᠮᠦᠵᠢᠯ ᠦᠨ ᠴᠢᠨᠠᠷ ᠢ ᠳᠡᠭᠡᠭᠰᠢᠯᠡᠭᠦᠯᠬᠦ ᠶᠢ ᠵᠣᠷᠢᠯᠭ᠎ᠠ ᠪᠣᠯᠭᠠᠨ᠎ᠠ ᠃ ᠰᠤᠷᠭᠠᠭᠤᠯᠢ ᠶᠢᠨ ᠰᠤᠷᠭᠠᠨ ᠬᠦᠮᠦᠵᠢᠯ ᠦᠨ ᠠᠵᠢᠯ ᠢ ᠰᠠᠶᠢᠵᠢᠷᠠᠭᠤᠯᠬᠤ ᠳᠤ ᠪᠠᠭᠰᠢ ᠨᠠᠷ ᠤᠨ ᠦᠦᠷᠭᠡ ᠶᠢ ᠲᠣᠳᠣᠷᠬᠠᠶᠢᠯᠠᠬᠤ ᠬᠡᠷᠡᠭᠲᠡᠢ ᠂ ᠰᠤᠷᠤᠭᠴᠢᠳ ᠤᠨ ᠰᠡᠳᠬᠢᠯ ᠰᠠᠨᠠᠭ᠎ᠠ ᠶᠢ ᠬᠥᠬᠢᠵᠢᠭᠦᠯᠬᠦ ᠪᠠ ᠰᠤᠷᠭᠠᠨ ᠬᠦᠮᠦᠵᠢᠯ ᠦᠨ ᠴᠢᠨᠠᠷ ᠢ ᠳᠡᠭᠡᠭᠰᠢᠯᠡᠭᠦᠯᠬᠦ ᠶᠢ ᠵᠣᠷᠢᠯᠭ᠎ᠠ ᠪᠣᠯᠭᠠᠨ᠎ᠠ ᠃ ᠰᠤᠷᠭᠠᠭᠤᠯᠢ ᠶᠢᠨ ᠰᠤᠷᠭᠠᠨ ᠬᠦᠮᠦᠵᠢᠯ ᠦᠨ ᠠᠵᠢᠯ ᠢ ᠰᠠᠶᠢᠵᠢᠷᠠᠭᠤᠯᠬᠤ ᠳᠤ ᠪᠠᠭᠰᠢ ᠨᠠᠷ ᠤᠨ ᠦᠦᠷᠭᠡ ᠶᠢ ᠲᠣᠳᠣᠷᠬᠠᠶᠢᠯᠠᠬᠤ ᠬᠡᠷᠡᠭᠲᠡᠢ ᠂ ᠰᠤᠷᠤᠭᠴᠢᠳ ᠤᠨ ᠰᠡᠳᠬᠢᠯ ᠰᠠᠨᠠᠭ᠎ᠠ ᠶᠢ ᠬᠥᠬᠢᠵᠢᠭᠦᠯᠬᠦ ᠪᠠ ᠰᠤᠷᠭᠠᠨ ᠬᠦᠮᠦᠵᠢᠯ ᠦᠨ ᠴᠢᠨᠠᠷ ᠢ ᠳᠡᠭᠡᠭᠰᠢᠯᠡᠭᠦᠯᠬᠦ ᠶᠢ ᠵᠣᠷᠢᠯᠭ᠎ᠠ ᠪᠣᠯᠭᠠᠨ᠎ᠠ ᠃ ᠰᠤᠷᠭᠠᠭᠤᠯᠢ ᠶᠢᠨ ᠰᠤᠷᠭᠠᠨ ᠬᠦᠮᠦᠵᠢᠯ ᠦᠨ ᠠᠵᠢᠯ ᠢ ᠰᠠᠶᠢᠵᠢᠷᠠᠭᠤᠯᠬᠤ ᠳᠤ ᠪᠠᠭᠰᠢ ᠨᠠᠷ ᠤᠨ ᠦᠦᠷᠭᠡ ᠶᠢ ᠲᠣᠳᠣᠷᠬᠠᠶᠢᠯᠠᠬᠤ ᠬᠡᠷᠡᠭᠲᠡᠢ ᠂ ᠰᠤᠷᠤᠭᠴᠢᠳ ᠤᠨ ᠰᠡᠳᠬᠢᠯ ᠰᠠᠨᠠᠭ᠎ᠠ ᠶᠢ ᠬᠥᠬᠢᠵᠢᠭᠦᠯᠬᠦ ᠪᠠ ᠰᠤᠷᠭᠠᠨ ᠬᠦᠮᠦᠵᠢᠯ ᠦᠨ ᠴᠢᠨᠠᠷ ᠢ ᠳᠡᠭᠡᠭᠰᠢᠯᠡᠭᠦᠯᠬᠦ ᠶᠢ ᠵᠣᠷᠢᠯᠭ᠎ᠠ ᠪᠣᠯᠭᠠᠨ᠎ᠠ ᠃ ᠰᠤᠷᠭᠠᠭᠤᠯᠢ ᠶᠢᠨ ᠰᠤᠷᠭᠠᠨ ᠬᠦᠮᠦᠵᠢᠯ ᠦᠨ ᠠᠵᠢᠯ ᠢ ᠰᠠᠶᠢᠵᠢᠷᠠᠭᠤᠯᠬᠤ ᠳᠤ ᠪᠠᠭᠰᠢ ᠨᠠᠷ ᠤᠨ ᠦᠦᠷᠭᠡ ᠶᠢ ᠲᠣᠳᠣᠷᠬᠠᠶᠢᠯᠠᠬᠤ ᠬᠡᠷᠡᠭᠲᠡᠢ ᠂ ᠰᠤᠷᠤᠭᠴᠢᠳ ᠤᠨ ᠰᠡᠳᠬᠢᠯ ᠰᠠᠨᠠᠭ᠎ᠠ ᠶᠢ ᠬᠥᠬᠢᠵᠢᠭᠦᠯᠬᠦ ᠪᠠ ᠰᠤᠷᠭᠠᠨ ᠬᠦᠮᠦᠵᠢᠯ ᠦᠨ ᠴᠢᠨᠠᠷ ᠢ ᠳᠡᠭᠡᠭᠰᠢᠯᠡᠭᠦᠯᠬᠦ ᠶᠢ ᠵᠣᠷᠢᠯᠭ᠎ᠠ ᠪᠣᠯᠭᠠᠨ᠎ᠠ ᠃ ᠰᠤᠷᠭᠠᠭᠤᠯᠢ ᠶᠢᠨ ᠰᠤᠷᠭᠠᠨ ᠬᠦᠮᠦᠵᠢᠯ ᠦᠨ ᠠᠵᠢᠯ ᠢ ᠰᠠᠶᠢᠵᠢᠷᠠᠭᠤᠯᠬᠤ ᠳᠤ ᠪᠠᠭᠰᠢ ᠨᠠᠷ ᠤᠨ ᠦᠦᠷᠭᠡ ᠶᠢ ᠲᠣᠳᠣᠷᠬᠠᠶᠢᠯᠠᠬᠤ ᠬᠡᠷᠡᠭᠲᠡᠢ ᠂ ᠰᠤᠷᠤᠭᠴᠢᠳ ᠤᠨ ᠰᠡᠳᠬᠢᠯ ᠰᠠᠨᠠᠭ᠎ᠠ ᠶᠢ ᠬᠥᠬᠢᠵᠢᠭᠦᠯᠬᠦ ᠪᠠ ᠰᠤᠷᠭᠠᠨ ᠬᠦᠮᠦᠵᠢᠯ ᠦᠨ ᠴᠢᠨᠠᠷ ᠢ ᠳᠡᠭᠡᠭᠰᠢᠯᠡᠭᠦᠯᠬᠦ ᠶᠢ ᠵᠣᠷᠢᠯᠭ᠎ᠠ ᠪᠣᠯᠭᠠᠨ᠎ᠠ ᠃ ᠰᠤᠷᠭᠠᠭᠤᠯᠢ ᠶᠢᠨ ᠰᠤᠷᠭᠠᠨ ᠬᠦᠮᠦᠵᠢᠯ ᠦᠨ ᠠᠵᠢᠯ ᠢ ᠰᠠᠶᠢᠵᠢᠷᠠᠭᠤᠯᠬᠤ ᠳᠤ ᠪᠠᠭᠰᠢ ᠨᠠᠷ ᠤᠨ ᠦᠦᠷᠭᠡ ᠶᠢ ᠲᠣᠳᠣᠷᠬᠠᠶᠢᠯᠠᠬᠤ ᠬᠡᠷᠡᠭᠲᠡᠢ ᠂ ᠰᠤᠷᠤᠭᠴᠢᠳ ᠤᠨ ᠰᠡᠳᠬᠢᠯ ᠰᠠᠨᠠᠭ᠎ᠠ ᠶᠢ ᠬᠥᠬᠢᠵᠢᠭᠦᠯᠬᠦ ᠪᠠ ᠰᠤᠷᠭᠠᠨ ᠬᠦᠮᠦᠵᠢᠯ ᠦᠨ ᠴᠢᠨᠠᠷ ᠢ ᠳᠡᠭᠡᠭᠰᠢᠯᠡᠭᠦᠯᠬᠦ ᠶᠢ ᠵᠣᠷᠢᠯᠭ᠎ᠠ ᠪᠣᠯᠭᠠᠨ᠎ᠠ ᠃ ᠰᠤᠷᠭᠠᠭᠤᠯᠢ ᠶᠢᠨ ᠰᠤᠷᠭᠠᠨ ᠬᠦᠮᠦᠵᠢᠯ ᠦᠨ ᠠᠵᠢᠯ ᠢ ᠰᠠᠶᠢᠵᠢᠷᠠᠭᠤᠯᠬᠤ ᠳᠤ ᠪᠠᠭᠰᠢ ᠨᠠᠷ ᠤᠨ ᠦᠦᠷᠭᠡ ᠶᠢ ᠲᠣᠳᠣᠷᠬᠠᠶᠢᠯᠠᠬᠤ ᠬᠡᠷᠡᠭᠲᠡᠢ ᠂ ᠰᠤᠷᠤᠭᠴᠢᠳ ᠤᠨ ᠰᠡᠳᠬᠢᠯ ᠰᠠᠨᠠᠭ᠎ᠠ ᠶᠢ ᠬᠥᠬᠢᠵᠢᠭᠦᠯᠬᠦ ᠪᠠ ᠰᠤᠷᠭᠠᠨ ᠬᠦᠮᠦᠵᠢᠯ ᠦᠨ ᠴᠢᠨᠠᠷ ᠢ ᠳᠡᠭᠡᠭᠰᠢᠯᠡᠭᠦᠯᠬᠦ ᠶᠢ ᠵᠣᠷᠢᠯᠭ᠎ᠠ ᠪᠣᠯᠭᠠᠨ᠎ᠠ ᠃ ᠰᠤᠷᠭᠠᠭᠤᠯᠢ ᠶᠢᠨ ᠰᠤᠷᠭᠠᠨ ᠬᠦᠮᠦᠵᠢᠯ ᠦᠨ ᠠᠵᠢᠯ ᠢ ᠰᠠᠶᠢᠵᠢᠷᠠᠭᠤᠯᠬᠤ ᠳᠤ ᠪᠠᠭᠰᠢ ᠨᠠᠷ ᠤᠨ ᠦᠦᠷᠭᠡ ᠶᠢ ᠲᠣᠳᠣᠷᠬᠠᠶᠢᠯᠠᠬᠤ ᠬᠡᠷᠡᠭᠲᠡᠢ ᠂ ᠰᠤᠷᠤᠭᠴᠢᠳ ᠤᠨ ᠰᠡᠳᠬᠢᠯ ᠰᠠᠨᠠᠭ᠎ᠠ ᠶᠢ ᠬᠥᠬᠢᠵᠢᠭᠦᠯᠬᠦ ᠪᠠ ᠰᠤᠷᠭᠠᠨ ᠬᠦᠮᠦᠵᠢᠯ ᠦᠨ ᠴᠢᠨᠠᠷ ᠢ ᠳᠡᠭᠡᠭᠰᠢᠯᠡᠭᠦᠯᠬᠦ ᠶᠢ ᠵᠣᠷᠢᠯᠭ᠎ᠠ ᠪᠣᠯᠭᠠᠨ᠎ᠠ ᠃ ᠰᠤᠷᠭᠠᠭᠤᠯᠢ ᠶᠢᠨ ᠰᠤᠷᠭᠠᠨ ᠬᠦᠮᠦᠵᠢᠯ ᠦᠨ ᠠᠵᠢᠯ ᠢ ᠰᠠᠶᠢᠵᠢᠷᠠᠭᠤᠯᠬᠤ ᠳᠤ ᠪᠠᠭᠰᠢ ᠨᠠᠷ ᠤᠨ ᠦᠦᠷᠭᠡ ᠶᠢ ᠲᠣᠳᠣᠷᠬᠠᠶᠢᠯᠠᠬᠤ ᠬᠡᠷᠡᠭᠲᠡᠢ ᠂ ᠰᠤᠷᠤᠭᠴᠢᠳ ᠤᠨ ᠰᠡᠳᠬᠢᠯ ᠰᠠᠨᠠᠭ᠎ᠠ ᠶᠢ ᠬᠥᠬᠢᠵᠢᠭᠦᠯᠬᠦ ᠪᠠ ᠰᠤᠷᠭᠠᠨ ᠬᠦᠮᠦᠵᠢᠯ ᠦᠨ ᠴᠢᠨᠠᠷ ᠢ ᠳᠡᠭᠡᠭᠰᠢᠯᠡᠭᠦᠯᠬᠦ ᠶᠢ ᠵᠣᠷᠢᠯᠭ᠎ᠠ ᠪᠣᠯᠭᠠᠨ᠎ᠠ ᠃ ᠰᠤᠷᠭᠠᠭᠤᠯᠢ ᠶᠢᠨ ᠰᠤᠷᠭᠠᠨ ᠬᠦᠮᠦᠵᠢᠯ ᠦᠨ ᠠᠵᠢᠯ ᠢ ᠰᠠᠶᠢᠵᠢᠷᠠᠭᠤᠯᠬᠤ ᠳᠤ ᠪᠠᠭᠰᠢ ᠨᠠᠷ ᠤᠨ ᠦᠦᠷᠭᠡ ᠶᠢ ᠲᠣᠳᠣᠷᠬᠠᠶᠢᠯᠠᠬᠤ ᠬᠡᠷᠡᠭᠲᠡᠢ ᠂ ᠰᠤᠷᠤᠭᠴᠢᠳ ᠤᠨ ᠰᠡᠳᠬᠢᠯ ᠰᠠᠨᠠᠭ᠎ᠠ ᠶᠢ ᠬᠥᠬᠢᠵᠢᠭᠦᠯᠬᠦ ᠪᠠ ᠰᠤᠷᠭᠠᠨ ᠬᠦᠮᠦᠵᠢᠯ ᠦᠨ ᠴᠢᠨᠠᠷ ᠢ ᠳᠡᠭᠡᠭᠰᠢᠯᠡᠭᠦᠯᠬᠦ ᠶᠢ ᠵᠣᠷᠢᠯᠭ᠎ᠠ ᠪᠣᠯᠭᠠᠨ᠎ᠠ ᠃ ᠰᠤᠷᠭᠠᠭᠤᠯᠢ ᠶᠢᠨ ᠰᠤᠷᠭᠠᠨ ᠬᠦᠮᠦᠵᠢᠯ ᠦᠨ ᠠᠵᠢᠯ ᠢ ᠰᠠᠶᠢᠵᠢᠷᠠᠭᠤᠯᠬᠤ ᠳᠤ ᠪᠠᠭᠰᠢ ᠨᠠᠷ ᠤᠨ ᠦᠦᠷᠭᠡ ᠶᠢ ᠲᠣᠳᠣᠷᠬᠠᠶᠢᠯᠠᠬᠤ ᠬᠡᠷᠡᠭᠲᠡᠢ ᠂ ᠰᠤᠷᠤᠭᠴᠢᠳ ᠤᠨ ᠰᠡᠳᠬᠢᠯ ᠰᠠᠨᠠᠭ᠎ᠠ ᠶᠢ ᠬᠥᠬᠢᠵᠢᠭᠦᠯᠬᠦ ᠪᠠ ᠰᠤᠷᠭᠠᠨ ᠬᠦᠮᠦᠵᠢᠯ ᠦᠨ ᠴᠢᠨᠠᠷ ᠢ ᠳᠡᠭᠡᠭᠰᠢᠯᠡᠭᠦᠯᠬᠦ ᠶᠢ ᠵᠣᠷᠢᠯᠭ᠎ᠠ ᠪᠣᠯᠭᠠᠨ᠎ᠠ ᠃ ᠰᠤᠷᠭᠠᠭᠤᠯᠢ ᠶᠢᠨ ᠰᠤᠷᠭᠠᠨ ᠬᠦᠮᠦᠵᠢᠯ ᠦᠨ ᠠᠵᠢᠯ ᠢ ᠰᠠᠶᠢᠵᠢᠷᠠᠭᠤᠯᠬᠤ ᠳᠤ ᠪᠠᠭᠰᠢ ᠨᠠᠷ ᠤᠨ ᠦᠦᠷᠭᠡ ᠶᠢ ᠲᠣᠳᠣᠷᠬᠠᠶᠢᠯᠠᠬᠤ ᠬᠡᠷᠡᠭᠲᠡᠢ ᠂ ᠰᠤᠷᠤᠭᠴᠢᠳ ᠤᠨ ᠰᠡᠳᠬᠢᠯ ᠰᠠᠨᠠᠭ᠎ᠠ ᠶᠢ ᠬᠥᠬᠢᠵᠢᠭᠦᠯᠬᠦ ᠪᠠ ᠰᠤᠷᠭᠠᠨ ᠬᠦᠮᠦᠵᠢᠯ ᠦᠨ ᠴᠢᠨᠠᠷ ᠢ ᠳᠡᠭᠡᠭᠰᠢᠯᠡᠭᠦᠯᠬᠦ ᠶᠢ ᠵᠣᠷᠢᠯᠭ᠎ᠠ ᠪᠣᠯᠭᠠᠨ᠎ᠠ ᠃ ᠰᠤᠷᠭᠠᠭᠤᠯᠢ ᠶᠢᠨ ᠰᠤᠷᠭᠠᠨ ᠬᠦᠮᠦᠵᠢᠯ ᠦᠨ ᠠᠵᠢᠯ ᠢ ᠰᠠᠶᠢᠵᠢᠷᠠᠭᠤᠯᠬᠤ ᠳᠤ ᠪᠠᠭᠰᠢ ᠨᠠᠷ ᠤᠨ ᠦᠦᠷᠭᠡ ᠶᠢ ᠲᠣᠳᠣᠷᠬᠠᠶᠢᠯᠠᠬᠤ ᠬᠡᠷᠡᠭᠲᠡᠢ ᠂ ᠰᠤᠷᠤᠭᠴᠢᠳ ᠤᠨ ᠰᠡᠳᠬᠢᠯ ᠰᠠᠨᠠᠭ᠎ᠠ ᠶᠢ ᠬᠥᠬᠢᠵᠢᠭᠦᠯᠬᠦ ᠪᠠ ᠰᠤᠷᠭᠠᠨ ᠬᠦᠮᠦᠵᠢᠯ ᠦᠨ ᠴᠢᠨᠠᠷ ᠢ ᠳᠡᠭᠡᠭᠰᠢᠯᠡᠭᠦᠯᠬᠦ ᠶᠢ ᠵᠣᠷᠢᠯᠭ᠎ᠠ ᠪᠣᠯᠭᠠᠨ᠎ᠠ ᠃ ᠰᠤᠷᠭᠠᠭᠤᠯᠢ ᠶᠢᠨ ᠰᠤᠷᠭᠠᠨ ᠬᠦᠮᠦᠵᠢᠯ ᠦᠨ ᠠᠵᠢᠯ ᠢ ᠰᠠᠶᠢᠵᠢᠷᠠᠭᠤᠯᠬᠤ ᠳᠤ ᠪᠠᠭᠰᠢ ᠨᠠᠷ ᠤᠨ ᠦᠦᠷᠭᠡ ᠶᠢ ᠲᠣᠳᠣᠷᠬᠠᠶᠢᠯᠠᠬᠤ ᠬᠡᠷᠡᠭᠲᠡᠢ ᠂ ᠰᠤᠷᠤᠭᠴᠢᠳ ᠤᠨ ᠰᠡᠳᠬᠢᠯ ᠰᠠᠨᠠᠭ᠎ᠠ ᠶᠢ ᠬᠥᠬᠢᠵᠢᠭᠦᠯᠬᠦ ᠪᠠ ᠰᠤᠷᠭᠠᠨ ᠬᠦᠮᠦᠵᠢᠯ ᠦᠨ ᠴᠢᠨᠠᠷ ᠢ ᠳᠡᠭᠡᠭᠰᠢᠯᠡᠭᠦᠯᠬᠦ ᠶᠢ ᠵᠣᠷᠢᠯᠭ᠎ᠠ ᠪᠣᠯᠭᠠᠨ᠎ᠠ ᠃ ᠰᠤᠷᠭᠠᠭᠤᠯᠢ ᠶᠢᠨ ᠰᠤᠷᠭᠠᠨ ᠬᠦᠮᠦᠵᠢᠯ ᠦᠨ ᠠᠵᠢᠯ ᠢ ᠰᠠᠶᠢᠵᠢᠷᠠᠭᠤᠯᠬᠤ ᠳᠤ ᠪᠠᠭᠰᠢ ᠨᠠᠷ ᠤᠨ ᠦᠦᠷᠭᠡ ᠶᠢ ᠲᠣᠳᠣᠷᠬᠠᠶᠢᠯᠠᠬᠤ ᠬᠡᠷᠡᠭᠲᠡᠢ ᠂ ᠰᠤᠷᠤᠭᠴᠢᠳ ᠤᠨ ᠰᠡᠳᠬᠢᠯ ᠰᠠᠨᠠᠭ᠎ᠠ ᠶᠢ ᠬᠥᠬᠢᠵᠢᠭᠦᠯᠬᠦ ᠪᠠ ᠰᠤᠷᠭᠠᠨ ᠬᠦᠮᠦᠵᠢᠯ ᠦᠨ ᠴᠢᠨᠠᠷ ᠢ ᠳᠡᠭᠡᠭᠰᠢᠯᠡᠭᠦᠯᠬᠦ ᠶᠢ ᠵᠣᠷᠢᠯᠭ᠎ᠠ ᠪᠣᠯᠭᠠᠨ᠎ᠠ ᠃ ᠰᠤᠷᠭᠠᠭᠤᠯᠢ ᠶᠢᠨ ᠰᠤᠷᠭᠠᠨ ᠬᠦᠮᠦᠵᠢᠯ ᠦᠨ ᠠᠵᠢᠯ ᠢ ᠰᠠᠶᠢᠵᠢᠷᠠᠭᠤᠯᠬᠤ ᠳᠤ ᠪᠠᠭᠰᠢ ᠨᠠᠷ ᠤᠨ ᠦᠦᠷᠭᠡ ᠶᠢ ᠲᠣᠳᠣᠷᠬᠠᠶᠢᠯᠠᠬᠤ ᠬᠡᠷᠡᠭᠲᠡᠢ ᠂ ᠰᠤᠷᠤᠭᠴᠢᠳ ᠤᠨ ᠰᠡᠳᠬᠢᠯ ᠰᠠᠨᠠᠭ᠎ᠠ ᠶᠢ ᠬᠥᠬᠢᠵᠢᠭᠦᠯᠬᠦ ᠪᠠ ᠰᠤᠷᠭᠠᠨ ᠬᠦᠮᠦᠵᠢᠯ ᠦᠨ ᠴᠢᠨᠠᠷ ᠢ ᠳᠡᠭᠡᠭᠰᠢᠯᠡᠭᠦᠯᠬᠦ ᠶᠢ ᠵᠣᠷᠢᠯᠭ᠎ᠠ ᠪᠣᠯᠭᠠᠨ᠎ᠠ ᠃ ᠰᠤᠷᠭᠠᠭᠤᠯᠢ ᠶᠢᠨ ᠰᠤᠷᠭᠠᠨ ᠬᠦᠮᠦᠵᠢᠯ ᠦᠨ ᠠᠵᠢᠯ ᠢ ᠰᠠᠶᠢᠵᠢᠷᠠᠭᠤᠯᠬᠤ ᠳᠤ ᠪᠠᠭᠰᠢ ᠨᠠᠷ ᠤᠨ ᠦᠦᠷᠭᠡ ᠶᠢ ᠲᠣᠳᠣᠷᠬᠠᠶᠢᠯᠠᠬᠤ ᠬᠡᠷᠡᠭᠲᠡᠢ ᠂ ᠰᠤᠷᠤᠭᠴᠢᠳ ᠤᠨ ᠰᠡᠳᠬᠢᠯ ᠰᠠᠨᠠᠭ᠎ᠠ ᠶᠢ ᠬᠥᠬᠢᠵᠢᠭᠦᠯᠬᠦ ᠪᠠ ᠰᠤᠷᠭᠠᠨ ᠬᠦᠮᠦᠵᠢᠯ ᠦᠨ ᠴᠢᠨᠠᠷ ᠢ ᠳᠡᠭᠡᠭᠰᠢᠯᠡᠭᠦᠯᠬᠦ ᠶᠢ ᠵᠣᠷᠢᠯᠭ᠎ᠠ ᠪᠣᠯᠭᠠᠨ᠎ᠠ ᠃ ᠰᠤᠷᠭᠠᠭᠤᠯᠢ ᠶᠢᠨ ᠰᠤᠷᠭᠠᠨ ᠬᠦᠮᠦᠵᠢᠯ ᠦᠨ ᠠᠵᠢᠯ ᠢ ᠰᠠᠶᠢᠵᠢᠷᠠᠭᠤᠯᠬᠤ ᠳᠤ ᠪᠠᠭᠰᠢ ᠨᠠᠷ ᠤᠨ ᠦᠦᠷᠭᠡ ᠶᠢ ᠲᠣᠳᠣᠷᠬᠠᠶᠢᠯᠠᠬᠤ ᠬᠡᠷᠡᠭᠲᠡᠢ ᠂ ᠰᠤᠷᠤᠭᠴᠢᠳ ᠤᠨ ᠰᠡᠳᠬᠢᠯ ᠰᠠᠨᠠᠭ᠎ᠠ ᠶᠢ ᠬᠥᠬᠢᠵᠢᠭᠦᠯᠬᠦ ᠪᠠ ᠰᠤᠷᠭᠠᠨ ᠬᠦᠮᠦᠵᠢᠯ ᠦᠨ ᠴᠢᠨᠠᠷ ᠢ ᠳᠡᠭᠡᠭᠰᠢᠯᠡᠭᠦᠯᠬᠦ ᠶᠢ ᠵᠣᠷᠢᠯᠭ᠎ᠠ ᠪᠣᠯᠭᠠᠨ᠎ᠠ ᠃ ᠰᠤᠷᠭᠠᠭᠤᠯᠢ ᠶᠢᠨ ᠰᠤᠷᠭᠠᠨ ᠬᠦᠮᠦᠵᠢᠯ ᠦᠨ ᠠᠵᠢᠯ ᠢ ᠰᠠᠶᠢᠵᠢᠷᠠᠭᠤᠯᠬᠤ ᠳᠤ ᠪᠠᠭᠰᠢ ᠨᠠᠷ ᠤᠨ ᠦᠦᠷᠭᠡ ᠶᠢ ᠲᠣᠳᠣᠷᠬᠠᠶᠢᠯᠠᠬᠤ ᠬᠡᠷᠡᠭᠲᠡᠢ ᠂ ᠰᠤᠷᠤᠭᠴᠢᠳ ᠤᠨ ᠰᠡᠳᠬᠢᠯ ᠰᠠᠨᠠᠭ᠎ᠠ ᠶᠢ ᠬᠥᠬᠢᠵᠢᠭᠦᠯᠬᠦ ᠪᠠ ᠰᠤᠷᠭᠠᠨ ᠬᠦᠮᠦᠵᠢᠯ ᠦᠨ ᠴᠢᠨᠠᠷ ᠢ ᠳᠡᠭᠡᠭᠰᠢᠯᠡᠭᠦᠯᠬᠦ ᠶᠢ ᠵᠣᠷᠢᠯᠭ᠎ᠠ ᠪᠣᠯᠭᠠᠨ᠎ᠠ ᠃ ᠰᠤᠷᠭᠠᠭᠤᠯᠢ ᠶᠢᠨ ᠰᠤᠷᠭᠠᠨ ᠬᠦᠮᠦᠵᠢᠯ ᠦᠨ ᠠᠵᠢᠯ ᠢ ᠰᠠᠶᠢᠵᠢᠷᠠᠭᠤᠯᠬᠤ ᠳᠤ ᠪᠠᠭᠰᠢ ᠨᠠᠷ ᠤᠨ ᠦᠦᠷᠭᠡ ᠶᠢ ᠲᠣᠳᠣᠷᠬᠠᠶᠢᠯᠠᠬᠤ ᠬᠡᠷᠡᠭᠲᠡᠢ ᠂ ᠰᠤᠷᠤᠭᠴᠢᠳ ᠤᠨ ᠰᠡᠳᠬᠢᠯ ᠰᠠᠨᠠᠭ᠎ᠠ ᠶᠢ ᠬᠥᠬᠢᠵᠢᠭᠦᠯᠬᠦ ᠪᠠ ᠰᠤᠷᠭᠠᠨ ᠬᠦᠮᠦᠵᠢᠯ ᠦᠨ ᠴᠢᠨᠠᠷ ᠢ ᠳᠡᠭᠡᠭᠰᠢᠯᠡᠭᠦᠯᠬᠦ ᠶᠢ ᠵᠣᠷᠢᠯᠭ᠎ᠠ ᠪᠣᠯᠭᠠᠨ᠎ᠠ ᠃	2022.11 41
